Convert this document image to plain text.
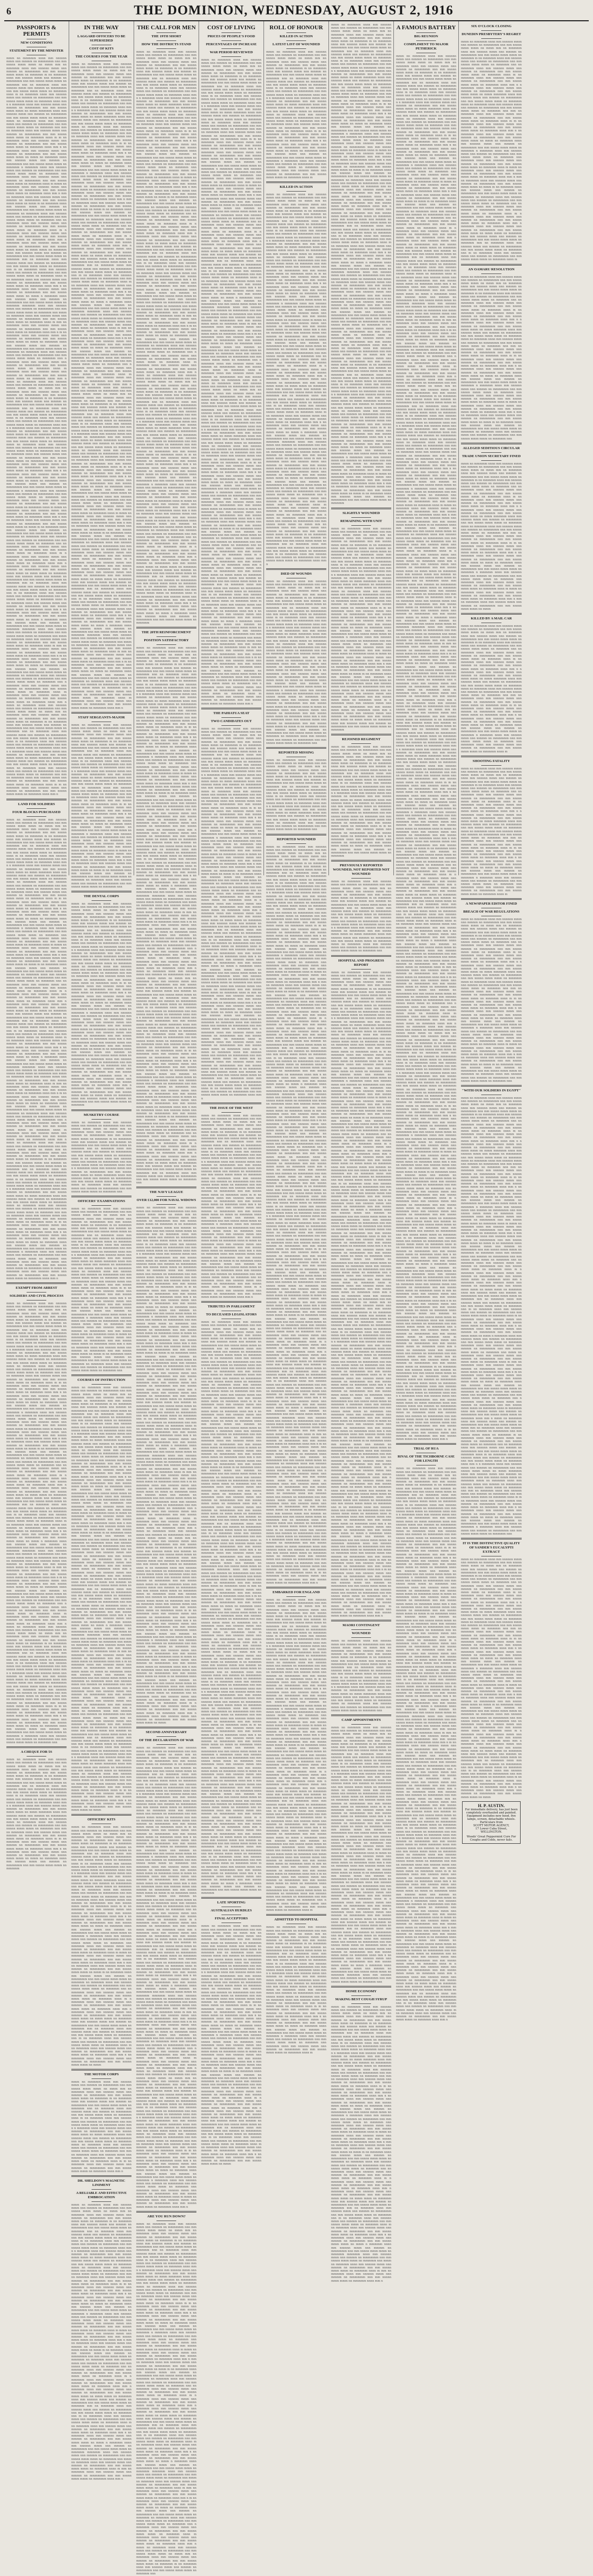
6	THE DOMINION, WEDNESDAY, AUGUST 2, 1916
PASSPORTS & PERMITS
NEW CONDITIONS
STATEMENT BY THE MINISTER
mmm nn mmmmm nnnn mm nnnnnn mmm nnn mmmm nn mmmmmm nnn mm nnnnn mmm mmm nn mmm mm nn mmmmm nnnn mm nnnnnn mmm nnn mmmm nn mmmmmm nnn mm nnnnn mmm mmm nn mmmmm m nn mmmmm nnnn mm nnnnnn mmm nnn mmmm nn mmmmmm nnn mm nnnnn mmm mmm nn mmmmm nnn nn mmmmm nnnn mm nnnnnn mmm nnn mmmm nn mmmmmm nnn mm nnnnn mmm mmm nn mmmmm nnnn m nn mmmmm nnnn mm nnnnnn mmm nnn mmmm nn mmmmmm nnn mm nnnnn mmm mmm nn mmmmm nnnn mm n n mmmmm nnnn mm nnnnnn mmm nnn mmmm nn mmmmmm nnn mm nnnnn mmm mmm nn mmm mmmmm nnnn mm nnnnnn mmm nnn mmmm nn mmmmmm nnn mm nnnnn mmm mmm nn mmmmm mmm nn mmmmm nnnn mm nnnnnn mmm nnn mmmm nn mmmmmm nnn mm nnnnn mmm mmm nn mmmmm nnn mm nn mmmmm nnnn mm nnnnnn mmm nnn mmmm nn mmmmmm nnn mm nnnnn mmm mmm nn mmmmm nnnn m m nn mmmmm nnnn mm nnnnnn mmm nnn mmmm nn mmmmmm nnn mm nnnnn mmm mmm nn mmmmm nnnn mm n nn mmmmm nnnn mm nnnnnn mmm nnn mmmm nn mmmmmm nnn mm nnnnn mmm mmm nn mmm nn mmmmm nnnn mm nnnnnn mmm nnn mmmm nn mmmmmm nnn mm nnnnn mmm mmm nn mmmmm n mmmmm nnnn mm nnnnnn mmm nnn mmmm nn mmmmmm nnn mm nnnnn mmm mmm nn mmmmm nnn mmmmm nnnn mm nnnnnn mmm nnn mmmm nn mmmmmm nnn mm nnnnn mmm mmm nn mmmmm nnnn m mmm nn mmmmm nnnn mm nnnnnn mmm nnn mmmm nn mmmmmm nnn mm nnnnn mmm mmm nn mmmmm nnnn mm n mm nn mmmmm nnnn mm nnnnnn mmm nnn mmmm nn mmmmmm nnn mm nnnnn mmm mmm nn mmm m nn mmmmm nnnn mm nnnnnn mmm nnn mmmm nn mmmmmm nnn mm nnnnn mmm mmm nn mmmmm nn mmmmm nnnn mm nnnnnn mmm nnn mmmm nn mmmmmm nnn mm nnnnn mmm mmm nn mmmmm nnn nn mmmmm nnnn mm nnnnnn mmm nnn mmmm nn mmmmmm nnn mm nnnnn mmm mmm nn mmmmm nnnn m n mmmmm nnnn mm nnnnnn mmm nnn mmmm nn mmmmmm nnn mm nnnnn mmm mmm nn mmmmm nnnn mm n mmmmm nnnn mm nnnnnn mmm nnn mmmm nn mmmmmm nnn mm nnnnn mmm mmm nn mmm mmm nn mmmmm nnnn mm nnnnnn mmm nnn mmmm nn mmmmmm nnn mm nnnnn mmm mmm nn mmmmm mm nn mmmmm nnnn mm nnnnnn mmm nnn mmmm nn mmmmmm nnn mm nnnnn mmm mmm nn mmmmm nnn m nn mmmmm nnnn mm nnnnnn mmm nnn mmmm nn mmmmmm nnn mm nnnnn mmm mmm nn mmmmm nnnn m nn mmmmm nnnn mm nnnnnn mmm nnn mmmm nn mmmmmm nnn mm nnnnn mmm mmm nn mmmmm nnnn mm n nn mmmmm nnnn mm nnnnnn mmm nnn mmmm nn mmmmmm nnn mm nnnnn mmm mmm nn mmm n mmmmm nnnn mm nnnnnn mmm nnn mmmm nn mmmmmm nnn mm nnnnn mmm mmm nn mmmmm mmmmm nnnn mm nnnnnn mmm nnn mmmm nn mmmmmm nnn mm nnnnn mmm mmm nn mmmmm nnn mmm nn mmmmm nnnn mm nnnnnn mmm nnn mmmm nn mmmmmm nnn mm nnnnn mmm mmm nn mmmmm nnnn m mm nn mmmmm nnnn mm nnnnnn mmm nnn mmmm nn mmmmmm nnn mm nnnnn mmm mmm nn mmmmm nnnn mm n m nn mmmmm nnnn mm nnnnnn mmm nnn mmmm nn mmmmmm nnn mm nnnnn mmm mmm nn mmm nn mmmmm nnnn mm nnnnnn mmm nnn mmmm nn mmmmmm nnn mm nnnnn mmm mmm nn mmmmm nn mmmmm nnnn mm nnnnnn mmm nnn mmmm nn mmmmmm nnn mm nnnnn mmm mmm nn mmmmm nnn n mmmmm nnnn mm nnnnnn mmm nnn mmmm nn mmmmmm nnn mm nnnnn mmm mmm nn mmmmm nnnn m mmmmm nnnn mm nnnnnn mmm nnn mmmm nn mmmmmm nnn mm nnnnn mmm mmm nn mmmmm nnnn mm n mmm nn mmmmm nnnn mm nnnnnn mmm nnn mmmm nn mmmmmm nnn mm nnnnn mmm mmm nn mmm mm nn mmmmm nnnn mm nnnnnn mmm nnn mmmm nn mmmmmm nnn mm nnnnn mmm mmm nn mmmmm m nn mmmmm nnnn mm nnnnnn mmm nnn mmmm nn mmmmmm nnn mm nnnnn mmm mmm nn mmmmm nnn nn mmmmm nnnn mm nnnnnn mmm nnn mmmm nn mmmmmm nnn mm nnnnn mmm mmm nn mmmmm nnnn m nn mmmmm nnnn mm nnnnnn mmm nnn mmmm nn mmmmmm nnn mm nnnnn mmm mmm nn mmmmm nnnn mm n n mmmmm nnnn mm nnnnnn mmm nnn mmmm nn mmmmmm nnn mm nnnnn mmm mmm nn mmm mmmmm nnnn mm nnnnnn mmm nnn mmmm nn mmmmmm nnn mm nnnnn mmm mmm nn mmmmm mmm nn mmmmm nnnn mm nnnnnn mmm nnn mmmm nn mmmmmm nnn mm nnnnn mmm mmm nn mmmmm nnn mm nn mmmmm nnnn mm nnnnnn mmm nnn mmmm nn mmmmmm nnn mm nnnnn mmm mmm nn mmmmm nnnn m m nn mmmmm nnnn mm nnnnnn mmm nnn mmmm nn mmmmmm nnn mm nnnnn mmm mmm nn mmmmm nnnn mm n nn mmmmm nnnn mm nnnnnn mmm nnn mmmm nn mmmmmm nnn mm nnnnn mmm mmm nn mmm nn mmmmm nnnn mm nnnnnn mmm nnn mmmm nn mmmmmm nnn mm nnnnn mmm mmm nn mmmmm n mmmmm nnnn mm nnnnnn mmm nnn mmmm nn mmmmmm nnn mm nnnnn mmm mmm nn mmmmm nnn mmmmm nnnn mm nnnnnn mmm nnn mmmm nn mmmmmm nnn mm nnnnn mmm mmm nn mmmmm nnnn m mmm nn mmmmm nnnn mm nnnnnn mmm nnn mmmm nn mmmmmm nnn mm nnnnn mmm mmm nn mmmmm nnnn mm n mm nn mmmmm nnnn mm nnnnnn mmm nnn mmmm nn mmmmmm nnn mm nnnnn mmm mmm nn mmm m nn mmmmm nnnn mm nnnnnn mmm nnn mmmm nn mmmmmm nnn mm nnnnn mmm mmm nn mmmmm nn mmmmm nnnn mm nnnnnn mmm nnn mmmm nn mmmmmm nnn mm nnnnn mmm mmm nn mmmmm nnn nn mmmmm nnnn mm nnnnnn mmm nnn mmmm nn mmmmmm nnn mm nnnnn mmm mmm nn mmmmm nnnn m n mmmmm nnnn mm nnnnnn mmm nnn mmmm nn mmmmmm nnn mm nnnnn mmm mmm nn mmmmm nnnn mm n mmmmm nnnn mm nnnnnn mmm nnn mmmm nn mmmmmm nnn mm nnnnn mmm mmm nn mmm mmm nn mmmmm nnnn mm nnnnnn mmm nnn mmmm nn mmmmmm nnn mm nnnnn mmm mmm nn mmmmm mm nn mmmmm nnnn mm nnnnnn mmm nnn mmmm nn mmmmmm nnn mm nnnnn mmm mmm nn mmmmm nnn m nn mmmmm nnnn mm nnnnnn mmm nnn mmmm nn mmmmmm nnn mm nnnnn mmm mmm nn mmmmm nnnn m nn mmmmm nnnn mm nnnnnn mmm nnn mmmm nn mmmmmm nnn mm nnnnn mmm mmm nn mmmmm nnnn mm n nn mmmmm nnnn mm nnnnnn mmm nnn mmmm nn mmmmmm nnn mm nnnnn mmm mmm nn mmm n mmmmm nnnn mm nnnnnn mmm nnn mmmm nn mmmmmm nnn mm nnnnn mmm mmm nn mmmmm mmmmm nnnn mm nnnnnn mmm nnn mmmm nn mmmmmm nnn mm nnnnn mmm mmm nn mmmmm nnn mmm nn mmmmm nnnn mm nnnnnn mmm nnn mmmm nn mmmmmm nnn mm nnnnn mmm mmm nn mmmmm nnnn m mm nn mmmmm nnnn mm nnnnnn mmm nnn mmmm nn mmmmmm nnn mm nnnnn mmm mmm nn mmmmm nnnn mm n m nn mmmmm nnnn mm nnnnnn mmm nnn mmmm nn mmmmmm nnn mm nnnnn mmm mmm nn mmm nn mmmmm nnnn mm nnnnnn mmm nnn mmmm nn mmmmmm nnn mm nnnnn mmm mmm nn mmmmm nn mmmmm nnnn mm nnnnnn mmm nnn mmmm nn mmmmmm nnn mm nnnnn mmm mmm nn mmmmm nnn n mmmmm nnnn mm nnnnnn mmm nnn mmmm nn mmmmmm nnn mm nnnnn mmm mmm nn mmmmm nnnn m mmmmm nnnn mm nnnnnn mmm nnn mmmm nn mmmmmm nnn mm nnnnn mmm mmm nn mmmmm nnnn mm n mmm nn mmmmm nnnn mm nnnnnn mmm nnn mmmm nn mmmmmm nnn mm nnnnn mmm mmm nn mmm mm nn mmmmm nnnn mm nnnnnn mmm nnn mmmm nn mmmmmm nnn mm nnnnn mmm mmm nn mmmmm m nn mmmmm nnnn mm nnnnnn mmm nnn mmmm nn mmmmmm nnn mm nnnnn mmm mmm nn mmmmm nnn nn mmmmm nnnn mm nnnnnn mmm nnn mmmm nn mmmmmm nnn mm nnnnn mmm mmm nn mmmmm nnnn m nn mmmmm nnnn mm nnnnnn mmm nnn mmmm nn mmmmmm nnn mm nnnnn mmm mmm nn mmmmm nnnn mm n n mmmmm nnnn mm nnnnnn mmm nnn mmmm nn mmmmmm nnn mm nnnnn mmm mmm nn mmm mmmmm nnnn mm nnnnnn mmm nnn mmmm nn mmmmmm nnn mm nnnnn mmm mmm nn mmmmm mmm nn mmmmm nnnn mm nnnnnn mmm nnn mmmm nn mmmmmm nnn mm nnnnn mmm mmm nn mmmmm nnn mm nn mmmmm nnnn mm nnnnnn mmm nnn mmmm nn mmmmmm nnn mm nnnnn mmm mmm nn mmmmm nnnn m m nn mmmmm nnnn mm nnnnnn mmm nnn mmmm nn mmmmmm nnn mm nnnnn mmm mmm nn mmmmm nnnn mm n
LAND FOR SOLDIERS
FOUR BLOCKS PURCHASED
mmm nn mmmmm nnnn mm nnnnnn mmm nnn mmmm nn mmmmmm nnn mm nnnnn mmm mmm nn mmm mm nn mmmmm nnnn mm nnnnnn mmm nnn mmmm nn mmmmmm nnn mm nnnnn mmm mmm nn mmmmm m nn mmmmm nnnn mm nnnnnn mmm nnn mmmm nn mmmmmm nnn mm nnnnn mmm mmm nn mmmmm nnn nn mmmmm nnnn mm nnnnnn mmm nnn mmmm nn mmmmmm nnn mm nnnnn mmm mmm nn mmmmm nnnn m nn mmmmm nnnn mm nnnnnn mmm nnn mmmm nn mmmmmm nnn mm nnnnn mmm mmm nn mmmmm nnnn mm n n mmmmm nnnn mm nnnnnn mmm nnn mmmm nn mmmmmm nnn mm nnnnn mmm mmm nn mmm mmmmm nnnn mm nnnnnn mmm nnn mmmm nn mmmmmm nnn mm nnnnn mmm mmm nn mmmmm mmm nn mmmmm nnnn mm nnnnnn mmm nnn mmmm nn mmmmmm nnn mm nnnnn mmm mmm nn mmmmm nnn mm nn mmmmm nnnn mm nnnnnn mmm nnn mmmm nn mmmmmm nnn mm nnnnn mmm mmm nn mmmmm nnnn m m nn mmmmm nnnn mm nnnnnn mmm nnn mmmm nn mmmmmm nnn mm nnnnn mmm mmm nn mmmmm nnnn mm n nn mmmmm nnnn mm nnnnnn mmm nnn mmmm nn mmmmmm nnn mm nnnnn mmm mmm nn mmm nn mmmmm nnnn mm nnnnnn mmm nnn mmmm nn mmmmmm nnn mm nnnnn mmm mmm nn mmmmm n mmmmm nnnn mm nnnnnn mmm nnn mmmm nn mmmmmm nnn mm nnnnn mmm mmm nn mmmmm nnn mmmmm nnnn mm nnnnnn mmm nnn mmmm nn mmmmmm nnn mm nnnnn mmm mmm nn mmmmm nnnn m mmm nn mmmmm nnnn mm nnnnnn mmm nnn mmmm nn mmmmmm nnn mm nnnnn mmm mmm nn mmmmm nnnn mm n mm nn mmmmm nnnn mm nnnnnn mmm nnn mmmm nn mmmmmm nnn mm nnnnn mmm mmm nn mmm m nn mmmmm nnnn mm nnnnnn mmm nnn mmmm nn mmmmmm nnn mm nnnnn mmm mmm nn mmmmm nn mmmmm nnnn mm nnnnnn mmm nnn mmmm nn mmmmmm nnn mm nnnnn mmm mmm nn mmmmm nnn nn mmmmm nnnn mm nnnnnn mmm nnn mmmm nn mmmmmm nnn mm nnnnn mmm mmm nn mmmmm nnnn m n mmmmm nnnn mm nnnnnn mmm nnn mmmm nn mmmmmm nnn mm nnnnn mmm mmm nn mmmmm nnnn mm n mmmmm nnnn mm nnnnnn mmm nnn mmmm nn mmmmmm nnn mm nnnnn mmm mmm nn mmm mmm nn mmmmm nnnn mm nnnnnn mmm nnn mmmm nn mmmmmm nnn mm nnnnn mmm mmm nn mmmmm mm nn mmmmm nnnn mm nnnnnn mmm nnn mmmm nn mmmmmm nnn mm nnnnn mmm mmm nn mmmmm nnn m nn mmmmm nnnn mm nnnnnn mmm nnn mmmm nn mmmmmm nnn mm nnnnn mmm mmm nn mmmmm nnnn m nn mmmmm nnnn mm nnnnnn mmm nnn mmmm nn mmmmmm nnn mm nnnnn mmm mmm nn mmmmm nnnn mm n nn mmmmm nnnn mm nnnnnn mmm nnn mmmm nn mmmmmm nnn mm nnnnn mmm mmm nn mmm n mmmmm nnnn mm nnnnnn mmm nnn mmmm nn mmmmmm nnn mm nnnnn mmm mmm nn mmmmm mmmmm nnnn mm nnnnnn mmm nnn mmmm nn mmmmmm nnn mm nnnnn mmm mmm nn mmmmm nnn mmm nn mmmmm nnnn mm nnnnnn mmm nnn mmmm nn mmmmmm nnn mm nnnnn mmm mmm nn mmmmm nnnn m mm nn mmmmm nnnn mm nnnnnn mmm nnn mmmm nn mmmmmm nnn mm nnnnn mmm mmm nn mmmmm nnnn mm n m nn mmmmm nnnn mm nnnnnn mmm nnn mmmm nn mmmmmm nnn mm nnnnn mmm mmm nn mmm nn mmmmm nnnn mm nnnnnn mmm nnn mmmm nn mmmmmm nnn mm nnnnn mmm mmm nn mmmmm nn mmmmm nnnn mm nnnnnn mmm nnn mmmm nn mmmmmm nnn mm nnnnn mmm mmm nn mmmmm nnn n mmmmm nnnn mm nnnnnn mmm nnn mmmm nn mmmmmm nnn mm nnnnn mmm mmm nn mmmmm nnnn m mmmmm nnnn mm nnnnnn mmm nnn mmmm nn mmmmmm nnn mm nnnnn mmm mmm nn mmmmm nnnn mm n mmm nn mmmmm nnnn mm nnnnnn mmm nnn mmmm nn mmmmmm nnn mm nnnnn mmm mmm nn mmm mm nn mmmmm nnnn mm nnnnnn mmm nnn mmmm nn mmmmmm nnn mm nnnnn mmm mmm nn mmmmm m nn mmmmm nnnn mm nnnnnn mmm nnn mmmm nn mmmmmm nnn mm nnnnn mmm mmm nn mmmmm nnn nn mmmmm nnnn mm nnnnnn mmm nnn mmmm nn mmmmmm nnn mm nnnnn mmm mmm nn mmmmm nnnn m nn mmmmm nnnn mm nnnnnn mmm nnn mmmm nn mmmmmm nnn mm nnnnn mmm mmm nn mmmmm nnnn mm n n mmmmm nnnn mm nnnnnn mmm nnn mmmm nn mmmmmm nnn mm nnnnn mmm mmm nn mmm mmmmm nnnn mm nnnnnn mmm nnn mmmm nn mmmmmm nnn mm nnnnn mmm mmm nn mmmmm mmm nn mmmmm nnnn mm nnnnnn mmm nnn mmmm nn mmmmmm nnn mm nnnnn mmm mmm nn mmmmm nnn mm nn mmmmm nnnn mm nnnnnn mmm nnn mmmm nn mmmmmm nnn mm nnnnn mmm mmm nn mmmmm nnnn m m nn mmmmm nnnn mm nnnnnn mmm nnn mmmm nn mmmmmm nnn mm nnnnn mmm mmm nn mmmmm nnnn mm n nn mmmmm nnnn mm nnnnnn mmm nnn mmmm nn mmmmmm nnn mm nnnnn mmm mmm nn mmm nn mmmmm nnnn mm nnnnnn mmm nnn mmmm nn mmmmmm nnn mm nnnnn mmm mmm nn mmmmm n mmmmm nnnn mm nnnnnn mmm nnn mmmm nn mmmmmm nnn mm nnnnn mmm mmm nn mmmmm nnn mmmmm nnnn mm nnnnnn mmm nnn mmmm nn mmmmmm nnn mm nnnnn mmm mmm nn mmmmm nnnn m mmm nn mmmmm nnnn mm nnnnnn mmm nnn mmmm nn mmmmmm nnn mm nnnnn mmm mmm nn mmmmm nnnn mm n
EXEMPT FROM ARREST
SOLDIERS AND CIVIL PROCESS
mmm nn mmmmm nnnn mm nnnnnn mmm nnn mmmm nn mmmmmm nnn mm nnnnn mmm mmm nn mmm mm nn mmmmm nnnn mm nnnnnn mmm nnn mmmm nn mmmmmm nnn mm nnnnn mmm mmm nn mmmmm m nn mmmmm nnnn mm nnnnnn mmm nnn mmmm nn mmmmmm nnn mm nnnnn mmm mmm nn mmmmm nnn nn mmmmm nnnn mm nnnnnn mmm nnn mmmm nn mmmmmm nnn mm nnnnn mmm mmm nn mmmmm nnnn m nn mmmmm nnnn mm nnnnnn mmm nnn mmmm nn mmmmmm nnn mm nnnnn mmm mmm nn mmmmm nnnn mm n n mmmmm nnnn mm nnnnnn mmm nnn mmmm nn mmmmmm nnn mm nnnnn mmm mmm nn mmm mmmmm nnnn mm nnnnnn mmm nnn mmmm nn mmmmmm nnn mm nnnnn mmm mmm nn mmmmm mmm nn mmmmm nnnn mm nnnnnn mmm nnn mmmm nn mmmmmm nnn mm nnnnn mmm mmm nn mmmmm nnn mm nn mmmmm nnnn mm nnnnnn mmm nnn mmmm nn mmmmmm nnn mm nnnnn mmm mmm nn mmmmm nnnn m m nn mmmmm nnnn mm nnnnnn mmm nnn mmmm nn mmmmmm nnn mm nnnnn mmm mmm nn mmmmm nnnn mm n nn mmmmm nnnn mm nnnnnn mmm nnn mmmm nn mmmmmm nnn mm nnnnn mmm mmm nn mmm nn mmmmm nnnn mm nnnnnn mmm nnn mmmm nn mmmmmm nnn mm nnnnn mmm mmm nn mmmmm n mmmmm nnnn mm nnnnnn mmm nnn mmmm nn mmmmmm nnn mm nnnnn mmm mmm nn mmmmm nnn mmmmm nnnn mm nnnnnn mmm nnn mmmm nn mmmmmm nnn mm nnnnn mmm mmm nn mmmmm nnnn m mmm nn mmmmm nnnn mm nnnnnn mmm nnn mmmm nn mmmmmm nnn mm nnnnn mmm mmm nn mmmmm nnnn mm n mm nn mmmmm nnnn mm nnnnnn mmm nnn mmmm nn mmmmmm nnn mm nnnnn mmm mmm nn mmm m nn mmmmm nnnn mm nnnnnn mmm nnn mmmm nn mmmmmm nnn mm nnnnn mmm mmm nn mmmmm nn mmmmm nnnn mm nnnnnn mmm nnn mmmm nn mmmmmm nnn mm nnnnn mmm mmm nn mmmmm nnn nn mmmmm nnnn mm nnnnnn mmm nnn mmmm nn mmmmmm nnn mm nnnnn mmm mmm nn mmmmm nnnn m n mmmmm nnnn mm nnnnnn mmm nnn mmmm nn mmmmmm nnn mm nnnnn mmm mmm nn mmmmm nnnn mm n mmmmm nnnn mm nnnnnn mmm nnn mmmm nn mmmmmm nnn mm nnnnn mmm mmm nn mmm mmm nn mmmmm nnnn mm nnnnnn mmm nnn mmmm nn mmmmmm nnn mm nnnnn mmm mmm nn mmmmm mm nn mmmmm nnnn mm nnnnnn mmm nnn mmmm nn mmmmmm nnn mm nnnnn mmm mmm nn mmmmm nnn m nn mmmmm nnnn mm nnnnnn mmm nnn mmmm nn mmmmmm nnn mm nnnnn mmm mmm nn mmmmm nnnn m nn mmmmm nnnn mm nnnnnn mmm nnn mmmm nn mmmmmm nnn mm nnnnn mmm mmm nn mmmmm nnnn mm n nn mmmmm nnnn mm nnnnnn mmm nnn mmmm nn mmmmmm nnn mm nnnnn mmm mmm nn mmm n mmmmm nnnn mm nnnnnn mmm nnn mmmm nn mmmmmm nnn mm nnnnn mmm mmm nn mmmmm mmmmm nnnn mm nnnnnn mmm nnn mmmm nn mmmmmm nnn mm nnnnn mmm mmm nn mmmmm nnn mmm nn mmmmm nnnn mm nnnnnn mmm nnn mmmm nn mmmmmm nnn mm nnnnn mmm mmm nn mmmmm nnnn m mm nn mmmmm nnnn mm nnnnnn mmm nnn mmmm nn mmmmmm nnn mm nnnnn mmm mmm nn mmmmm nnnn mm n m nn mmmmm nnnn mm nnnnnn mmm nnn mmmm nn mmmmmm nnn mm nnnnn mmm mmm nn mmm nn mmmmm nnnn mm nnnnnn mmm nnn mmmm nn mmmmmm nnn mm nnnnn mmm mmm nn mmmmm nn mmmmm nnnn mm nnnnnn mmm nnn mmmm nn mmmmmm nnn mm nnnnn mmm mmm nn mmmmm nnn n mmmmm nnnn mm nnnnnn mmm nnn mmmm nn mmmmmm nnn mm nnnnn mmm mmm nn mmmmm nnnn m mmmmm nnnn mm nnnnnn mmm nnn mmmm nn mmmmmm nnn mm nnnnn mmm mmm nn mmmmm nnnn mm n mmm nn mmmmm nnnn mm nnnnnn mmm nnn mmmm nn mmmmmm nnn mm nnnnn mmm mmm nn mmm mm nn mmmmm nnnn mm nnnnnn mmm nnn mmmm nn mmmmmm nnn mm nnnnn mmm mmm nn mmmmm m nn mmmmm nnnn mm nnnnnn mmm nnn mmmm nn mmmmmm nnn mm nnnnn mmm mmm nn mmmmm nnn nn mmmmm nnnn mm nnnnnn mmm nnn mmmm nn mmmmmm nnn mm nnnnn mmm mmm nn mmmmm nnnn m nn mmmmm nnnn mm nnnnnn mmm nnn mmmm nn mmmmmm nnn mm nnnnn mmm mmm nn mmmmm nnnn mm n n mmmmm nnnn mm nnnnnn mmm nnn mmmm nn mmmmmm nnn mm nnnnn mmm mmm nn mmm mmmmm nnnn mm nnnnnn mmm nnn mmmm nn mmmmmm nnn mm nnnnn mmm mmm nn mmmmm mmm nn mmmmm nnnn mm nnnnnn mmm nnn mmmm nn mmmmmm nnn mm nnnnn mmm mmm nn mmmmm nnn mm nn mmmmm nnnn mm nnnnnn mmm nnn mmmm nn mmmmmm nnn mm nnnnn mmm mmm nn mmmmm nnnn m m nn mmmmm nnnn mm nnnnnn mmm nnn mmmm nn mmmmmm nnn mm nnnnn mmm mmm nn mmmmm nnnn mm n nn mmmmm nnnn mm nnnnnn mmm nnn mmmm nn mmmmmm nnn mm nnnnn mmm mmm nn mmm nn mmmmm nnnn mm nnnnnn mmm nnn mmmm nn mmmmmm nnn mm nnnnn mmm mmm nn mmmmm n mmmmm nnnn mm nnnnnn mmm nnn mmmm nn mmmmmm nnn mm nnnnn mmm mmm nn mmmmm nnn
A CHEQUE FOR 5S
mmm nn mmmmm nnnn mm nnnnnn mmm nnn mmmm nn mmmmmm nnn mm nnnnn mmm mmm nn mmm mm nn mmmmm nnnn mm nnnnnn mmm nnn mmmm nn mmmmmm nnn mm nnnnn mmm mmm nn mmmmm m nn mmmmm nnnn mm nnnnnn mmm nnn mmmm nn mmmmmm nnn mm nnnnn mmm mmm nn mmmmm nnn nn mmmmm nnnn mm nnnnnn mmm nnn mmmm nn mmmmmm nnn mm nnnnn mmm mmm nn mmmmm nnnn m nn mmmmm nnnn mm nnnnnn mmm nnn mmmm nn mmmmmm nnn mm nnnnn mmm mmm nn mmmmm nnnn mm n n mmmmm nnnn mm nnnnnn mmm nnn mmmm nn mmmmmm nnn mm nnnnn mmm mmm nn mmm mmmmm nnnn mm nnnnnn mmm nnn mmmm nn mmmmmm nnn mm nnnnn mmm mmm nn mmmmm mmm nn mmmmm nnnn mm nnnnnn mmm nnn mmmm nn mmmmmm nnn mm nnnnn mmm mmm nn mmmmm nnn mm nn mmmmm nnnn mm nnnnnn mmm nnn mmmm nn mmmmmm nnn mm nnnnn mmm mmm nn mmmmm nnnn m m nn mmmmm nnnn mm nnnnnn mmm nnn mmmm nn mmmmmm nnn mm nnnnn mmm mmm nn mmmmm nnnn mm n nn mmmmm nnnn mm nnnnnn mmm nnn mmmm nn mmmmmm nnn mm nnnnn mmm mmm nn mmm nn mmmmm nnnn mm nnnnnn mmm nnn mmmm nn mmmmmm nnn mm nnnnn mmm mmm nn mmmmm
IN THE WAY
LAGGARD OFFICERS TO BE SUPERSEDED
COST OF KITS
THE COURSES FOR THE YEAR
mmm nn mmmmm nnnn mm nnnnnn mmm nnn mmmm nn mmmmmm nnn mm nnnnn mmm mmm nn mmm mm nn mmmmm nnnn mm nnnnnn mmm nnn mmmm nn mmmmmm nnn mm nnnnn mmm mmm nn mmmmm m nn mmmmm nnnn mm nnnnnn mmm nnn mmmm nn mmmmmm nnn mm nnnnn mmm mmm nn mmmmm nnn nn mmmmm nnnn mm nnnnnn mmm nnn mmmm nn mmmmmm nnn mm nnnnn mmm mmm nn mmmmm nnnn m nn mmmmm nnnn mm nnnnnn mmm nnn mmmm nn mmmmmm nnn mm nnnnn mmm mmm nn mmmmm nnnn mm n n mmmmm nnnn mm nnnnnn mmm nnn mmmm nn mmmmmm nnn mm nnnnn mmm mmm nn mmm mmmmm nnnn mm nnnnnn mmm nnn mmmm nn mmmmmm nnn mm nnnnn mmm mmm nn mmmmm mmm nn mmmmm nnnn mm nnnnnn mmm nnn mmmm nn mmmmmm nnn mm nnnnn mmm mmm nn mmmmm nnn mm nn mmmmm nnnn mm nnnnnn mmm nnn mmmm nn mmmmmm nnn mm nnnnn mmm mmm nn mmmmm nnnn m m nn mmmmm nnnn mm nnnnnn mmm nnn mmmm nn mmmmmm nnn mm nnnnn mmm mmm nn mmmmm nnnn mm n nn mmmmm nnnn mm nnnnnn mmm nnn mmmm nn mmmmmm nnn mm nnnnn mmm mmm nn mmm nn mmmmm nnnn mm nnnnnn mmm nnn mmmm nn mmmmmm nnn mm nnnnn mmm mmm nn mmmmm n mmmmm nnnn mm nnnnnn mmm nnn mmmm nn mmmmmm nnn mm nnnnn mmm mmm nn mmmmm nnn mmmmm nnnn mm nnnnnn mmm nnn mmmm nn mmmmmm nnn mm nnnnn mmm mmm nn mmmmm nnnn m mmm nn mmmmm nnnn mm nnnnnn mmm nnn mmmm nn mmmmmm nnn mm nnnnn mmm mmm nn mmmmm nnnn mm n mm nn mmmmm nnnn mm nnnnnn mmm nnn mmmm nn mmmmmm nnn mm nnnnn mmm mmm nn mmm m nn mmmmm nnnn mm nnnnnn mmm nnn mmmm nn mmmmmm nnn mm nnnnn mmm mmm nn mmmmm nn mmmmm nnnn mm nnnnnn mmm nnn mmmm nn mmmmmm nnn mm nnnnn mmm mmm nn mmmmm nnn nn mmmmm nnnn mm nnnnnn mmm nnn mmmm nn mmmmmm nnn mm nnnnn mmm mmm nn mmmmm nnnn m n mmmmm nnnn mm nnnnnn mmm nnn mmmm nn mmmmmm nnn mm nnnnn mmm mmm nn mmmmm nnnn mm n mmmmm nnnn mm nnnnnn mmm nnn mmmm nn mmmmmm nnn mm nnnnn mmm mmm nn mmm mmm nn mmmmm nnnn mm nnnnnn mmm nnn mmmm nn mmmmmm nnn mm nnnnn mmm mmm nn mmmmm mm nn mmmmm nnnn mm nnnnnn mmm nnn mmmm nn mmmmmm nnn mm nnnnn mmm mmm nn mmmmm nnn m nn mmmmm nnnn mm nnnnnn mmm nnn mmmm nn mmmmmm nnn mm nnnnn mmm mmm nn mmmmm nnnn m nn mmmmm nnnn mm nnnnnn mmm nnn mmmm nn mmmmmm nnn mm nnnnn mmm mmm nn mmmmm nnnn mm n nn mmmmm nnnn mm nnnnnn mmm nnn mmmm nn mmmmmm nnn mm nnnnn mmm mmm nn mmm n mmmmm nnnn mm nnnnnn mmm nnn mmmm nn mmmmmm nnn mm nnnnn mmm mmm nn mmmmm mmmmm nnnn mm nnnnnn mmm nnn mmmm nn mmmmmm nnn mm nnnnn mmm mmm nn mmmmm nnn mmm nn mmmmm nnnn mm nnnnnn mmm nnn mmmm nn mmmmmm nnn mm nnnnn mmm mmm nn mmmmm nnnn m mm nn mmmmm nnnn mm nnnnnn mmm nnn mmmm nn mmmmmm nnn mm nnnnn mmm mmm nn mmmmm nnnn mm n m nn mmmmm nnnn mm nnnnnn mmm nnn mmmm nn mmmmmm nnn mm nnnnn mmm mmm nn mmm nn mmmmm nnnn mm nnnnnn mmm nnn mmmm nn mmmmmm nnn mm nnnnn mmm mmm nn mmmmm nn mmmmm nnnn mm nnnnnn mmm nnn mmmm nn mmmmmm nnn mm nnnnn mmm mmm nn mmmmm nnn n mmmmm nnnn mm nnnnnn mmm nnn mmmm nn mmmmmm nnn mm nnnnn mmm mmm nn mmmmm nnnn m mmmmm nnnn mm nnnnnn mmm nnn mmmm nn mmmmmm nnn mm nnnnn mmm mmm nn mmmmm nnnn mm n mmm nn mmmmm nnnn mm nnnnnn mmm nnn mmmm nn mmmmmm nnn mm nnnnn mmm mmm nn mmm mm nn mmmmm nnnn mm nnnnnn mmm nnn mmmm nn mmmmmm nnn mm nnnnn mmm mmm nn mmmmm m nn mmmmm nnnn mm nnnnnn mmm nnn mmmm nn mmmmmm nnn mm nnnnn mmm mmm nn mmmmm nnn nn mmmmm nnnn mm nnnnnn mmm nnn mmmm nn mmmmmm nnn mm nnnnn mmm mmm nn mmmmm nnnn m nn mmmmm nnnn mm nnnnnn mmm nnn mmmm nn mmmmmm nnn mm nnnnn mmm mmm nn mmmmm nnnn mm n n mmmmm nnnn mm nnnnnn mmm nnn mmmm nn mmmmmm nnn mm nnnnn mmm mmm nn mmm mmmmm nnnn mm nnnnnn mmm nnn mmmm nn mmmmmm nnn mm nnnnn mmm mmm nn mmmmm mmm nn mmmmm nnnn mm nnnnnn mmm nnn mmmm nn mmmmmm nnn mm nnnnn mmm mmm nn mmmmm nnn mm nn mmmmm nnnn mm nnnnnn mmm nnn mmmm nn mmmmmm nnn mm nnnnn mmm mmm nn mmmmm nnnn m m nn mmmmm nnnn mm nnnnnn mmm nnn mmmm nn mmmmmm nnn mm nnnnn mmm mmm nn mmmmm nnnn mm n nn mmmmm nnnn mm nnnnnn mmm nnn mmmm nn mmmmmm nnn mm nnnnn mmm mmm nn mmm nn mmmmm nnnn mm nnnnnn mmm nnn mmmm nn mmmmmm nnn mm nnnnn mmm mmm nn mmmmm n mmmmm nnnn mm nnnnnn mmm nnn mmmm nn mmmmmm nnn mm nnnnn mmm mmm nn mmmmm nnn mmmmm nnnn mm nnnnnn mmm nnn mmmm nn mmmmmm nnn mm nnnnn mmm mmm nn mmmmm nnnn m mmm nn mmmmm nnnn mm nnnnnn mmm nnn mmmm nn mmmmmm nnn mm nnnnn mmm mmm nn mmmmm nnnn mm n mm nn mmmmm nnnn mm nnnnnn mmm nnn mmmm nn mmmmmm nnn mm nnnnn mmm mmm nn mmm m nn mmmmm nnnn mm nnnnnn mmm nnn mmmm nn mmmmmm nnn mm nnnnn mmm mmm nn mmmmm nn mmmmm nnnn mm nnnnnn mmm nnn mmmm nn mmmmmm nnn mm nnnnn mmm mmm nn mmmmm nnn nn mmmmm nnnn mm nnnnnn mmm nnn mmmm nn mmmmmm nnn mm nnnnn mmm mmm nn mmmmm nnnn m n mmmmm nnnn mm nnnnnn mmm nnn mmmm nn mmmmmm nnn mm nnnnn mmm mmm nn mmmmm nnnn mm n mmmmm nnnn mm nnnnnn mmm nnn mmmm nn mmmmmm nnn mm nnnnn mmm mmm nn mmm mmm nn mmmmm nnnn mm nnnnnn mmm nnn mmmm nn mmmmmm nnn mm nnnnn mmm mmm nn mmmmm mm nn mmmmm nnnn mm nnnnnn mmm nnn mmmm nn mmmmmm nnn mm nnnnn mmm mmm nn mmmmm nnn m nn mmmmm nnnn mm nnnnnn mmm nnn mmmm nn mmmmmm nnn mm nnnnn mmm mmm nn mmmmm nnnn m nn mmmmm nnnn mm nnnnnn mmm nnn mmmm nn mmmmmm nnn mm nnnnn mmm mmm nn mmmmm nnnn mm n nn mmmmm nnnn mm nnnnnn mmm nnn mmmm nn mmmmmm nnn mm nnnnn mmm mmm nn mmm n mmmmm nnnn mm nnnnnn mmm nnn mmmm nn mmmmmm nnn mm nnnnn mmm mmm nn mmmmm mmmmm nnnn mm nnnnnn mmm nnn mmmm nn mmmmmm nnn mm nnnnn mmm mmm nn mmmmm nnn mmm nn mmmmm nnnn mm nnnnnn mmm nnn mmmm nn mmmmmm nnn mm nnnnn mmm mmm nn mmmmm nnnn m mm nn mmmmm nnnn mm nnnnnn mmm nnn mmmm nn mmmmmm nnn mm nnnnn mmm mmm nn mmmmm nnnn mm n m nn mmmmm nnnn mm nnnnnn mmm nnn mmmm nn mmmmmm nnn mm nnnnn mmm mmm nn mmm nn mmmmm nnnn mm nnnnnn mmm nnn mmmm nn mmmmmm nnn mm nnnnn mmm mmm nn mmmmm nn mmmmm nnnn mm nnnnnn mmm nnn mmmm nn mmmmmm nnn mm nnnnn mmm mmm nn mmmmm nnn n mmmmm nnnn mm nnnnnn mmm nnn mmmm nn mmmmmm nnn mm nnnnn mmm mmm nn mmmmm nnnn m mmmmm nnnn mm nnnnnn mmm nnn mmmm nn mmmmmm nnn mm nnnnn mmm mmm nn mmmmm nnnn mm n
STAFF SERGEANTS-MAJOR
mmm nn mmmmm nnnn mm nnnnnn mmm nnn mmmm nn mmmmmm nnn mm nnnnn mmm mmm nn mmm mm nn mmmmm nnnn mm nnnnnn mmm nnn mmmm nn mmmmmm nnn mm nnnnn mmm mmm nn mmmmm m nn mmmmm nnnn mm nnnnnn mmm nnn mmmm nn mmmmmm nnn mm nnnnn mmm mmm nn mmmmm nnn nn mmmmm nnnn mm nnnnnn mmm nnn mmmm nn mmmmmm nnn mm nnnnn mmm mmm nn mmmmm nnnn m nn mmmmm nnnn mm nnnnnn mmm nnn mmmm nn mmmmmm nnn mm nnnnn mmm mmm nn mmmmm nnnn mm n n mmmmm nnnn mm nnnnnn mmm nnn mmmm nn mmmmmm nnn mm nnnnn mmm mmm nn mmm mmmmm nnnn mm nnnnnn mmm nnn mmmm nn mmmmmm nnn mm nnnnn mmm mmm nn mmmmm mmm nn mmmmm nnnn mm nnnnnn mmm nnn mmmm nn mmmmmm nnn mm nnnnn mmm mmm nn mmmmm nnn mm nn mmmmm nnnn mm nnnnnn mmm nnn mmmm nn mmmmmm nnn mm nnnnn mmm mmm nn mmmmm nnnn m m nn mmmmm nnnn mm nnnnnn mmm nnn mmmm nn mmmmmm nnn mm nnnnn mmm mmm nn mmmmm nnnn mm n nn mmmmm nnnn mm nnnnnn mmm nnn mmmm nn mmmmmm nnn mm nnnnn mmm mmm nn mmm nn mmmmm nnnn mm nnnnnn mmm nnn mmmm nn mmmmmm nnn mm nnnnn mmm mmm nn mmmmm n mmmmm nnnn mm nnnnnn mmm nnn mmmm nn mmmmmm nnn mm nnnnn mmm mmm nn mmmmm nnn mmmmm nnnn mm nnnnnn mmm nnn mmmm nn mmmmmm nnn mm nnnnn mmm mmm nn mmmmm nnnn m mmm nn mmmmm nnnn mm nnnnnn mmm nnn mmmm nn mmmmmm nnn mm nnnnn mmm mmm nn mmmmm nnnn mm n mm nn mmmmm nnnn mm nnnnnn mmm nnn mmmm nn mmmmmm nnn mm nnnnn mmm mmm nn mmm m nn mmmmm nnnn mm nnnnnn mmm nnn mmmm nn mmmmmm nnn mm nnnnn mmm mmm nn mmmmm nn mmmmm nnnn mm nnnnnn mmm nnn mmmm nn mmmmmm nnn mm nnnnn mmm mmm nn mmmmm nnn
THE DENTAL CORPS
mmm nn mmmmm nnnn mm nnnnnn mmm nnn mmmm nn mmmmmm nnn mm nnnnn mmm mmm nn mmm mm nn mmmmm nnnn mm nnnnnn mmm nnn mmmm nn mmmmmm nnn mm nnnnn mmm mmm nn mmmmm m nn mmmmm nnnn mm nnnnnn mmm nnn mmmm nn mmmmmm nnn mm nnnnn mmm mmm nn mmmmm nnn nn mmmmm nnnn mm nnnnnn mmm nnn mmmm nn mmmmmm nnn mm nnnnn mmm mmm nn mmmmm nnnn m nn mmmmm nnnn mm nnnnnn mmm nnn mmmm nn mmmmmm nnn mm nnnnn mmm mmm nn mmmmm nnnn mm n n mmmmm nnnn mm nnnnnn mmm nnn mmmm nn mmmmmm nnn mm nnnnn mmm mmm nn mmm mmmmm nnnn mm nnnnnn mmm nnn mmmm nn mmmmmm nnn mm nnnnn mmm mmm nn mmmmm mmm nn mmmmm nnnn mm nnnnnn mmm nnn mmmm nn mmmmmm nnn mm nnnnn mmm mmm nn mmmmm nnn mm nn mmmmm nnnn mm nnnnnn mmm nnn mmmm nn mmmmmm nnn mm nnnnn mmm mmm nn mmmmm nnnn m m nn mmmmm nnnn mm nnnnnn mmm nnn mmmm nn mmmmmm nnn mm nnnnn mmm mmm nn mmmmm nnnn mm n nn mmmmm nnnn mm nnnnnn mmm nnn mmmm nn mmmmmm nnn mm nnnnn mmm mmm nn mmm nn mmmmm nnnn mm nnnnnn mmm nnn mmmm nn mmmmmm nnn mm nnnnn mmm mmm nn mmmmm n mmmmm nnnn mm nnnnnn mmm nnn mmmm nn mmmmmm nnn mm nnnnn mmm mmm nn mmmmm nnn mmmmm nnnn mm nnnnnn mmm nnn mmmm nn mmmmmm nnn mm nnnnn mmm mmm nn mmmmm nnnn m mmm nn mmmmm nnnn mm nnnnnn mmm nnn mmmm nn mmmmmm nnn mm nnnnn mmm mmm nn mmmmm nnnn mm n mm nn mmmmm nnnn mm nnnnnn mmm nnn mmmm nn mmmmmm nnn mm nnnnn mmm mmm nn mmm m nn mmmmm nnnn mm nnnnnn mmm nnn mmmm nn mmmmmm nnn mm nnnnn mmm mmm nn mmmmm nn mmmmm nnnn mm nnnnnn mmm nnn mmmm nn mmmmmm nnn mm nnnnn mmm mmm nn mmmmm nnn nn mmmmm nnnn mm nnnnnn mmm nnn mmmm nn mmmmmm nnn mm nnnnn mmm mmm nn mmmmm nnnn m n mmmmm nnnn mm nnnnnn mmm nnn mmmm nn mmmmmm nnn mm nnnnn mmm mmm nn mmmmm nnnn mm n mmmmm nnnn mm nnnnnn mmm nnn mmmm nn mmmmmm nnn mm nnnnn mmm mmm nn mmm mmm nn mmmmm nnnn mm nnnnnn mmm nnn mmmm nn mmmmmm nnn mm nnnnn mmm mmm nn mmmmm
MUSKETRY COURSE
mmm nn mmmmm nnnn mm nnnnnn mmm nnn mmmm nn mmmmmm nnn mm nnnnn mmm mmm nn mmm mm nn mmmmm nnnn mm nnnnnn mmm nnn mmmm nn mmmmmm nnn mm nnnnn mmm mmm nn mmmmm m nn mmmmm nnnn mm nnnnnn mmm nnn mmmm nn mmmmmm nnn mm nnnnn mmm mmm nn mmmmm nnn nn mmmmm nnnn mm nnnnnn mmm nnn mmmm nn mmmmmm nnn mm nnnnn mmm mmm nn mmmmm nnnn m nn mmmmm nnnn mm nnnnnn mmm nnn mmmm nn mmmmmm nnn mm nnnnn mmm mmm nn mmmmm nnnn mm n n mmmmm nnnn mm nnnnnn mmm nnn mmmm nn mmmmmm nnn mm nnnnn mmm mmm nn mmm mmmmm nnnn mm nnnnnn mmm nnn mmmm nn mmmmmm nnn mm nnnnn mmm mmm nn mmmmm mmm nn mmmmm nnnn mm nnnnnn mmm nnn mmmm nn mmmmmm nnn mm nnnnn mmm mmm nn mmmmm nnn
OFFICERS' EXAMINATIONS
mmm nn mmmmm nnnn mm nnnnnn mmm nnn mmmm nn mmmmmm nnn mm nnnnn mmm mmm nn mmm mm nn mmmmm nnnn mm nnnnnn mmm nnn mmmm nn mmmmmm nnn mm nnnnn mmm mmm nn mmmmm m nn mmmmm nnnn mm nnnnnn mmm nnn mmmm nn mmmmmm nnn mm nnnnn mmm mmm nn mmmmm nnn nn mmmmm nnnn mm nnnnnn mmm nnn mmmm nn mmmmmm nnn mm nnnnn mmm mmm nn mmmmm nnnn m nn mmmmm nnnn mm nnnnnn mmm nnn mmmm nn mmmmmm nnn mm nnnnn mmm mmm nn mmmmm nnnn mm n n mmmmm nnnn mm nnnnnn mmm nnn mmmm nn mmmmmm nnn mm nnnnn mmm mmm nn mmm mmmmm nnnn mm nnnnnn mmm nnn mmmm nn mmmmmm nnn mm nnnnn mmm mmm nn mmmmm mmm nn mmmmm nnnn mm nnnnnn mmm nnn mmmm nn mmmmmm nnn mm nnnnn mmm mmm nn mmmmm nnn mm nn mmmmm nnnn mm nnnnnn mmm nnn mmmm nn mmmmmm nnn mm nnnnn mmm mmm nn mmmmm nnnn m m nn mmmmm nnnn mm nnnnnn mmm nnn mmmm nn mmmmmm nnn mm nnnnn mmm mmm nn mmmmm nnnn mm n nn mmmmm nnnn mm nnnnnn mmm nnn mmmm nn mmmmmm nnn mm nnnnn mmm mmm nn mmm nn mmmmm nnnn mm nnnnnn mmm nnn mmmm nn mmmmmm nnn mm nnnnn mmm mmm nn mmmmm n mmmmm nnnn mm nnnnnn mmm nnn mmmm nn mmmmmm nnn mm nnnnn mmm mmm nn mmmmm nnn mmmmm nnnn mm nnnnnn mmm nnn mmmm nn mmmmmm nnn mm nnnnn mmm mmm nn mmmmm nnnn m mmm nn mmmmm nnnn mm nnnnnn mmm nnn mmmm nn mmmmmm nnn mm nnnnn mmm mmm nn mmmmm nnnn mm n mm nn mmmmm nnnn mm nnnnnn mmm nnn mmmm nn mmmmmm nnn mm nnnnn mmm mmm nn mmm m nn mmmmm nnnn mm nnnnnn mmm nnn mmmm nn mmmmmm nnn mm nnnnn mmm mmm nn mmmmm nn mmmmm nnnn mm nnnnnn mmm nnn mmmm nn mmmmmm nnn mm nnnnn mmm mmm nn mmmmm nnn
COURSES OF INSTRUCTION
mmm nn mmmmm nnnn mm nnnnnn mmm nnn mmmm nn mmmmmm nnn mm nnnnn mmm mmm nn mmm mm nn mmmmm nnnn mm nnnnnn mmm nnn mmmm nn mmmmmm nnn mm nnnnn mmm mmm nn mmmmm m nn mmmmm nnnn mm nnnnnn mmm nnn mmmm nn mmmmmm nnn mm nnnnn mmm mmm nn mmmmm nnn nn mmmmm nnnn mm nnnnnn mmm nnn mmmm nn mmmmmm nnn mm nnnnn mmm mmm nn mmmmm nnnn m nn mmmmm nnnn mm nnnnnn mmm nnn mmmm nn mmmmmm nnn mm nnnnn mmm mmm nn mmmmm nnnn mm n n mmmmm nnnn mm nnnnnn mmm nnn mmmm nn mmmmmm nnn mm nnnnn mmm mmm nn mmm mmmmm nnnn mm nnnnnn mmm nnn mmmm nn mmmmmm nnn mm nnnnn mmm mmm nn mmmmm mmm nn mmmmm nnnn mm nnnnnn mmm nnn mmmm nn mmmmmm nnn mm nnnnn mmm mmm nn mmmmm nnn mm nn mmmmm nnnn mm nnnnnn mmm nnn mmmm nn mmmmmm nnn mm nnnnn mmm mmm nn mmmmm nnnn m m nn mmmmm nnnn mm nnnnnn mmm nnn mmmm nn mmmmmm nnn mm nnnnn mmm mmm nn mmmmm nnnn mm n nn mmmmm nnnn mm nnnnnn mmm nnn mmmm nn mmmmmm nnn mm nnnnn mmm mmm nn mmm nn mmmmm nnnn mm nnnnnn mmm nnn mmmm nn mmmmmm nnn mm nnnnn mmm mmm nn mmmmm n mmmmm nnnn mm nnnnnn mmm nnn mmmm nn mmmmmm nnn mm nnnnn mmm mmm nn mmmmm nnn mmmmm nnnn mm nnnnnn mmm nnn mmmm nn mmmmmm nnn mm nnnnn mmm mmm nn mmmmm nnnn m mmm nn mmmmm nnnn mm nnnnnn mmm nnn mmmm nn mmmmmm nnn mm nnnnn mmm mmm nn mmmmm nnnn mm n mm nn mmmmm nnnn mm nnnnnn mmm nnn mmmm nn mmmmmm nnn mm nnnnn mmm mmm nn mmm m nn mmmmm nnnn mm nnnnnn mmm nnn mmmm nn mmmmmm nnn mm nnnnn mmm mmm nn mmmmm nn mmmmm nnnn mm nnnnnn mmm nnn mmmm nn mmmmmm nnn mm nnnnn mmm mmm nn mmmmm nnn nn mmmmm nnnn mm nnnnnn mmm nnn mmmm nn mmmmmm nnn mm nnnnn mmm mmm nn mmmmm nnnn m n mmmmm nnnn mm nnnnnn mmm nnn mmmm nn mmmmmm nnn mm nnnnn mmm mmm nn mmmmm nnnn mm n mmmmm nnnn mm nnnnnn mmm nnn mmmm nn mmmmmm nnn mm nnnnn mmm mmm nn mmm mmm nn mmmmm nnnn mm nnnnnn mmm nnn mmmm nn mmmmmm nnn mm nnnnn mmm mmm nn mmmmm mm nn mmmmm nnnn mm nnnnnn mmm nnn mmmm nn mmmmmm nnn mm nnnnn mmm mmm nn mmmmm nnn m nn mmmmm nnnn mm nnnnnn mmm nnn mmmm nn mmmmmm nnn mm nnnnn mmm mmm nn mmmmm nnnn m nn mmmmm nnnn mm nnnnnn mmm nnn mmmm nn mmmmmm nnn mm nnnnn mmm mmm nn mmmmm nnnn mm n nn mmmmm nnnn mm nnnnnn mmm nnn mmmm nn mmmmmm nnn mm nnnnn mmm mmm nn mmm n mmmmm nnnn mm nnnnnn mmm nnn mmmm nn mmmmmm nnn mm nnnnn mmm mmm nn mmmmm mmmmm nnnn mm nnnnnn mmm nnn mmmm nn mmmmmm nnn mm nnnnn mmm mmm nn mmmmm nnn mmm nn mmmmm nnnn mm nnnnnn mmm nnn mmmm nn mmmmmm nnn mm nnnnn mmm mmm nn mmmmm nnnn m mm nn mmmmm nnnn mm nnnnnn mmm nnn mmmm nn mmmmmm nnn mm nnnnn mmm mmm nn mmmmm nnnn mm n m nn mmmmm nnnn mm nnnnnn mmm nnn mmmm nn mmmmmm nnn mm nnnnn mmm mmm nn mmm nn mmmmm nnnn mm nnnnnn mmm nnn mmmm nn mmmmmm nnn mm nnnnn mmm mmm nn mmmmm nn mmmmm nnnn mm nnnnnn mmm nnn mmmm nn mmmmmm nnn mm nnnnn mmm mmm nn mmmmm nnn n mmmmm nnnn mm nnnnnn mmm nnn mmmm nn mmmmmm nnn mm nnnnn mmm mmm nn mmmmm nnnn m mmmmm nnnn mm nnnnnn mmm nnn mmmm nn mmmmmm nnn mm nnnnn mmm mmm nn mmmmm nnnn mm n mmm nn mmmmm nnnn mm nnnnnn mmm nnn mmmm nn mmmmmm nnn mm nnnnn mmm mmm nn mmm mm nn mmmmm nnnn mm nnnnnn mmm nnn mmmm nn mmmmmm nnn mm nnnnn mmm mmm nn mmmmm m nn mmmmm nnnn mm nnnnnn mmm nnn mmmm nn mmmmmm nnn mm nnnnn mmm mmm nn mmmmm nnn nn mmmmm nnnn mm nnnnnn mmm nnn mmmm nn mmmmmm nnn mm nnnnn mmm mmm nn mmmmm nnnn m nn mmmmm nnnn mm nnnnnn mmm nnn mmmm nn mmmmmm nnn mm nnnnn mmm mmm nn mmmmm nnnn mm n n mmmmm nnnn mm nnnnnn mmm nnn mmmm nn mmmmmm nnn mm nnnnn mmm mmm nn mmm mmmmm nnnn mm nnnnnn mmm nnn mmmm nn mmmmmm nnn mm nnnnn mmm mmm nn mmmmm mmm nn mmmmm nnnn mm nnnnnn mmm nnn mmmm nn mmmmmm nnn mm nnnnn mmm mmm nn mmmmm nnn mm nn mmmmm nnnn mm nnnnnn mmm nnn mmmm nn mmmmmm nnn mm nnnnn mmm mmm nn mmmmm nnnn m m nn mmmmm nnnn mm nnnnnn mmm nnn mmmm nn mmmmmm nnn mm nnnnn mmm mmm nn mmmmm nnnn mm n nn mmmmm nnnn mm nnnnnn mmm nnn mmmm nn mmmmmm nnn mm nnnnn mmm mmm nn mmm
OFFICERS' KITS
mmm nn mmmmm nnnn mm nnnnnn mmm nnn mmmm nn mmmmmm nnn mm nnnnn mmm mmm nn mmm mm nn mmmmm nnnn mm nnnnnn mmm nnn mmmm nn mmmmmm nnn mm nnnnn mmm mmm nn mmmmm m nn mmmmm nnnn mm nnnnnn mmm nnn mmmm nn mmmmmm nnn mm nnnnn mmm mmm nn mmmmm nnn nn mmmmm nnnn mm nnnnnn mmm nnn mmmm nn mmmmmm nnn mm nnnnn mmm mmm nn mmmmm nnnn m nn mmmmm nnnn mm nnnnnn mmm nnn mmmm nn mmmmmm nnn mm nnnnn mmm mmm nn mmmmm nnnn mm n n mmmmm nnnn mm nnnnnn mmm nnn mmmm nn mmmmmm nnn mm nnnnn mmm mmm nn mmm mmmmm nnnn mm nnnnnn mmm nnn mmmm nn mmmmmm nnn mm nnnnn mmm mmm nn mmmmm mmm nn mmmmm nnnn mm nnnnnn mmm nnn mmmm nn mmmmmm nnn mm nnnnn mmm mmm nn mmmmm nnn mm nn mmmmm nnnn mm nnnnnn mmm nnn mmmm nn mmmmmm nnn mm nnnnn mmm mmm nn mmmmm nnnn m m nn mmmmm nnnn mm nnnnnn mmm nnn mmmm nn mmmmmm nnn mm nnnnn mmm mmm nn mmmmm nnnn mm n nn mmmmm nnnn mm nnnnnn mmm nnn mmmm nn mmmmmm nnn mm nnnnn mmm mmm nn mmm nn mmmmm nnnn mm nnnnnn mmm nnn mmmm nn mmmmmm nnn mm nnnnn mmm mmm nn mmmmm n mmmmm nnnn mm nnnnnn mmm nnn mmmm nn mmmmmm nnn mm nnnnn mmm mmm nn mmmmm nnn mmmmm nnnn mm nnnnnn mmm nnn mmmm nn mmmmmm nnn mm nnnnn mmm mmm nn mmmmm nnnn m mmm nn mmmmm nnnn mm nnnnnn mmm nnn mmmm nn mmmmmm nnn mm nnnnn mmm mmm nn mmmmm nnnn mm n mm nn mmmmm nnnn mm nnnnnn mmm nnn mmmm nn mmmmmm nnn mm nnnnn mmm mmm nn mmm m nn mmmmm nnnn mm nnnnnn mmm nnn mmmm nn mmmmmm nnn mm nnnnn mmm mmm nn mmmmm nn mmmmm nnnn mm nnnnnn mmm nnn mmmm nn mmmmmm nnn mm nnnnn mmm mmm nn mmmmm nnn nn mmmmm nnnn mm nnnnnn mmm nnn mmmm nn mmmmmm nnn mm nnnnn mmm mmm nn mmmmm nnnn m n mmmmm nnnn mm nnnnnn mmm nnn mmmm nn mmmmmm nnn mm nnnnn mmm mmm nn mmmmm nnnn mm n mmmmm nnnn mm nnnnnn mmm nnn mmmm nn mmmmmm nnn mm nnnnn mmm mmm nn mmm mmm nn mmmmm nnnn mm nnnnnn mmm nnn mmmm nn mmmmmm nnn mm nnnnn mmm mmm nn mmmmm mm nn mmmmm nnnn mm nnnnnn mmm nnn mmmm nn mmmmmm nnn mm nnnnn mmm mmm nn mmmmm nnn m nn mmmmm nnnn mm nnnnnn mmm nnn mmmm nn mmmmmm nnn mm nnnnn mmm mmm nn mmmmm nnnn m nn mmmmm nnnn mm nnnnnn mmm nnn mmmm nn mmmmmm nnn mm nnnnn mmm mmm nn mmmmm nnnn mm n nn mmmmm nnnn mm nnnnnn mmm nnn mmmm nn mmmmmm nnn mm nnnnn mmm mmm nn mmm
THE MOTOR CORPS
mmm nn mmmmm nnnn mm nnnnnn mmm nnn mmmm nn mmmmmm nnn mm nnnnn mmm mmm nn mmm mm nn mmmmm nnnn mm nnnnnn mmm nnn mmmm nn mmmmmm nnn mm nnnnn mmm mmm nn mmmmm m nn mmmmm nnnn mm nnnnnn mmm nnn mmmm nn mmmmmm nnn mm nnnnn mmm mmm nn mmmmm nnn nn mmmmm nnnn mm nnnnnn mmm nnn mmmm nn mmmmmm nnn mm nnnnn mmm mmm nn mmmmm nnnn m nn mmmmm nnnn mm nnnnnn mmm nnn mmmm nn mmmmmm nnn mm nnnnn mmm mmm nn mmmmm nnnn mm n n mmmmm nnnn mm nnnnnn mmm nnn mmmm nn mmmmmm nnn mm nnnnn mmm mmm nn mmm mmmmm nnnn mm nnnnnn mmm nnn mmmm nn mmmmmm nnn mm nnnnn mmm mmm nn mmmmm mmm nn mmmmm nnnn mm nnnnnn mmm nnn mmmm nn mmmmmm nnn mm nnnnn mmm mmm nn mmmmm nnn mm nn mmmmm nnnn mm nnnnnn mmm nnn mmmm nn mmmmmm nnn mm nnnnn mmm mmm nn mmmmm nnnn m m nn mmmmm nnnn mm nnnnnn mmm nnn mmmm nn mmmmmm nnn mm nnnnn mmm mmm nn mmmmm nnnn mm n
DR. SHELDON'S MAGNETIC LINIMENT
A RELIABLE AND EFFECTIVE EMBROCATION
mmm nn mmmmm nnnn mm nnnnnn mmm nnn mmmm nn mmmmmm nnn mm nnnnn mmm mmm nn mmm mm nn mmmmm nnnn mm nnnnnn mmm nnn mmmm nn mmmmmm nnn mm nnnnn mmm mmm nn mmmmm m nn mmmmm nnnn mm nnnnnn mmm nnn mmmm nn mmmmmm nnn mm nnnnn mmm mmm nn mmmmm nnn nn mmmmm nnnn mm nnnnnn mmm nnn mmmm nn mmmmmm nnn mm nnnnn mmm mmm nn mmmmm nnnn m nn mmmmm nnnn mm nnnnnn mmm nnn mmmm nn mmmmmm nnn mm nnnnn mmm mmm nn mmmmm nnnn mm n n mmmmm nnnn mm nnnnnn mmm nnn mmmm nn mmmmmm nnn mm nnnnn mmm mmm nn mmm mmmmm nnnn mm nnnnnn mmm nnn mmmm nn mmmmmm nnn mm nnnnn mmm mmm nn mmmmm mmm nn mmmmm nnnn mm nnnnnn mmm nnn mmmm nn mmmmmm nnn mm nnnnn mmm mmm nn mmmmm nnn mm nn mmmmm nnnn mm nnnnnn mmm nnn mmmm nn mmmmmm nnn mm nnnnn mmm mmm nn mmmmm nnnn m m nn mmmmm nnnn mm nnnnnn mmm nnn mmmm nn mmmmmm nnn mm nnnnn mmm mmm nn mmmmm nnnn mm n nn mmmmm nnnn mm nnnnnn mmm nnn mmmm nn mmmmmm nnn mm nnnnn mmm mmm nn mmm nn mmmmm nnnn mm nnnnnn mmm nnn mmmm nn mmmmmm nnn mm nnnnn mmm mmm nn mmmmm n mmmmm nnnn mm nnnnnn mmm nnn mmmm nn mmmmmm nnn mm nnnnn mmm mmm nn mmmmm nnn mmmmm nnnn mm nnnnnn mmm nnn mmmm nn mmmmmm nnn mm nnnnn mmm mmm nn mmmmm nnnn m mmm nn mmmmm nnnn mm nnnnnn mmm nnn mmmm nn mmmmmm nnn mm nnnnn mmm mmm nn mmmmm nnnn mm n mm nn mmmmm nnnn mm nnnnnn mmm nnn mmmm nn mmmmmm nnn mm nnnnn mmm mmm nn mmm m nn mmmmm nnnn mm nnnnnn mmm nnn mmmm nn mmmmmm nnn mm nnnnn mmm mmm nn mmmmm nn mmmmm nnnn mm nnnnnn mmm nnn mmmm nn mmmmmm nnn mm nnnnn mmm mmm nn mmmmm nnn nn mmmmm nnnn mm nnnnnn mmm nnn mmmm nn mmmmmm nnn mm nnnnn mmm mmm nn mmmmm nnnn m n mmmmm nnnn mm nnnnnn mmm nnn mmmm nn mmmmmm nnn mm nnnnn mmm mmm nn mmmmm nnnn mm n mmmmm nnnn mm nnnnnn mmm nnn mmmm nn mmmmmm nnn mm nnnnn mmm mmm nn mmm mmm nn mmmmm nnnn mm nnnnnn mmm nnn mmmm nn mmmmmm nnn mm nnnnn mmm mmm nn mmmmm mm nn mmmmm nnnn mm nnnnnn mmm nnn mmmm nn mmmmmm nnn mm nnnnn mmm mmm nn mmmmm nnn m nn mmmmm nnnn mm nnnnnn mmm nnn mmmm nn mmmmmm nnn mm nnnnn mmm mmm nn mmmmm nnnn m nn mmmmm nnnn mm nnnnnn mmm nnn mmmm nn mmmmmm nnn mm nnnnn mmm mmm nn mmmmm nnnn mm n nn mmmmm nnnn mm nnnnnn mmm nnn mmmm nn mmmmmm nnn mm nnnnn mmm mmm nn mmm n mmmmm nnnn mm nnnnnn mmm nnn mmmm nn mmmmmm nnn mm nnnnn mmm mmm nn mmmmm mmmmm nnnn mm nnnnnn mmm nnn mmmm nn mmmmmm nnn mm nnnnn mmm mmm nn mmmmm nnn mmm nn mmmmm nnnn mm nnnnnn mmm nnn mmmm nn mmmmmm nnn mm nnnnn mmm mmm nn mmmmm nnnn m mm nn mmmmm nnnn mm nnnnnn mmm nnn mmmm nn mmmmmm nnn mm nnnnn mmm mmm nn mmmmm nnnn mm n
THE CALL FOR MEN
THE 19TH SHORT
HOW THE DISTRICTS STAND
mmm nn mmmmm nnnn mm nnnnnn mmm nnn mmmm nn mmmmmm nnn mm nnnnn mmm mmm nn mmm mm nn mmmmm nnnn mm nnnnnn mmm nnn mmmm nn mmmmmm nnn mm nnnnn mmm mmm nn mmmmm m nn mmmmm nnnn mm nnnnnn mmm nnn mmmm nn mmmmmm nnn mm nnnnn mmm mmm nn mmmmm nnn nn mmmmm nnnn mm nnnnnn mmm nnn mmmm nn mmmmmm nnn mm nnnnn mmm mmm nn mmmmm nnnn m nn mmmmm nnnn mm nnnnnn mmm nnn mmmm nn mmmmmm nnn mm nnnnn mmm mmm nn mmmmm nnnn mm n n mmmmm nnnn mm nnnnnn mmm nnn mmmm nn mmmmmm nnn mm nnnnn mmm mmm nn mmm mmmmm nnnn mm nnnnnn mmm nnn mmmm nn mmmmmm nnn mm nnnnn mmm mmm nn mmmmm mmm nn mmmmm nnnn mm nnnnnn mmm nnn mmmm nn mmmmmm nnn mm nnnnn mmm mmm nn mmmmm nnn mm nn mmmmm nnnn mm nnnnnn mmm nnn mmmm nn mmmmmm nnn mm nnnnn mmm mmm nn mmmmm nnnn m m nn mmmmm nnnn mm nnnnnn mmm nnn mmmm nn mmmmmm nnn mm nnnnn mmm mmm nn mmmmm nnnn mm n nn mmmmm nnnn mm nnnnnn mmm nnn mmmm nn mmmmmm nnn mm nnnnn mmm mmm nn mmm nn mmmmm nnnn mm nnnnnn mmm nnn mmmm nn mmmmmm nnn mm nnnnn mmm mmm nn mmmmm n mmmmm nnnn mm nnnnnn mmm nnn mmmm nn mmmmmm nnn mm nnnnn mmm mmm nn mmmmm nnn mmmmm nnnn mm nnnnnn mmm nnn mmmm nn mmmmmm nnn mm nnnnn mmm mmm nn mmmmm nnnn m mmm nn mmmmm nnnn mm nnnnnn mmm nnn mmmm nn mmmmmm nnn mm nnnnn mmm mmm nn mmmmm nnnn mm n mm nn mmmmm nnnn mm nnnnnn mmm nnn mmmm nn mmmmmm nnn mm nnnnn mmm mmm nn mmm m nn mmmmm nnnn mm nnnnnn mmm nnn mmmm nn mmmmmm nnn mm nnnnn mmm mmm nn mmmmm nn mmmmm nnnn mm nnnnnn mmm nnn mmmm nn mmmmmm nnn mm nnnnn mmm mmm nn mmmmm nnn nn mmmmm nnnn mm nnnnnn mmm nnn mmmm nn mmmmmm nnn mm nnnnn mmm mmm nn mmmmm nnnn m n mmmmm nnnn mm nnnnnn mmm nnn mmmm nn mmmmmm nnn mm nnnnn mmm mmm nn mmmmm nnnn mm n mmmmm nnnn mm nnnnnn mmm nnn mmmm nn mmmmmm nnn mm nnnnn mmm mmm nn mmm mmm nn mmmmm nnnn mm nnnnnn mmm nnn mmmm nn mmmmmm nnn mm nnnnn mmm mmm nn mmmmm mm nn mmmmm nnnn mm nnnnnn mmm nnn mmmm nn mmmmmm nnn mm nnnnn mmm mmm nn mmmmm nnn m nn mmmmm nnnn mm nnnnnn mmm nnn mmmm nn mmmmmm nnn mm nnnnn mmm mmm nn mmmmm nnnn m nn mmmmm nnnn mm nnnnnn mmm nnn mmmm nn mmmmmm nnn mm nnnnn mmm mmm nn mmmmm nnnn mm n nn mmmmm nnnn mm nnnnnn mmm nnn mmmm nn mmmmmm nnn mm nnnnn mmm mmm nn mmm n mmmmm nnnn mm nnnnnn mmm nnn mmmm nn mmmmmm nnn mm nnnnn mmm mmm nn mmmmm mmmmm nnnn mm nnnnnn mmm nnn mmmm nn mmmmmm nnn mm nnnnn mmm mmm nn mmmmm nnn mmm nn mmmmm nnnn mm nnnnnn mmm nnn mmmm nn mmmmmm nnn mm nnnnn mmm mmm nn mmmmm nnnn m mm nn mmmmm nnnn mm nnnnnn mmm nnn mmmm nn mmmmmm nnn mm nnnnn mmm mmm nn mmmmm nnnn mm n m nn mmmmm nnnn mm nnnnnn mmm nnn mmmm nn mmmmmm nnn mm nnnnn mmm mmm nn mmm nn mmmmm nnnn mm nnnnnn mmm nnn mmmm nn mmmmmm nnn mm nnnnn mmm mmm nn mmmmm nn mmmmm nnnn mm nnnnnn mmm nnn mmmm nn mmmmmm nnn mm nnnnn mmm mmm nn mmmmm nnn n mmmmm nnnn mm nnnnnn mmm nnn mmmm nn mmmmmm nnn mm nnnnn mmm mmm nn mmmmm nnnn m mmmmm nnnn mm nnnnnn mmm nnn mmmm nn mmmmmm nnn mm nnnnn mmm mmm nn mmmmm nnnn mm n mmm nn mmmmm nnnn mm nnnnnn mmm nnn mmmm nn mmmmmm nnn mm nnnnn mmm mmm nn mmm mm nn mmmmm nnnn mm nnnnnn mmm nnn mmmm nn mmmmmm nnn mm nnnnn mmm mmm nn mmmmm m nn mmmmm nnnn mm nnnnnn mmm nnn mmmm nn mmmmmm nnn mm nnnnn mmm mmm nn mmmmm nnn nn mmmmm nnnn mm nnnnnn mmm nnn mmmm nn mmmmmm nnn mm nnnnn mmm mmm nn mmmmm nnnn m nn mmmmm nnnn mm nnnnnn mmm nnn mmmm nn mmmmmm nnn mm nnnnn mmm mmm nn mmmmm nnnn mm n n mmmmm nnnn mm nnnnnn mmm nnn mmmm nn mmmmmm nnn mm nnnnn mmm mmm nn mmm mmmmm nnnn mm nnnnnn mmm nnn mmmm nn mmmmmm nnn mm nnnnn mmm mmm nn mmmmm mmm nn mmmmm nnnn mm nnnnnn mmm nnn mmmm nn mmmmmm nnn mm nnnnn mmm mmm nn mmmmm nnn mm nn mmmmm nnnn mm nnnnnn mmm nnn mmmm nn mmmmmm nnn mm nnnnn mmm mmm nn mmmmm nnnn m m nn mmmmm nnnn mm nnnnnn mmm nnn mmmm nn mmmmmm nnn mm nnnnn mmm mmm nn mmmmm nnnn mm n nn mmmmm nnnn mm nnnnnn mmm nnn mmmm nn mmmmmm nnn mm nnnnn mmm mmm nn mmm nn mmmmm nnnn mm nnnnnn mmm nnn mmmm nn mmmmmm nnn mm nnnnn mmm mmm nn mmmmm n mmmmm nnnn mm nnnnnn mmm nnn mmmm nn mmmmmm nnn mm nnnnn mmm mmm nn mmmmm nnn mmmmm nnnn mm nnnnnn mmm nnn mmmm nn mmmmmm nnn mm nnnnn mmm mmm nn mmmmm nnnn m mmm nn mmmmm nnnn mm nnnnnn mmm nnn mmmm nn mmmmmm nnn mm nnnnn mmm mmm nn mmmmm nnnn mm n mm nn mmmmm nnnn mm nnnnnn mmm nnn mmmm nn mmmmmm nnn mm nnnnn mmm mmm nn mmm m nn mmmmm nnnn mm nnnnnn mmm nnn mmmm nn mmmmmm nnn mm nnnnn mmm mmm nn mmmmm nn mmmmm nnnn mm nnnnnn mmm nnn mmmm nn mmmmmm nnn mm nnnnn mmm mmm nn mmmmm nnn nn mmmmm nnnn mm nnnnnn mmm nnn mmmm nn mmmmmm nnn mm nnnnn mmm mmm nn mmmmm nnnn m n mmmmm nnnn mm nnnnnn mmm nnn mmmm nn mmmmmm nnn mm nnnnn mmm mmm nn mmmmm nnnn mm n mmmmm nnnn mm nnnnnn mmm nnn mmmm nn mmmmmm nnn mm nnnnn mmm mmm nn mmm mmm nn mmmmm nnnn mm nnnnnn mmm nnn mmmm nn mmmmmm nnn mm nnnnn mmm mmm nn mmmmm mm nn mmmmm nnnn mm nnnnnn mmm nnn mmmm nn mmmmmm nnn mm nnnnn mmm mmm nn mmmmm nnn m nn mmmmm nnnn mm nnnnnn mmm nnn mmmm nn mmmmmm nnn mm nnnnn mmm mmm nn mmmmm nnnn m nn mmmmm nnnn mm nnnnnn mmm nnn mmmm nn mmmmmm nnn mm nnnnn mmm mmm nn mmmmm nnnn mm n nn mmmmm nnnn mm nnnnnn mmm nnn mmmm nn mmmmmm nnn mm nnnnn mmm mmm nn mmm n mmmmm nnnn mm nnnnnn mmm nnn mmmm nn mmmmmm nnn mm nnnnn mmm mmm nn mmmmm
THE 20TH REINFORCEMENT
POSITION SATISFACTORY
mmm nn mmmmm nnnn mm nnnnnn mmm nnn mmmm nn mmmmmm nnn mm nnnnn mmm mmm nn mmm mm nn mmmmm nnnn mm nnnnnn mmm nnn mmmm nn mmmmmm nnn mm nnnnn mmm mmm nn mmmmm m nn mmmmm nnnn mm nnnnnn mmm nnn mmmm nn mmmmmm nnn mm nnnnn mmm mmm nn mmmmm nnn nn mmmmm nnnn mm nnnnnn mmm nnn mmmm nn mmmmmm nnn mm nnnnn mmm mmm nn mmmmm nnnn m nn mmmmm nnnn mm nnnnnn mmm nnn mmmm nn mmmmmm nnn mm nnnnn mmm mmm nn mmmmm nnnn mm n n mmmmm nnnn mm nnnnnn mmm nnn mmmm nn mmmmmm nnn mm nnnnn mmm mmm nn mmm mmmmm nnnn mm nnnnnn mmm nnn mmmm nn mmmmmm nnn mm nnnnn mmm mmm nn mmmmm mmm nn mmmmm nnnn mm nnnnnn mmm nnn mmmm nn mmmmmm nnn mm nnnnn mmm mmm nn mmmmm nnn mm nn mmmmm nnnn mm nnnnnn mmm nnn mmmm nn mmmmmm nnn mm nnnnn mmm mmm nn mmmmm nnnn m m nn mmmmm nnnn mm nnnnnn mmm nnn mmmm nn mmmmmm nnn mm nnnnn mmm mmm nn mmmmm nnnn mm n nn mmmmm nnnn mm nnnnnn mmm nnn mmmm nn mmmmmm nnn mm nnnnn mmm mmm nn mmm nn mmmmm nnnn mm nnnnnn mmm nnn mmmm nn mmmmmm nnn mm nnnnn mmm mmm nn mmmmm n mmmmm nnnn mm nnnnnn mmm nnn mmmm nn mmmmmm nnn mm nnnnn mmm mmm nn mmmmm nnn mmmmm nnnn mm nnnnnn mmm nnn mmmm nn mmmmmm nnn mm nnnnn mmm mmm nn mmmmm nnnn m mmm nn mmmmm nnnn mm nnnnnn mmm nnn mmmm nn mmmmmm nnn mm nnnnn mmm mmm nn mmmmm nnnn mm n mm nn mmmmm nnnn mm nnnnnn mmm nnn mmmm nn mmmmmm nnn mm nnnnn mmm mmm nn mmm m nn mmmmm nnnn mm nnnnnn mmm nnn mmmm nn mmmmmm nnn mm nnnnn mmm mmm nn mmmmm nn mmmmm nnnn mm nnnnnn mmm nnn mmmm nn mmmmmm nnn mm nnnnn mmm mmm nn mmmmm nnn nn mmmmm nnnn mm nnnnnn mmm nnn mmmm nn mmmmmm nnn mm nnnnn mmm mmm nn mmmmm nnnn m n mmmmm nnnn mm nnnnnn mmm nnn mmmm nn mmmmmm nnn mm nnnnn mmm mmm nn mmmmm nnnn mm n mmmmm nnnn mm nnnnnn mmm nnn mmmm nn mmmmmm nnn mm nnnnn mmm mmm nn mmm mmm nn mmmmm nnnn mm nnnnnn mmm nnn mmmm nn mmmmmm nnn mm nnnnn mmm mmm nn mmmmm mm nn mmmmm nnnn mm nnnnnn mmm nnn mmmm nn mmmmmm nnn mm nnnnn mmm mmm nn mmmmm nnn m nn mmmmm nnnn mm nnnnnn mmm nnn mmmm nn mmmmmm nnn mm nnnnn mmm mmm nn mmmmm nnnn m nn mmmmm nnnn mm nnnnnn mmm nnn mmmm nn mmmmmm nnn mm nnnnn mmm mmm nn mmmmm nnnn mm n nn mmmmm nnnn mm nnnnnn mmm nnn mmmm nn mmmmmm nnn mm nnnnn mmm mmm nn mmm n mmmmm nnnn mm nnnnnn mmm nnn mmmm nn mmmmmm nnn mm nnnnn mmm mmm nn mmmmm mmmmm nnnn mm nnnnnn mmm nnn mmmm nn mmmmmm nnn mm nnnnn mmm mmm nn mmmmm nnn mmm nn mmmmm nnnn mm nnnnnn mmm nnn mmmm nn mmmmmm nnn mm nnnnn mmm mmm nn mmmmm nnnn m mm nn mmmmm nnnn mm nnnnnn mmm nnn mmmm nn mmmmmm nnn mm nnnnn mmm mmm nn mmmmm nnnn mm n m nn mmmmm nnnn mm nnnnnn mmm nnn mmmm nn mmmmmm nnn mm nnnnn mmm mmm nn mmm nn mmmmm nnnn mm nnnnnn mmm nnn mmmm nn mmmmmm nnn mm nnnnn mmm mmm nn mmmmm nn mmmmm nnnn mm nnnnnn mmm nnn mmmm nn mmmmmm nnn mm nnnnn mmm mmm nn mmmmm nnn n mmmmm nnnn mm nnnnnn mmm nnn mmmm nn mmmmmm nnn mm nnnnn mmm mmm nn mmmmm nnnn m mmmmm nnnn mm nnnnnn mmm nnn mmmm nn mmmmmm nnn mm nnnnn mmm mmm nn mmmmm nnnn mm n mmm nn mmmmm nnnn mm nnnnnn mmm nnn mmmm nn mmmmmm nnn mm nnnnn mmm mmm nn mmm mm nn mmmmm nnnn mm nnnnnn mmm nnn mmmm nn mmmmmm nnn mm nnnnn mmm mmm nn mmmmm m nn mmmmm nnnn mm nnnnnn mmm nnn mmmm nn mmmmmm nnn mm nnnnn mmm mmm nn mmmmm nnn nn mmmmm nnnn mm nnnnnn mmm nnn mmmm nn mmmmmm nnn mm nnnnn mmm mmm nn mmmmm nnnn m nn mmmmm nnnn mm nnnnnn mmm nnn mmmm nn mmmmmm nnn mm nnnnn mmm mmm nn mmmmm nnnn mm n n mmmmm nnnn mm nnnnnn mmm nnn mmmm nn mmmmmm nnn mm nnnnn mmm mmm nn mmm mmmmm nnnn mm nnnnnn mmm nnn mmmm nn mmmmmm nnn mm nnnnn mmm mmm nn mmmmm mmm nn mmmmm nnnn mm nnnnnn mmm nnn mmmm nn mmmmmm nnn mm nnnnn mmm mmm nn mmmmm nnn mm nn mmmmm nnnn mm nnnnnn mmm nnn mmmm nn mmmmmm nnn mm nnnnn mmm mmm nn mmmmm nnnn m m nn mmmmm nnnn mm nnnnnn mmm nnn mmmm nn mmmmmm nnn mm nnnnn mmm mmm nn mmmmm nnnn mm n nn mmmmm nnnn mm nnnnnn mmm nnn mmmm nn mmmmmm nnn mm nnnnn mmm mmm nn mmm nn mmmmm nnnn mm nnnnnn mmm nnn mmmm nn mmmmmm nnn mm nnnnn mmm mmm nn mmmmm n mmmmm nnnn mm nnnnnn mmm nnn mmmm nn mmmmmm nnn mm nnnnn mmm mmm nn mmmmm nnn mmmmm nnnn mm nnnnnn mmm nnn mmmm nn mmmmmm nnn mm nnnnn mmm mmm nn mmmmm nnnn m mmm nn mmmmm nnnn mm nnnnnn mmm nnn mmmm nn mmmmmm nnn mm nnnnn mmm mmm nn mmmmm nnnn mm n mm nn mmmmm nnnn mm nnnnnn mmm nnn mmmm nn mmmmmm nnn mm nnnnn mmm mmm nn mmm m nn mmmmm nnnn mm nnnnnn mmm nnn mmmm nn mmmmmm nnn mm nnnnn mmm mmm nn mmmmm nn mmmmm nnnn mm nnnnnn mmm nnn mmmm nn mmmmmm nnn mm nnnnn mmm mmm nn mmmmm nnn nn mmmmm nnnn mm nnnnnn mmm nnn mmmm nn mmmmmm nnn mm nnnnn mmm mmm nn mmmmm nnnn m n mmmmm nnnn mm nnnnnn mmm nnn mmmm nn mmmmmm nnn mm nnnnn mmm mmm nn mmmmm nnnn mm n mmmmm nnnn mm nnnnnn mmm nnn mmmm nn mmmmmm nnn mm nnnnn mmm mmm nn mmm mmm nn mmmmm nnnn mm nnnnnn mmm nnn mmmm nn mmmmmm nnn mm nnnnn mmm mmm nn mmmmm mm nn mmmmm nnnn mm nnnnnn mmm nnn mmmm nn mmmmmm nnn mm nnnnn mmm mmm nn mmmmm nnn
THE NAVY LEAGUE
OVER £12,000 FOR NAVAL WIDOWS
mmm nn mmmmm nnnn mm nnnnnn mmm nnn mmmm nn mmmmmm nnn mm nnnnn mmm mmm nn mmm mm nn mmmmm nnnn mm nnnnnn mmm nnn mmmm nn mmmmmm nnn mm nnnnn mmm mmm nn mmmmm m nn mmmmm nnnn mm nnnnnn mmm nnn mmmm nn mmmmmm nnn mm nnnnn mmm mmm nn mmmmm nnn nn mmmmm nnnn mm nnnnnn mmm nnn mmmm nn mmmmmm nnn mm nnnnn mmm mmm nn mmmmm nnnn m nn mmmmm nnnn mm nnnnnn mmm nnn mmmm nn mmmmmm nnn mm nnnnn mmm mmm nn mmmmm nnnn mm n n mmmmm nnnn mm nnnnnn mmm nnn mmmm nn mmmmmm nnn mm nnnnn mmm mmm nn mmm mmmmm nnnn mm nnnnnn mmm nnn mmmm nn mmmmmm nnn mm nnnnn mmm mmm nn mmmmm mmm nn mmmmm nnnn mm nnnnnn mmm nnn mmmm nn mmmmmm nnn mm nnnnn mmm mmm nn mmmmm nnn mm nn mmmmm nnnn mm nnnnnn mmm nnn mmmm nn mmmmmm nnn mm nnnnn mmm mmm nn mmmmm nnnn m m nn mmmmm nnnn mm nnnnnn mmm nnn mmmm nn mmmmmm nnn mm nnnnn mmm mmm nn mmmmm nnnn mm n nn mmmmm nnnn mm nnnnnn mmm nnn mmmm nn mmmmmm nnn mm nnnnn mmm mmm nn mmm nn mmmmm nnnn mm nnnnnn mmm nnn mmmm nn mmmmmm nnn mm nnnnn mmm mmm nn mmmmm n mmmmm nnnn mm nnnnnn mmm nnn mmmm nn mmmmmm nnn mm nnnnn mmm mmm nn mmmmm nnn mmmmm nnnn mm nnnnnn mmm nnn mmmm nn mmmmmm nnn mm nnnnn mmm mmm nn mmmmm nnnn m mmm nn mmmmm nnnn mm nnnnnn mmm nnn mmmm nn mmmmmm nnn mm nnnnn mmm mmm nn mmmmm nnnn mm n mm nn mmmmm nnnn mm nnnnnn mmm nnn mmmm nn mmmmmm nnn mm nnnnn mmm mmm nn mmm m nn mmmmm nnnn mm nnnnnn mmm nnn mmmm nn mmmmmm nnn mm nnnnn mmm mmm nn mmmmm nn mmmmm nnnn mm nnnnnn mmm nnn mmmm nn mmmmmm nnn mm nnnnn mmm mmm nn mmmmm nnn nn mmmmm nnnn mm nnnnnn mmm nnn mmmm nn mmmmmm nnn mm nnnnn mmm mmm nn mmmmm nnnn m n mmmmm nnnn mm nnnnnn mmm nnn mmmm nn mmmmmm nnn mm nnnnn mmm mmm nn mmmmm nnnn mm n mmmmm nnnn mm nnnnnn mmm nnn mmmm nn mmmmmm nnn mm nnnnn mmm mmm nn mmm mmm nn mmmmm nnnn mm nnnnnn mmm nnn mmmm nn mmmmmm nnn mm nnnnn mmm mmm nn mmmmm mm nn mmmmm nnnn mm nnnnnn mmm nnn mmmm nn mmmmmm nnn mm nnnnn mmm mmm nn mmmmm nnn m nn mmmmm nnnn mm nnnnnn mmm nnn mmmm nn mmmmmm nnn mm nnnnn mmm mmm nn mmmmm nnnn m nn mmmmm nnnn mm nnnnnn mmm nnn mmmm nn mmmmmm nnn mm nnnnn mmm mmm nn mmmmm nnnn mm n nn mmmmm nnnn mm nnnnnn mmm nnn mmmm nn mmmmmm nnn mm nnnnn mmm mmm nn mmm n mmmmm nnnn mm nnnnnn mmm nnn mmmm nn mmmmmm nnn mm nnnnn mmm mmm nn mmmmm mmmmm nnnn mm nnnnnn mmm nnn mmmm nn mmmmmm nnn mm nnnnn mmm mmm nn mmmmm nnn mmm nn mmmmm nnnn mm nnnnnn mmm nnn mmmm nn mmmmmm nnn mm nnnnn mmm mmm nn mmmmm nnnn m mm nn mmmmm nnnn mm nnnnnn mmm nnn mmmm nn mmmmmm nnn mm nnnnn mmm mmm nn mmmmm nnnn mm n m nn mmmmm nnnn mm nnnnnn mmm nnn mmmm nn mmmmmm nnn mm nnnnn mmm mmm nn mmm nn mmmmm nnnn mm nnnnnn mmm nnn mmmm nn mmmmmm nnn mm nnnnn mmm mmm nn mmmmm nn mmmmm nnnn mm nnnnnn mmm nnn mmmm nn mmmmmm nnn mm nnnnn mmm mmm nn mmmmm nnn n mmmmm nnnn mm nnnnnn mmm nnn mmmm nn mmmmmm nnn mm nnnnn mmm mmm nn mmmmm nnnn m mmmmm nnnn mm nnnnnn mmm nnn mmmm nn mmmmmm nnn mm nnnnn mmm mmm nn mmmmm nnnn mm n mmm nn mmmmm nnnn mm nnnnnn mmm nnn mmmm nn mmmmmm nnn mm nnnnn mmm mmm nn mmm mm nn mmmmm nnnn mm nnnnnn mmm nnn mmmm nn mmmmmm nnn mm nnnnn mmm mmm nn mmmmm m nn mmmmm nnnn mm nnnnnn mmm nnn mmmm nn mmmmmm nnn mm nnnnn mmm mmm nn mmmmm nnn nn mmmmm nnnn mm nnnnnn mmm nnn mmmm nn mmmmmm nnn mm nnnnn mmm mmm nn mmmmm nnnn m nn mmmmm nnnn mm nnnnnn mmm nnn mmmm nn mmmmmm nnn mm nnnnn mmm mmm nn mmmmm nnnn mm n n mmmmm nnnn mm nnnnnn mmm nnn mmmm nn mmmmmm nnn mm nnnnn mmm mmm nn mmm mmmmm nnnn mm nnnnnn mmm nnn mmmm nn mmmmmm nnn mm nnnnn mmm mmm nn mmmmm mmm nn mmmmm nnnn mm nnnnnn mmm nnn mmmm nn mmmmmm nnn mm nnnnn mmm mmm nn mmmmm nnn mm nn mmmmm nnnn mm nnnnnn mmm nnn mmmm nn mmmmmm nnn mm nnnnn mmm mmm nn mmmmm nnnn m m nn mmmmm nnnn mm nnnnnn mmm nnn mmmm nn mmmmmm nnn mm nnnnn mmm mmm nn mmmmm nnnn mm n nn mmmmm nnnn mm nnnnnn mmm nnn mmmm nn mmmmmm nnn mm nnnnn mmm mmm nn mmm nn mmmmm nnnn mm nnnnnn mmm nnn mmmm nn mmmmmm nnn mm nnnnn mmm mmm nn mmmmm n mmmmm nnnn mm nnnnnn mmm nnn mmmm nn mmmmmm nnn mm nnnnn mmm mmm nn mmmmm nnn mmmmm nnnn mm nnnnnn mmm nnn mmmm nn mmmmmm nnn mm nnnnn mmm mmm nn mmmmm nnnn m mmm nn mmmmm nnnn mm nnnnnn mmm nnn mmmm nn mmmmmm nnn mm nnnnn mmm mmm nn mmmmm nnnn mm n mm nn mmmmm nnnn mm nnnnnn mmm nnn mmmm nn mmmmmm nnn mm nnnnn mmm mmm nn mmm m nn mmmmm nnnn mm nnnnnn mmm nnn mmmm nn mmmmmm nnn mm nnnnn mmm mmm nn mmmmm nn mmmmm nnnn mm nnnnnn mmm nnn mmmm nn mmmmmm nnn mm nnnnn mmm mmm nn mmmmm nnn nn mmmmm nnnn mm nnnnnn mmm nnn mmmm nn mmmmmm nnn mm nnnnn mmm mmm nn mmmmm nnnn m n mmmmm nnnn mm nnnnnn mmm nnn mmmm nn mmmmmm nnn mm nnnnn mmm mmm nn mmmmm nnnn mm n mmmmm nnnn mm nnnnnn mmm nnn mmmm nn mmmmmm nnn mm nnnnn mmm mmm nn mmm
SECOND ANNIVERSARY
OF THE DECLARATION OF WAR
mmm nn mmmmm nnnn mm nnnnnn mmm nnn mmmm nn mmmmmm nnn mm nnnnn mmm mmm nn mmm mm nn mmmmm nnnn mm nnnnnn mmm nnn mmmm nn mmmmmm nnn mm nnnnn mmm mmm nn mmmmm m nn mmmmm nnnn mm nnnnnn mmm nnn mmmm nn mmmmmm nnn mm nnnnn mmm mmm nn mmmmm nnn nn mmmmm nnnn mm nnnnnn mmm nnn mmmm nn mmmmmm nnn mm nnnnn mmm mmm nn mmmmm nnnn m nn mmmmm nnnn mm nnnnnn mmm nnn mmmm nn mmmmmm nnn mm nnnnn mmm mmm nn mmmmm nnnn mm n n mmmmm nnnn mm nnnnnn mmm nnn mmmm nn mmmmmm nnn mm nnnnn mmm mmm nn mmm mmmmm nnnn mm nnnnnn mmm nnn mmmm nn mmmmmm nnn mm nnnnn mmm mmm nn mmmmm mmm nn mmmmm nnnn mm nnnnnn mmm nnn mmmm nn mmmmmm nnn mm nnnnn mmm mmm nn mmmmm nnn mm nn mmmmm nnnn mm nnnnnn mmm nnn mmmm nn mmmmmm nnn mm nnnnn mmm mmm nn mmmmm nnnn m m nn mmmmm nnnn mm nnnnnn mmm nnn mmmm nn mmmmmm nnn mm nnnnn mmm mmm nn mmmmm nnnn mm n nn mmmmm nnnn mm nnnnnn mmm nnn mmmm nn mmmmmm nnn mm nnnnn mmm mmm nn mmm nn mmmmm nnnn mm nnnnnn mmm nnn mmmm nn mmmmmm nnn mm nnnnn mmm mmm nn mmmmm n mmmmm nnnn mm nnnnnn mmm nnn mmmm nn mmmmmm nnn mm nnnnn mmm mmm nn mmmmm nnn mmmmm nnnn mm nnnnnn mmm nnn mmmm nn mmmmmm nnn mm nnnnn mmm mmm nn mmmmm nnnn m mmm nn mmmmm nnnn mm nnnnnn mmm nnn mmmm nn mmmmmm nnn mm nnnnn mmm mmm nn mmmmm nnnn mm n mm nn mmmmm nnnn mm nnnnnn mmm nnn mmmm nn mmmmmm nnn mm nnnnn mmm mmm nn mmm m nn mmmmm nnnn mm nnnnnn mmm nnn mmmm nn mmmmmm nnn mm nnnnn mmm mmm nn mmmmm nn mmmmm nnnn mm nnnnnn mmm nnn mmmm nn mmmmmm nnn mm nnnnn mmm mmm nn mmmmm nnn nn mmmmm nnnn mm nnnnnn mmm nnn mmmm nn mmmmmm nnn mm nnnnn mmm mmm nn mmmmm nnnn m n mmmmm nnnn mm nnnnnn mmm nnn mmmm nn mmmmmm nnn mm nnnnn mmm mmm nn mmmmm nnnn mm n mmmmm nnnn mm nnnnnn mmm nnn mmmm nn mmmmmm nnn mm nnnnn mmm mmm nn mmm mmm nn mmmmm nnnn mm nnnnnn mmm nnn mmmm nn mmmmmm nnn mm nnnnn mmm mmm nn mmmmm mm nn mmmmm nnnn mm nnnnnn mmm nnn mmmm nn mmmmmm nnn mm nnnnn mmm mmm nn mmmmm nnn m nn mmmmm nnnn mm nnnnnn mmm nnn mmmm nn mmmmmm nnn mm nnnnn mmm mmm nn mmmmm nnnn m nn mmmmm nnnn mm nnnnnn mmm nnn mmmm nn mmmmmm nnn mm nnnnn mmm mmm nn mmmmm nnnn mm n nn mmmmm nnnn mm nnnnnn mmm nnn mmmm nn mmmmmm nnn mm nnnnn mmm mmm nn mmm n mmmmm nnnn mm nnnnnn mmm nnn mmmm nn mmmmmm nnn mm nnnnn mmm mmm nn mmmmm mmmmm nnnn mm nnnnnn mmm nnn mmmm nn mmmmmm nnn mm nnnnn mmm mmm nn mmmmm nnn mmm nn mmmmm nnnn mm nnnnnn mmm nnn mmmm nn mmmmmm nnn mm nnnnn mmm mmm nn mmmmm nnnn m mm nn mmmmm nnnn mm nnnnnn mmm nnn mmmm nn mmmmmm nnn mm nnnnn mmm mmm nn mmmmm nnnn mm n m nn mmmmm nnnn mm nnnnnn mmm nnn mmmm nn mmmmmm nnn mm nnnnn mmm mmm nn mmm nn mmmmm nnnn mm nnnnnn mmm nnn mmmm nn mmmmmm nnn mm nnnnn mmm mmm nn mmmmm nn mmmmm nnnn mm nnnnnn mmm nnn mmmm nn mmmmmm nnn mm nnnnn mmm mmm nn mmmmm nnn n mmmmm nnnn mm nnnnnn mmm nnn mmmm nn mmmmmm nnn mm nnnnn mmm mmm nn mmmmm nnnn m mmmmm nnnn mm nnnnnn mmm nnn mmmm nn mmmmmm nnn mm nnnnn mmm mmm nn mmmmm nnnn mm n mmm nn mmmmm nnnn mm nnnnnn mmm nnn mmmm nn mmmmmm nnn mm nnnnn mmm mmm nn mmm mm nn mmmmm nnnn mm nnnnnn mmm nnn mmmm nn mmmmmm nnn mm nnnnn mmm mmm nn mmmmm m nn mmmmm nnnn mm nnnnnn mmm nnn mmmm nn mmmmmm nnn mm nnnnn mmm mmm nn mmmmm nnn nn mmmmm nnnn mm nnnnnn mmm nnn mmmm nn mmmmmm nnn mm nnnnn mmm mmm nn mmmmm nnnn m nn mmmmm nnnn mm nnnnnn mmm nnn mmmm nn mmmmmm nnn mm nnnnn mmm mmm nn mmmmm nnnn mm n n mmmmm nnnn mm nnnnnn mmm nnn mmmm nn mmmmmm nnn mm nnnnn mmm mmm nn mmm mmmmm nnnn mm nnnnnn mmm nnn mmmm nn mmmmmm nnn mm nnnnn mmm mmm nn mmmmm mmm nn mmmmm nnnn mm nnnnnn mmm nnn mmmm nn mmmmmm nnn mm nnnnn mmm mmm nn mmmmm nnn mm nn mmmmm nnnn mm nnnnnn mmm nnn mmmm nn mmmmmm nnn mm nnnnn mmm mmm nn mmmmm nnnn m m nn mmmmm nnnn mm nnnnnn mmm nnn mmmm nn mmmmmm nnn mm nnnnn mmm mmm nn mmmmm nnnn mm n nn mmmmm nnnn mm nnnnnn mmm nnn mmmm nn mmmmmm nnn mm nnnnn mmm mmm nn mmm nn mmmmm nnnn mm nnnnnn mmm nnn mmmm nn mmmmmm nnn mm nnnnn mmm mmm nn mmmmm n mmmmm nnnn mm nnnnnn mmm nnn mmmm nn mmmmmm nnn mm nnnnn mmm mmm nn mmmmm nnn mmmmm nnnn mm nnnnnn mmm nnn mmmm nn mmmmmm nnn mm nnnnn mmm mmm nn mmmmm nnnn m mmm nn mmmmm nnnn mm nnnnnn mmm nnn mmmm nn mmmmmm nnn mm nnnnn mmm mmm nn mmmmm nnnn mm n
ARE YOU RUN DOWN?
mmm nn mmmmm nnnn mm nnnnnn mmm nnn mmmm nn mmmmmm nnn mm nnnnn mmm mmm nn mmm mm nn mmmmm nnnn mm nnnnnn mmm nnn mmmm nn mmmmmm nnn mm nnnnn mmm mmm nn mmmmm m nn mmmmm nnnn mm nnnnnn mmm nnn mmmm nn mmmmmm nnn mm nnnnn mmm mmm nn mmmmm nnn nn mmmmm nnnn mm nnnnnn mmm nnn mmmm nn mmmmmm nnn mm nnnnn mmm mmm nn mmmmm nnnn m nn mmmmm nnnn mm nnnnnn mmm nnn mmmm nn mmmmmm nnn mm nnnnn mmm mmm nn mmmmm nnnn mm n n mmmmm nnnn mm nnnnnn mmm nnn mmmm nn mmmmmm nnn mm nnnnn mmm mmm nn mmm mmmmm nnnn mm nnnnnn mmm nnn mmmm nn mmmmmm nnn mm nnnnn mmm mmm nn mmmmm mmm nn mmmmm nnnn mm nnnnnn mmm nnn mmmm nn mmmmmm nnn mm nnnnn mmm mmm nn mmmmm nnn mm nn mmmmm nnnn mm nnnnnn mmm nnn mmmm nn mmmmmm nnn mm nnnnn mmm mmm nn mmmmm nnnn m m nn mmmmm nnnn mm nnnnnn mmm nnn mmmm nn mmmmmm nnn mm nnnnn mmm mmm nn mmmmm nnnn mm n nn mmmmm nnnn mm nnnnnn mmm nnn mmmm nn mmmmmm nnn mm nnnnn mmm mmm nn mmm nn mmmmm nnnn mm nnnnnn mmm nnn mmmm nn mmmmmm nnn mm nnnnn mmm mmm nn mmmmm n mmmmm nnnn mm nnnnnn mmm nnn mmmm nn mmmmmm nnn mm nnnnn mmm mmm nn mmmmm nnn mmmmm nnnn mm nnnnnn mmm nnn mmmm nn mmmmmm nnn mm nnnnn mmm mmm nn mmmmm nnnn m mmm nn mmmmm nnnn mm nnnnnn mmm nnn mmmm nn mmmmmm nnn mm nnnnn mmm mmm nn mmmmm nnnn mm n mm nn mmmmm nnnn mm nnnnnn mmm nnn mmmm nn mmmmmm nnn mm nnnnn mmm mmm nn mmm m nn mmmmm nnnn mm nnnnnn mmm nnn mmmm nn mmmmmm nnn mm nnnnn mmm mmm nn mmmmm nn mmmmm nnnn mm nnnnnn mmm nnn mmmm nn mmmmmm nnn mm nnnnn mmm mmm nn mmmmm nnn nn mmmmm nnnn mm nnnnnn mmm nnn mmmm nn mmmmmm nnn mm nnnnn mmm mmm nn mmmmm nnnn m n mmmmm nnnn mm nnnnnn mmm nnn mmmm nn mmmmmm nnn mm nnnnn mmm mmm nn mmmmm nnnn mm n mmmmm nnnn mm nnnnnn mmm nnn mmmm nn mmmmmm nnn mm nnnnn mmm mmm nn mmm mmm nn mmmmm nnnn mm nnnnnn mmm nnn mmmm nn mmmmmm nnn mm nnnnn mmm mmm nn mmmmm mm nn mmmmm nnnn mm nnnnnn mmm nnn mmmm nn mmmmmm nnn mm nnnnn mmm mmm nn mmmmm nnn m nn mmmmm nnnn mm nnnnnn mmm nnn mmmm nn mmmmmm nnn mm nnnnn mmm mmm nn mmmmm nnnn m nn mmmmm nnnn mm nnnnnn mmm nnn mmmm nn mmmmmm nnn mm nnnnn mmm mmm nn mmmmm nnnn mm n nn mmmmm nnnn mm nnnnnn mmm nnn mmmm nn mmmmmm nnn mm nnnnn mmm mmm nn mmm n mmmmm nnnn mm nnnnnn mmm nnn mmmm nn mmmmmm nnn mm nnnnn mmm mmm nn mmmmm mmmmm nnnn mm nnnnnn mmm nnn mmmm nn mmmmmm nnn mm nnnnn mmm mmm nn mmmmm nnn mmm nn mmmmm nnnn mm nnnnnn mmm nnn mmmm nn mmmmmm nnn mm nnnnn mmm mmm nn mmmmm nnnn m mm nn mmmmm nnnn mm nnnnnn mmm nnn mmmm nn mmmmmm nnn mm nnnnn mmm mmm nn mmmmm nnnn mm n m nn mmmmm nnnn mm nnnnnn mmm nnn mmmm nn mmmmmm nnn mm nnnnn mmm mmm nn mmm nn mmmmm nnnn mm nnnnnn mmm nnn mmmm nn mmmmmm nnn mm nnnnn mmm mmm nn mmmmm nn mmmmm nnnn mm nnnnnn mmm nnn mmmm nn mmmmmm nnn mm nnnnn mmm mmm nn mmmmm nnn n mmmmm nnnn mm nnnnnn mmm nnn mmmm nn mmmmmm nnn mm nnnnn mmm mmm nn mmmmm nnnn m mmmmm nnnn mm nnnnnn mmm nnn mmmm nn mmmmmm nnn mm nnnnn mmm mmm nn mmmmm nnnn mm n mmm nn mmmmm nnnn mm nnnnnn mmm nnn mmmm nn mmmmmm nnn mm nnnnn mmm mmm nn mmm mm nn mmmmm nnnn mm nnnnnn mmm nnn mmmm nn mmmmmm nnn mm nnnnn mmm mmm nn mmmmm m nn mmmmm nnnn mm nnnnnn mmm nnn mmmm nn mmmmmm nnn mm nnnnn mmm mmm nn mmmmm nnn
COST OF LIVING
PRICES OF PEOPLE'S FOOD
PERCENTAGES OF INCREASE
WAR PERIOD REVIEWED
mmm nn mmmmm nnnn mm nnnnnn mmm nnn mmmm nn mmmmmm nnn mm nnnnn mmm mmm nn mmm mm nn mmmmm nnnn mm nnnnnn mmm nnn mmmm nn mmmmmm nnn mm nnnnn mmm mmm nn mmmmm m nn mmmmm nnnn mm nnnnnn mmm nnn mmmm nn mmmmmm nnn mm nnnnn mmm mmm nn mmmmm nnn nn mmmmm nnnn mm nnnnnn mmm nnn mmmm nn mmmmmm nnn mm nnnnn mmm mmm nn mmmmm nnnn m nn mmmmm nnnn mm nnnnnn mmm nnn mmmm nn mmmmmm nnn mm nnnnn mmm mmm nn mmmmm nnnn mm n n mmmmm nnnn mm nnnnnn mmm nnn mmmm nn mmmmmm nnn mm nnnnn mmm mmm nn mmm mmmmm nnnn mm nnnnnn mmm nnn mmmm nn mmmmmm nnn mm nnnnn mmm mmm nn mmmmm mmm nn mmmmm nnnn mm nnnnnn mmm nnn mmmm nn mmmmmm nnn mm nnnnn mmm mmm nn mmmmm nnn mm nn mmmmm nnnn mm nnnnnn mmm nnn mmmm nn mmmmmm nnn mm nnnnn mmm mmm nn mmmmm nnnn m m nn mmmmm nnnn mm nnnnnn mmm nnn mmmm nn mmmmmm nnn mm nnnnn mmm mmm nn mmmmm nnnn mm n nn mmmmm nnnn mm nnnnnn mmm nnn mmmm nn mmmmmm nnn mm nnnnn mmm mmm nn mmm nn mmmmm nnnn mm nnnnnn mmm nnn mmmm nn mmmmmm nnn mm nnnnn mmm mmm nn mmmmm n mmmmm nnnn mm nnnnnn mmm nnn mmmm nn mmmmmm nnn mm nnnnn mmm mmm nn mmmmm nnn mmmmm nnnn mm nnnnnn mmm nnn mmmm nn mmmmmm nnn mm nnnnn mmm mmm nn mmmmm nnnn m mmm nn mmmmm nnnn mm nnnnnn mmm nnn mmmm nn mmmmmm nnn mm nnnnn mmm mmm nn mmmmm nnnn mm n mm nn mmmmm nnnn mm nnnnnn mmm nnn mmmm nn mmmmmm nnn mm nnnnn mmm mmm nn mmm m nn mmmmm nnnn mm nnnnnn mmm nnn mmmm nn mmmmmm nnn mm nnnnn mmm mmm nn mmmmm nn mmmmm nnnn mm nnnnnn mmm nnn mmmm nn mmmmmm nnn mm nnnnn mmm mmm nn mmmmm nnn nn mmmmm nnnn mm nnnnnn mmm nnn mmmm nn mmmmmm nnn mm nnnnn mmm mmm nn mmmmm nnnn m n mmmmm nnnn mm nnnnnn mmm nnn mmmm nn mmmmmm nnn mm nnnnn mmm mmm nn mmmmm nnnn mm n mmmmm nnnn mm nnnnnn mmm nnn mmmm nn mmmmmm nnn mm nnnnn mmm mmm nn mmm mmm nn mmmmm nnnn mm nnnnnn mmm nnn mmmm nn mmmmmm nnn mm nnnnn mmm mmm nn mmmmm mm nn mmmmm nnnn mm nnnnnn mmm nnn mmmm nn mmmmmm nnn mm nnnnn mmm mmm nn mmmmm nnn m nn mmmmm nnnn mm nnnnnn mmm nnn mmmm nn mmmmmm nnn mm nnnnn mmm mmm nn mmmmm nnnn m nn mmmmm nnnn mm nnnnnn mmm nnn mmmm nn mmmmmm nnn mm nnnnn mmm mmm nn mmmmm nnnn mm n nn mmmmm nnnn mm nnnnnn mmm nnn mmmm nn mmmmmm nnn mm nnnnn mmm mmm nn mmm n mmmmm nnnn mm nnnnnn mmm nnn mmmm nn mmmmmm nnn mm nnnnn mmm mmm nn mmmmm mmmmm nnnn mm nnnnnn mmm nnn mmmm nn mmmmmm nnn mm nnnnn mmm mmm nn mmmmm nnn mmm nn mmmmm nnnn mm nnnnnn mmm nnn mmmm nn mmmmmm nnn mm nnnnn mmm mmm nn mmmmm nnnn m mm nn mmmmm nnnn mm nnnnnn mmm nnn mmmm nn mmmmmm nnn mm nnnnn mmm mmm nn mmmmm nnnn mm n m nn mmmmm nnnn mm nnnnnn mmm nnn mmmm nn mmmmmm nnn mm nnnnn mmm mmm nn mmm nn mmmmm nnnn mm nnnnnn mmm nnn mmmm nn mmmmmm nnn mm nnnnn mmm mmm nn mmmmm nn mmmmm nnnn mm nnnnnn mmm nnn mmmm nn mmmmmm nnn mm nnnnn mmm mmm nn mmmmm nnn n mmmmm nnnn mm nnnnnn mmm nnn mmmm nn mmmmmm nnn mm nnnnn mmm mmm nn mmmmm nnnn m mmmmm nnnn mm nnnnnn mmm nnn mmmm nn mmmmmm nnn mm nnnnn mmm mmm nn mmmmm nnnn mm n mmm nn mmmmm nnnn mm nnnnnn mmm nnn mmmm nn mmmmmm nnn mm nnnnn mmm mmm nn mmm mm nn mmmmm nnnn mm nnnnnn mmm nnn mmmm nn mmmmmm nnn mm nnnnn mmm mmm nn mmmmm m nn mmmmm nnnn mm nnnnnn mmm nnn mmmm nn mmmmmm nnn mm nnnnn mmm mmm nn mmmmm nnn nn mmmmm nnnn mm nnnnnn mmm nnn mmmm nn mmmmmm nnn mm nnnnn mmm mmm nn mmmmm nnnn m nn mmmmm nnnn mm nnnnnn mmm nnn mmmm nn mmmmmm nnn mm nnnnn mmm mmm nn mmmmm nnnn mm n n mmmmm nnnn mm nnnnnn mmm nnn mmmm nn mmmmmm nnn mm nnnnn mmm mmm nn mmm mmmmm nnnn mm nnnnnn mmm nnn mmmm nn mmmmmm nnn mm nnnnn mmm mmm nn mmmmm mmm nn mmmmm nnnn mm nnnnnn mmm nnn mmmm nn mmmmmm nnn mm nnnnn mmm mmm nn mmmmm nnn mm nn mmmmm nnnn mm nnnnnn mmm nnn mmmm nn mmmmmm nnn mm nnnnn mmm mmm nn mmmmm nnnn m m nn mmmmm nnnn mm nnnnnn mmm nnn mmmm nn mmmmmm nnn mm nnnnn mmm mmm nn mmmmm nnnn mm n nn mmmmm nnnn mm nnnnnn mmm nnn mmmm nn mmmmmm nnn mm nnnnn mmm mmm nn mmm nn mmmmm nnnn mm nnnnnn mmm nnn mmmm nn mmmmmm nnn mm nnnnn mmm mmm nn mmmmm n mmmmm nnnn mm nnnnnn mmm nnn mmmm nn mmmmmm nnn mm nnnnn mmm mmm nn mmmmm nnn mmmmm nnnn mm nnnnnn mmm nnn mmmm nn mmmmmm nnn mm nnnnn mmm mmm nn mmmmm nnnn m mmm nn mmmmm nnnn mm nnnnnn mmm nnn mmmm nn mmmmmm nnn mm nnnnn mmm mmm nn mmmmm nnnn mm n mm nn mmmmm nnnn mm nnnnnn mmm nnn mmmm nn mmmmmm nnn mm nnnnn mmm mmm nn mmm m nn mmmmm nnnn mm nnnnnn mmm nnn mmmm nn mmmmmm nnn mm nnnnn mmm mmm nn mmmmm nn mmmmm nnnn mm nnnnnn mmm nnn mmmm nn mmmmmm nnn mm nnnnn mmm mmm nn mmmmm nnn nn mmmmm nnnn mm nnnnnn mmm nnn mmmm nn mmmmmm nnn mm nnnnn mmm mmm nn mmmmm nnnn m n mmmmm nnnn mm nnnnnn mmm nnn mmmm nn mmmmmm nnn mm nnnnn mmm mmm nn mmmmm nnnn mm n mmmmm nnnn mm nnnnnn mmm nnn mmmm nn mmmmmm nnn mm nnnnn mmm mmm nn mmm mmm nn mmmmm nnnn mm nnnnnn mmm nnn mmmm nn mmmmmm nnn mm nnnnn mmm mmm nn mmmmm mm nn mmmmm nnnn mm nnnnnn mmm nnn mmmm nn mmmmmm nnn mm nnnnn mmm mmm nn mmmmm nnn m nn mmmmm nnnn mm nnnnnn mmm nnn mmmm nn mmmmmm nnn mm nnnnn mmm mmm nn mmmmm nnnn m nn mmmmm nnnn mm nnnnnn mmm nnn mmmm nn mmmmmm nnn mm nnnnn mmm mmm nn mmmmm nnnn mm n nn mmmmm nnnn mm nnnnnn mmm nnn mmmm nn mmmmmm nnn mm nnnnn mmm mmm nn mmm n mmmmm nnnn mm nnnnnn mmm nnn mmmm nn mmmmmm nnn mm nnnnn mmm mmm nn mmmmm mmmmm nnnn mm nnnnnn mmm nnn mmmm nn mmmmmm nnn mm nnnnn mmm mmm nn mmmmm nnn mmm nn mmmmm nnnn mm nnnnnn mmm nnn mmmm nn mmmmmm nnn mm nnnnn mmm mmm nn mmmmm nnnn m mm nn mmmmm nnnn mm nnnnnn mmm nnn mmmm nn mmmmmm nnn mm nnnnn mmm mmm nn mmmmm nnnn mm n m nn mmmmm nnnn mm nnnnnn mmm nnn mmmm nn mmmmmm nnn mm nnnnn mmm mmm nn mmm nn mmmmm nnnn mm nnnnnn mmm nnn mmmm nn mmmmmm nnn mm nnnnn mmm mmm nn mmmmm nn mmmmm nnnn mm nnnnnn mmm nnn mmmm nn mmmmmm nnn mm nnnnn mmm mmm nn mmmmm nnn n mmmmm nnnn mm nnnnnn mmm nnn mmmm nn mmmmmm nnn mm nnnnn mmm mmm nn mmmmm nnnn m mmmmm nnnn mm nnnnnn mmm nnn mmmm nn mmmmmm nnn mm nnnnn mmm mmm nn mmmmm nnnn mm n
THE PAHIATUA SEAT
TWO CANDIDATES OUT
mmm nn mmmmm nnnn mm nnnnnn mmm nnn mmmm nn mmmmmm nnn mm nnnnn mmm mmm nn mmm mm nn mmmmm nnnn mm nnnnnn mmm nnn mmmm nn mmmmmm nnn mm nnnnn mmm mmm nn mmmmm m nn mmmmm nnnn mm nnnnnn mmm nnn mmmm nn mmmmmm nnn mm nnnnn mmm mmm nn mmmmm nnn nn mmmmm nnnn mm nnnnnn mmm nnn mmmm nn mmmmmm nnn mm nnnnn mmm mmm nn mmmmm nnnn m nn mmmmm nnnn mm nnnnnn mmm nnn mmmm nn mmmmmm nnn mm nnnnn mmm mmm nn mmmmm nnnn mm n n mmmmm nnnn mm nnnnnn mmm nnn mmmm nn mmmmmm nnn mm nnnnn mmm mmm nn mmm mmmmm nnnn mm nnnnnn mmm nnn mmmm nn mmmmmm nnn mm nnnnn mmm mmm nn mmmmm mmm nn mmmmm nnnn mm nnnnnn mmm nnn mmmm nn mmmmmm nnn mm nnnnn mmm mmm nn mmmmm nnn mm nn mmmmm nnnn mm nnnnnn mmm nnn mmmm nn mmmmmm nnn mm nnnnn mmm mmm nn mmmmm nnnn m m nn mmmmm nnnn mm nnnnnn mmm nnn mmmm nn mmmmmm nnn mm nnnnn mmm mmm nn mmmmm nnnn mm n nn mmmmm nnnn mm nnnnnn mmm nnn mmmm nn mmmmmm nnn mm nnnnn mmm mmm nn mmm nn mmmmm nnnn mm nnnnnn mmm nnn mmmm nn mmmmmm nnn mm nnnnn mmm mmm nn mmmmm n mmmmm nnnn mm nnnnnn mmm nnn mmmm nn mmmmmm nnn mm nnnnn mmm mmm nn mmmmm nnn mmmmm nnnn mm nnnnnn mmm nnn mmmm nn mmmmmm nnn mm nnnnn mmm mmm nn mmmmm nnnn m mmm nn mmmmm nnnn mm nnnnnn mmm nnn mmmm nn mmmmmm nnn mm nnnnn mmm mmm nn mmmmm nnnn mm n mm nn mmmmm nnnn mm nnnnnn mmm nnn mmmm nn mmmmmm nnn mm nnnnn mmm mmm nn mmm m nn mmmmm nnnn mm nnnnnn mmm nnn mmmm nn mmmmmm nnn mm nnnnn mmm mmm nn mmmmm nn mmmmm nnnn mm nnnnnn mmm nnn mmmm nn mmmmmm nnn mm nnnnn mmm mmm nn mmmmm nnn nn mmmmm nnnn mm nnnnnn mmm nnn mmmm nn mmmmmm nnn mm nnnnn mmm mmm nn mmmmm nnnn m n mmmmm nnnn mm nnnnnn mmm nnn mmmm nn mmmmmm nnn mm nnnnn mmm mmm nn mmmmm nnnn mm n mmmmm nnnn mm nnnnnn mmm nnn mmmm nn mmmmmm nnn mm nnnnn mmm mmm nn mmm mmm nn mmmmm nnnn mm nnnnnn mmm nnn mmmm nn mmmmmm nnn mm nnnnn mmm mmm nn mmmmm mm nn mmmmm nnnn mm nnnnnn mmm nnn mmmm nn mmmmmm nnn mm nnnnn mmm mmm nn mmmmm nnn m nn mmmmm nnnn mm nnnnnn mmm nnn mmmm nn mmmmmm nnn mm nnnnn mmm mmm nn mmmmm nnnn m nn mmmmm nnnn mm nnnnnn mmm nnn mmmm nn mmmmmm nnn mm nnnnn mmm mmm nn mmmmm nnnn mm n nn mmmmm nnnn mm nnnnnn mmm nnn mmmm nn mmmmmm nnn mm nnnnn mmm mmm nn mmm n mmmmm nnnn mm nnnnnn mmm nnn mmmm nn mmmmmm nnn mm nnnnn mmm mmm nn mmmmm mmmmm nnnn mm nnnnnn mmm nnn mmmm nn mmmmmm nnn mm nnnnn mmm mmm nn mmmmm nnn mmm nn mmmmm nnnn mm nnnnnn mmm nnn mmmm nn mmmmmm nnn mm nnnnn mmm mmm nn mmmmm nnnn m mm nn mmmmm nnnn mm nnnnnn mmm nnn mmmm nn mmmmmm nnn mm nnnnn mmm mmm nn mmmmm nnnn mm n m nn mmmmm nnnn mm nnnnnn mmm nnn mmmm nn mmmmmm nnn mm nnnnn mmm mmm nn mmm nn mmmmm nnnn mm nnnnnn mmm nnn mmmm nn mmmmmm nnn mm nnnnn mmm mmm nn mmmmm nn mmmmm nnnn mm nnnnnn mmm nnn mmmm nn mmmmmm nnn mm nnnnn mmm mmm nn mmmmm nnn n mmmmm nnnn mm nnnnnn mmm nnn mmmm nn mmmmmm nnn mm nnnnn mmm mmm nn mmmmm nnnn m mmmmm nnnn mm nnnnnn mmm nnn mmmm nn mmmmmm nnn mm nnnnn mmm mmm nn mmmmm nnnn mm n mmm nn mmmmm nnnn mm nnnnnn mmm nnn mmmm nn mmmmmm nnn mm nnnnn mmm mmm nn mmm mm nn mmmmm nnnn mm nnnnnn mmm nnn mmmm nn mmmmmm nnn mm nnnnn mmm mmm nn mmmmm m nn mmmmm nnnn mm nnnnnn mmm nnn mmmm nn mmmmmm nnn mm nnnnn mmm mmm nn mmmmm nnn nn mmmmm nnnn mm nnnnnn mmm nnn mmmm nn mmmmmm nnn mm nnnnn mmm mmm nn mmmmm nnnn m nn mmmmm nnnn mm nnnnnn mmm nnn mmmm nn mmmmmm nnn mm nnnnn mmm mmm nn mmmmm nnnn mm n
THE ISSUE OF THE WEST
mmm nn mmmmm nnnn mm nnnnnn mmm nnn mmmm nn mmmmmm nnn mm nnnnn mmm mmm nn mmm mm nn mmmmm nnnn mm nnnnnn mmm nnn mmmm nn mmmmmm nnn mm nnnnn mmm mmm nn mmmmm m nn mmmmm nnnn mm nnnnnn mmm nnn mmmm nn mmmmmm nnn mm nnnnn mmm mmm nn mmmmm nnn nn mmmmm nnnn mm nnnnnn mmm nnn mmmm nn mmmmmm nnn mm nnnnn mmm mmm nn mmmmm nnnn m nn mmmmm nnnn mm nnnnnn mmm nnn mmmm nn mmmmmm nnn mm nnnnn mmm mmm nn mmmmm nnnn mm n n mmmmm nnnn mm nnnnnn mmm nnn mmmm nn mmmmmm nnn mm nnnnn mmm mmm nn mmm mmmmm nnnn mm nnnnnn mmm nnn mmmm nn mmmmmm nnn mm nnnnn mmm mmm nn mmmmm mmm nn mmmmm nnnn mm nnnnnn mmm nnn mmmm nn mmmmmm nnn mm nnnnn mmm mmm nn mmmmm nnn mm nn mmmmm nnnn mm nnnnnn mmm nnn mmmm nn mmmmmm nnn mm nnnnn mmm mmm nn mmmmm nnnn m m nn mmmmm nnnn mm nnnnnn mmm nnn mmmm nn mmmmmm nnn mm nnnnn mmm mmm nn mmmmm nnnn mm n nn mmmmm nnnn mm nnnnnn mmm nnn mmmm nn mmmmmm nnn mm nnnnn mmm mmm nn mmm nn mmmmm nnnn mm nnnnnn mmm nnn mmmm nn mmmmmm nnn mm nnnnn mmm mmm nn mmmmm n mmmmm nnnn mm nnnnnn mmm nnn mmmm nn mmmmmm nnn mm nnnnn mmm mmm nn mmmmm nnn mmmmm nnnn mm nnnnnn mmm nnn mmmm nn mmmmmm nnn mm nnnnn mmm mmm nn mmmmm nnnn m mmm nn mmmmm nnnn mm nnnnnn mmm nnn mmmm nn mmmmmm nnn mm nnnnn mmm mmm nn mmmmm nnnn mm n mm nn mmmmm nnnn mm nnnnnn mmm nnn mmmm nn mmmmmm nnn mm nnnnn mmm mmm nn mmm m nn mmmmm nnnn mm nnnnnn mmm nnn mmmm nn mmmmmm nnn mm nnnnn mmm mmm nn mmmmm nn mmmmm nnnn mm nnnnnn mmm nnn mmmm nn mmmmmm nnn mm nnnnn mmm mmm nn mmmmm nnn nn mmmmm nnnn mm nnnnnn mmm nnn mmmm nn mmmmmm nnn mm nnnnn mmm mmm nn mmmmm nnnn m n mmmmm nnnn mm nnnnnn mmm nnn mmmm nn mmmmmm nnn mm nnnnn mmm mmm nn mmmmm nnnn mm n
TRIBUTES IN PARLIAMENT
TO DECEASED LEGISLATORS
mmm nn mmmmm nnnn mm nnnnnn mmm nnn mmmm nn mmmmmm nnn mm nnnnn mmm mmm nn mmm mm nn mmmmm nnnn mm nnnnnn mmm nnn mmmm nn mmmmmm nnn mm nnnnn mmm mmm nn mmmmm m nn mmmmm nnnn mm nnnnnn mmm nnn mmmm nn mmmmmm nnn mm nnnnn mmm mmm nn mmmmm nnn nn mmmmm nnnn mm nnnnnn mmm nnn mmmm nn mmmmmm nnn mm nnnnn mmm mmm nn mmmmm nnnn m nn mmmmm nnnn mm nnnnnn mmm nnn mmmm nn mmmmmm nnn mm nnnnn mmm mmm nn mmmmm nnnn mm n n mmmmm nnnn mm nnnnnn mmm nnn mmmm nn mmmmmm nnn mm nnnnn mmm mmm nn mmm mmmmm nnnn mm nnnnnn mmm nnn mmmm nn mmmmmm nnn mm nnnnn mmm mmm nn mmmmm mmm nn mmmmm nnnn mm nnnnnn mmm nnn mmmm nn mmmmmm nnn mm nnnnn mmm mmm nn mmmmm nnn mm nn mmmmm nnnn mm nnnnnn mmm nnn mmmm nn mmmmmm nnn mm nnnnn mmm mmm nn mmmmm nnnn m m nn mmmmm nnnn mm nnnnnn mmm nnn mmmm nn mmmmmm nnn mm nnnnn mmm mmm nn mmmmm nnnn mm n nn mmmmm nnnn mm nnnnnn mmm nnn mmmm nn mmmmmm nnn mm nnnnn mmm mmm nn mmm nn mmmmm nnnn mm nnnnnn mmm nnn mmmm nn mmmmmm nnn mm nnnnn mmm mmm nn mmmmm n mmmmm nnnn mm nnnnnn mmm nnn mmmm nn mmmmmm nnn mm nnnnn mmm mmm nn mmmmm nnn mmmmm nnnn mm nnnnnn mmm nnn mmmm nn mmmmmm nnn mm nnnnn mmm mmm nn mmmmm nnnn m mmm nn mmmmm nnnn mm nnnnnn mmm nnn mmmm nn mmmmmm nnn mm nnnnn mmm mmm nn mmmmm nnnn mm n mm nn mmmmm nnnn mm nnnnnn mmm nnn mmmm nn mmmmmm nnn mm nnnnn mmm mmm nn mmm m nn mmmmm nnnn mm nnnnnn mmm nnn mmmm nn mmmmmm nnn mm nnnnn mmm mmm nn mmmmm nn mmmmm nnnn mm nnnnnn mmm nnn mmmm nn mmmmmm nnn mm nnnnn mmm mmm nn mmmmm nnn nn mmmmm nnnn mm nnnnnn mmm nnn mmmm nn mmmmmm nnn mm nnnnn mmm mmm nn mmmmm nnnn m n mmmmm nnnn mm nnnnnn mmm nnn mmmm nn mmmmmm nnn mm nnnnn mmm mmm nn mmmmm nnnn mm n mmmmm nnnn mm nnnnnn mmm nnn mmmm nn mmmmmm nnn mm nnnnn mmm mmm nn mmm mmm nn mmmmm nnnn mm nnnnnn mmm nnn mmmm nn mmmmmm nnn mm nnnnn mmm mmm nn mmmmm mm nn mmmmm nnnn mm nnnnnn mmm nnn mmmm nn mmmmmm nnn mm nnnnn mmm mmm nn mmmmm nnn m nn mmmmm nnnn mm nnnnnn mmm nnn mmmm nn mmmmmm nnn mm nnnnn mmm mmm nn mmmmm nnnn m nn mmmmm nnnn mm nnnnnn mmm nnn mmmm nn mmmmmm nnn mm nnnnn mmm mmm nn mmmmm nnnn mm n nn mmmmm nnnn mm nnnnnn mmm nnn mmmm nn mmmmmm nnn mm nnnnn mmm mmm nn mmm n mmmmm nnnn mm nnnnnn mmm nnn mmmm nn mmmmmm nnn mm nnnnn mmm mmm nn mmmmm mmmmm nnnn mm nnnnnn mmm nnn mmmm nn mmmmmm nnn mm nnnnn mmm mmm nn mmmmm nnn mmm nn mmmmm nnnn mm nnnnnn mmm nnn mmmm nn mmmmmm nnn mm nnnnn mmm mmm nn mmmmm nnnn m mm nn mmmmm nnnn mm nnnnnn mmm nnn mmmm nn mmmmmm nnn mm nnnnn mmm mmm nn mmmmm nnnn mm n m nn mmmmm nnnn mm nnnnnn mmm nnn mmmm nn mmmmmm nnn mm nnnnn mmm mmm nn mmm nn mmmmm nnnn mm nnnnnn mmm nnn mmmm nn mmmmmm nnn mm nnnnn mmm mmm nn mmmmm nn mmmmm nnnn mm nnnnnn mmm nnn mmmm nn mmmmmm nnn mm nnnnn mmm mmm nn mmmmm nnn n mmmmm nnnn mm nnnnnn mmm nnn mmmm nn mmmmmm nnn mm nnnnn mmm mmm nn mmmmm nnnn m mmmmm nnnn mm nnnnnn mmm nnn mmmm nn mmmmmm nnn mm nnnnn mmm mmm nn mmmmm nnnn mm n mmm nn mmmmm nnnn mm nnnnnn mmm nnn mmmm nn mmmmmm nnn mm nnnnn mmm mmm nn mmm mm nn mmmmm nnnn mm nnnnnn mmm nnn mmmm nn mmmmmm nnn mm nnnnn mmm mmm nn mmmmm m nn mmmmm nnnn mm nnnnnn mmm nnn mmmm nn mmmmmm nnn mm nnnnn mmm mmm nn mmmmm nnn nn mmmmm nnnn mm nnnnnn mmm nnn mmmm nn mmmmmm nnn mm nnnnn mmm mmm nn mmmmm nnnn m nn mmmmm nnnn mm nnnnnn mmm nnn mmmm nn mmmmmm nnn mm nnnnn mmm mmm nn mmmmm nnnn mm n n mmmmm nnnn mm nnnnnn mmm nnn mmmm nn mmmmmm nnn mm nnnnn mmm mmm nn mmm mmmmm nnnn mm nnnnnn mmm nnn mmmm nn mmmmmm nnn mm nnnnn mmm mmm nn mmmmm mmm nn mmmmm nnnn mm nnnnnn mmm nnn mmmm nn mmmmmm nnn mm nnnnn mmm mmm nn mmmmm nnn mm nn mmmmm nnnn mm nnnnnn mmm nnn mmmm nn mmmmmm nnn mm nnnnn mmm mmm nn mmmmm nnnn m m nn mmmmm nnnn mm nnnnnn mmm nnn mmmm nn mmmmmm nnn mm nnnnn mmm mmm nn mmmmm nnnn mm n nn mmmmm nnnn mm nnnnnn mmm nnn mmmm nn mmmmmm nnn mm nnnnn mmm mmm nn mmm nn mmmmm nnnn mm nnnnnn mmm nnn mmmm nn mmmmmm nnn mm nnnnn mmm mmm nn mmmmm n mmmmm nnnn mm nnnnnn mmm nnn mmmm nn mmmmmm nnn mm nnnnn mmm mmm nn mmmmm nnn mmmmm nnnn mm nnnnnn mmm nnn mmmm nn mmmmmm nnn mm nnnnn mmm mmm nn mmmmm nnnn m mmm nn mmmmm nnnn mm nnnnnn mmm nnn mmmm nn mmmmmm nnn mm nnnnn mmm mmm nn mmmmm nnnn mm n mm nn mmmmm nnnn mm nnnnnn mmm nnn mmmm nn mmmmmm nnn mm nnnnn mmm mmm nn mmm m nn mmmmm nnnn mm nnnnnn mmm nnn mmmm nn mmmmmm nnn mm nnnnn mmm mmm nn mmmmm nn mmmmm nnnn mm nnnnnn mmm nnn mmmm nn mmmmmm nnn mm nnnnn mmm mmm nn mmmmm nnn nn mmmmm nnnn mm nnnnnn mmm nnn mmmm nn mmmmmm nnn mm nnnnn mmm mmm nn mmmmm nnnn m n mmmmm nnnn mm nnnnnn mmm nnn mmmm nn mmmmmm nnn mm nnnnn mmm mmm nn mmmmm nnnn mm n mmmmm nnnn mm nnnnnn mmm nnn mmmm nn mmmmmm nnn mm nnnnn mmm mmm nn mmm mmm nn mmmmm nnnn mm nnnnnn mmm nnn mmmm nn mmmmmm nnn mm nnnnn mmm mmm nn mmmmm mm nn mmmmm nnnn mm nnnnnn mmm nnn mmmm nn mmmmmm nnn mm nnnnn mmm mmm nn mmmmm nnn m nn mmmmm nnnn mm nnnnnn mmm nnn mmmm nn mmmmmm nnn mm nnnnn mmm mmm nn mmmmm nnnn m nn mmmmm nnnn mm nnnnnn mmm nnn mmmm nn mmmmmm nnn mm nnnnn mmm mmm nn mmmmm nnnn mm n nn mmmmm nnnn mm nnnnnn mmm nnn mmmm nn mmmmmm nnn mm nnnnn mmm mmm nn mmm n mmmmm nnnn mm nnnnnn mmm nnn mmmm nn mmmmmm nnn mm nnnnn mmm mmm nn mmmmm
LATE SPORTING
AUSTRALIAN HURDLES
FINAL ACCEPTORS
mmm nn mmmmm nnnn mm nnnnnn mmm nnn mmmm nn mmmmmm nnn mm nnnnn mmm mmm nn mmm mm nn mmmmm nnnn mm nnnnnn mmm nnn mmmm nn mmmmmm nnn mm nnnnn mmm mmm nn mmmmm m nn mmmmm nnnn mm nnnnnn mmm nnn mmmm nn mmmmmm nnn mm nnnnn mmm mmm nn mmmmm nnn nn mmmmm nnnn mm nnnnnn mmm nnn mmmm nn mmmmmm nnn mm nnnnn mmm mmm nn mmmmm nnnn m nn mmmmm nnnn mm nnnnnn mmm nnn mmmm nn mmmmmm nnn mm nnnnn mmm mmm nn mmmmm nnnn mm n n mmmmm nnnn mm nnnnnn mmm nnn mmmm nn mmmmmm nnn mm nnnnn mmm mmm nn mmm mmmmm nnnn mm nnnnnn mmm nnn mmmm nn mmmmmm nnn mm nnnnn mmm mmm nn mmmmm mmm nn mmmmm nnnn mm nnnnnn mmm nnn mmmm nn mmmmmm nnn mm nnnnn mmm mmm nn mmmmm nnn mm nn mmmmm nnnn mm nnnnnn mmm nnn mmmm nn mmmmmm nnn mm nnnnn mmm mmm nn mmmmm nnnn m m nn mmmmm nnnn mm nnnnnn mmm nnn mmmm nn mmmmmm nnn mm nnnnn mmm mmm nn mmmmm nnnn mm n nn mmmmm nnnn mm nnnnnn mmm nnn mmmm nn mmmmmm nnn mm nnnnn mmm mmm nn mmm nn mmmmm nnnn mm nnnnnn mmm nnn mmmm nn mmmmmm nnn mm nnnnn mmm mmm nn mmmmm n mmmmm nnnn mm nnnnnn mmm nnn mmmm nn mmmmmm nnn mm nnnnn mmm mmm nn mmmmm nnn mmmmm nnnn mm nnnnnn mmm nnn mmmm nn mmmmmm nnn mm nnnnn mmm mmm nn mmmmm nnnn m mmm nn mmmmm nnnn mm nnnnnn mmm nnn mmmm nn mmmmmm nnn mm nnnnn mmm mmm nn mmmmm nnnn mm n mm nn mmmmm nnnn mm nnnnnn mmm nnn mmmm nn mmmmmm nnn mm nnnnn mmm mmm nn mmm m nn mmmmm nnnn mm nnnnnn mmm nnn mmmm nn mmmmmm nnn mm nnnnn mmm mmm nn mmmmm nn mmmmm nnnn mm nnnnnn mmm nnn mmmm nn mmmmmm nnn mm nnnnn mmm mmm nn mmmmm nnn nn mmmmm nnnn mm nnnnnn mmm nnn mmmm nn mmmmmm nnn mm nnnnn mmm mmm nn mmmmm nnnn m n mmmmm nnnn mm nnnnnn mmm nnn mmmm nn mmmmmm nnn mm nnnnn mmm mmm nn mmmmm nnnn mm n mmmmm nnnn mm nnnnnn mmm nnn mmmm nn mmmmmm nnn mm nnnnn mmm mmm nn mmm mmm nn mmmmm nnnn mm nnnnnn mmm nnn mmmm nn mmmmmm nnn mm nnnnn mmm mmm nn mmmmm mm nn mmmmm nnnn mm nnnnnn mmm nnn mmmm nn mmmmmm nnn mm nnnnn mmm mmm nn mmmmm nnn m nn mmmmm nnnn mm nnnnnn mmm nnn mmmm nn mmmmmm nnn mm nnnnn mmm mmm nn mmmmm nnnn m nn mmmmm nnnn mm nnnnnn mmm nnn mmmm nn mmmmmm nnn mm nnnnn mmm mmm nn mmmmm nnnn mm n nn mmmmm nnnn mm nnnnnn mmm nnn mmmm nn mmmmmm nnn mm nnnnn mmm mmm nn mmm
ROLL OF HONOUR
KILLED IN ACTION
LATEST LIST OF WOUNDED
mmm nn mmmmm nnnn mm nnnnnn mmm nnn mmmm nn mmmmmm nnn mm nnnnn mmm mmm nn mmm mm nn mmmmm nnnn mm nnnnnn mmm nnn mmmm nn mmmmmm nnn mm nnnnn mmm mmm nn mmmmm m nn mmmmm nnnn mm nnnnnn mmm nnn mmmm nn mmmmmm nnn mm nnnnn mmm mmm nn mmmmm nnn nn mmmmm nnnn mm nnnnnn mmm nnn mmmm nn mmmmmm nnn mm nnnnn mmm mmm nn mmmmm nnnn m nn mmmmm nnnn mm nnnnnn mmm nnn mmmm nn mmmmmm nnn mm nnnnn mmm mmm nn mmmmm nnnn mm n n mmmmm nnnn mm nnnnnn mmm nnn mmmm nn mmmmmm nnn mm nnnnn mmm mmm nn mmm mmmmm nnnn mm nnnnnn mmm nnn mmmm nn mmmmmm nnn mm nnnnn mmm mmm nn mmmmm mmm nn mmmmm nnnn mm nnnnnn mmm nnn mmmm nn mmmmmm nnn mm nnnnn mmm mmm nn mmmmm nnn mm nn mmmmm nnnn mm nnnnnn mmm nnn mmmm nn mmmmmm nnn mm nnnnn mmm mmm nn mmmmm nnnn m m nn mmmmm nnnn mm nnnnnn mmm nnn mmmm nn mmmmmm nnn mm nnnnn mmm mmm nn mmmmm nnnn mm n nn mmmmm nnnn mm nnnnnn mmm nnn mmmm nn mmmmmm nnn mm nnnnn mmm mmm nn mmm nn mmmmm nnnn mm nnnnnn mmm nnn mmmm nn mmmmmm nnn mm nnnnn mmm mmm nn mmmmm n mmmmm nnnn mm nnnnnn mmm nnn mmmm nn mmmmmm nnn mm nnnnn mmm mmm nn mmmmm nnn mmmmm nnnn mm nnnnnn mmm nnn mmmm nn mmmmmm nnn mm nnnnn mmm mmm nn mmmmm nnnn m
KILLED IN ACTION
mmm nn mmmmm nnnn mm nnnnnn mmm nnn mmmm nn mmmmmm nnn mm nnnnn mmm mmm nn mmm mm nn mmmmm nnnn mm nnnnnn mmm nnn mmmm nn mmmmmm nnn mm nnnnn mmm mmm nn mmmmm m nn mmmmm nnnn mm nnnnnn mmm nnn mmmm nn mmmmmm nnn mm nnnnn mmm mmm nn mmmmm nnn nn mmmmm nnnn mm nnnnnn mmm nnn mmmm nn mmmmmm nnn mm nnnnn mmm mmm nn mmmmm nnnn m nn mmmmm nnnn mm nnnnnn mmm nnn mmmm nn mmmmmm nnn mm nnnnn mmm mmm nn mmmmm nnnn mm n n mmmmm nnnn mm nnnnnn mmm nnn mmmm nn mmmmmm nnn mm nnnnn mmm mmm nn mmm mmmmm nnnn mm nnnnnn mmm nnn mmmm nn mmmmmm nnn mm nnnnn mmm mmm nn mmmmm mmm nn mmmmm nnnn mm nnnnnn mmm nnn mmmm nn mmmmmm nnn mm nnnnn mmm mmm nn mmmmm nnn mm nn mmmmm nnnn mm nnnnnn mmm nnn mmmm nn mmmmmm nnn mm nnnnn mmm mmm nn mmmmm nnnn m m nn mmmmm nnnn mm nnnnnn mmm nnn mmmm nn mmmmmm nnn mm nnnnn mmm mmm nn mmmmm nnnn mm n nn mmmmm nnnn mm nnnnnn mmm nnn mmmm nn mmmmmm nnn mm nnnnn mmm mmm nn mmm nn mmmmm nnnn mm nnnnnn mmm nnn mmmm nn mmmmmm nnn mm nnnnn mmm mmm nn mmmmm n mmmmm nnnn mm nnnnnn mmm nnn mmmm nn mmmmmm nnn mm nnnnn mmm mmm nn mmmmm nnn mmmmm nnnn mm nnnnnn mmm nnn mmmm nn mmmmmm nnn mm nnnnn mmm mmm nn mmmmm nnnn m mmm nn mmmmm nnnn mm nnnnnn mmm nnn mmmm nn mmmmmm nnn mm nnnnn mmm mmm nn mmmmm nnnn mm n mm nn mmmmm nnnn mm nnnnnn mmm nnn mmmm nn mmmmmm nnn mm nnnnn mmm mmm nn mmm m nn mmmmm nnnn mm nnnnnn mmm nnn mmmm nn mmmmmm nnn mm nnnnn mmm mmm nn mmmmm nn mmmmm nnnn mm nnnnnn mmm nnn mmmm nn mmmmmm nnn mm nnnnn mmm mmm nn mmmmm nnn nn mmmmm nnnn mm nnnnnn mmm nnn mmmm nn mmmmmm nnn mm nnnnn mmm mmm nn mmmmm nnnn m n mmmmm nnnn mm nnnnnn mmm nnn mmmm nn mmmmmm nnn mm nnnnn mmm mmm nn mmmmm nnnn mm n mmmmm nnnn mm nnnnnn mmm nnn mmmm nn mmmmmm nnn mm nnnnn mmm mmm nn mmm mmm nn mmmmm nnnn mm nnnnnn mmm nnn mmmm nn mmmmmm nnn mm nnnnn mmm mmm nn mmmmm mm nn mmmmm nnnn mm nnnnnn mmm nnn mmmm nn mmmmmm nnn mm nnnnn mmm mmm nn mmmmm nnn m nn mmmmm nnnn mm nnnnnn mmm nnn mmmm nn mmmmmm nnn mm nnnnn mmm mmm nn mmmmm nnnn m nn mmmmm nnnn mm nnnnnn mmm nnn mmmm nn mmmmmm nnn mm nnnnn mmm mmm nn mmmmm nnnn mm n nn mmmmm nnnn mm nnnnnn mmm nnn mmmm nn mmmmmm nnn mm nnnnn mmm mmm nn mmm n mmmmm nnnn mm nnnnnn mmm nnn mmmm nn mmmmmm nnn mm nnnnn mmm mmm nn mmmmm mmmmm nnnn mm nnnnnn mmm nnn mmmm nn mmmmmm nnn mm nnnnn mmm mmm nn mmmmm nnn mmm nn mmmmm nnnn mm nnnnnn mmm nnn mmmm nn mmmmmm nnn mm nnnnn mmm mmm nn mmmmm nnnn m mm nn mmmmm nnnn mm nnnnnn mmm nnn mmmm nn mmmmmm nnn mm nnnnn mmm mmm nn mmmmm nnnn mm n m nn mmmmm nnnn mm nnnnnn mmm nnn mmmm nn mmmmmm nnn mm nnnnn mmm mmm nn mmm nn mmmmm nnnn mm nnnnnn mmm nnn mmmm nn mmmmmm nnn mm nnnnn mmm mmm nn mmmmm nn mmmmm nnnn mm nnnnnn mmm nnn mmmm nn mmmmmm nnn mm nnnnn mmm mmm nn mmmmm nnn n mmmmm nnnn mm nnnnnn mmm nnn mmmm nn mmmmmm nnn mm nnnnn mmm mmm nn mmmmm nnnn m mmmmm nnnn mm nnnnnn mmm nnn mmmm nn mmmmmm nnn mm nnnnn mmm mmm nn mmmmm nnnn mm n mmm nn mmmmm nnnn mm nnnnnn mmm nnn mmmm nn mmmmmm nnn mm nnnnn mmm mmm nn mmm mm nn mmmmm nnnn mm nnnnnn mmm nnn mmmm nn mmmmmm nnn mm nnnnn mmm mmm nn mmmmm m nn mmmmm nnnn mm nnnnnn mmm nnn mmmm nn mmmmmm nnn mm nnnnn mmm mmm nn mmmmm nnn nn mmmmm nnnn mm nnnnnn mmm nnn mmmm nn mmmmmm nnn mm nnnnn mmm mmm nn mmmmm nnnn m nn mmmmm nnnn mm nnnnnn mmm nnn mmmm nn mmmmmm nnn mm nnnnn mmm mmm nn mmmmm nnnn mm n
DIED OF WOUNDS
mmm nn mmmmm nnnn mm nnnnnn mmm nnn mmmm nn mmmmmm nnn mm nnnnn mmm mmm nn mmm mm nn mmmmm nnnn mm nnnnnn mmm nnn mmmm nn mmmmmm nnn mm nnnnn mmm mmm nn mmmmm m nn mmmmm nnnn mm nnnnnn mmm nnn mmmm nn mmmmmm nnn mm nnnnn mmm mmm nn mmmmm nnn nn mmmmm nnnn mm nnnnnn mmm nnn mmmm nn mmmmmm nnn mm nnnnn mmm mmm nn mmmmm nnnn m nn mmmmm nnnn mm nnnnnn mmm nnn mmmm nn mmmmmm nnn mm nnnnn mmm mmm nn mmmmm nnnn mm n n mmmmm nnnn mm nnnnnn mmm nnn mmmm nn mmmmmm nnn mm nnnnn mmm mmm nn mmm mmmmm nnnn mm nnnnnn mmm nnn mmmm nn mmmmmm nnn mm nnnnn mmm mmm nn mmmmm mmm nn mmmmm nnnn mm nnnnnn mmm nnn mmmm nn mmmmmm nnn mm nnnnn mmm mmm nn mmmmm nnn mm nn mmmmm nnnn mm nnnnnn mmm nnn mmmm nn mmmmmm nnn mm nnnnn mmm mmm nn mmmmm nnnn m m nn mmmmm nnnn mm nnnnnn mmm nnn mmmm nn mmmmmm nnn mm nnnnn mmm mmm nn mmmmm nnnn mm n nn mmmmm nnnn mm nnnnnn mmm nnn mmmm nn mmmmmm nnn mm nnnnn mmm mmm nn mmm nn mmmmm nnnn mm nnnnnn mmm nnn mmmm nn mmmmmm nnn mm nnnnn mmm mmm nn mmmmm n mmmmm nnnn mm nnnnnn mmm nnn mmmm nn mmmmmm nnn mm nnnnn mmm mmm nn mmmmm nnn mmmmm nnnn mm nnnnnn mmm nnn mmmm nn mmmmmm nnn mm nnnnn mmm mmm nn mmmmm nnnn m mmm nn mmmmm nnnn mm nnnnnn mmm nnn mmmm nn mmmmmm nnn mm nnnnn mmm mmm nn mmmmm nnnn mm n mm nn mmmmm nnnn mm nnnnnn mmm nnn mmmm nn mmmmmm nnn mm nnnnn mmm mmm nn mmm m nn mmmmm nnnn mm nnnnnn mmm nnn mmmm nn mmmmmm nnn mm nnnnn mmm mmm nn mmmmm nn mmmmm nnnn mm nnnnnn mmm nnn mmmm nn mmmmmm nnn mm nnnnn mmm mmm nn mmmmm nnn
REPORTED MISSING
mmm nn mmmmm nnnn mm nnnnnn mmm nnn mmmm nn mmmmmm nnn mm nnnnn mmm mmm nn mmm mm nn mmmmm nnnn mm nnnnnn mmm nnn mmmm nn mmmmmm nnn mm nnnnn mmm mmm nn mmmmm m nn mmmmm nnnn mm nnnnnn mmm nnn mmmm nn mmmmmm nnn mm nnnnn mmm mmm nn mmmmm nnn nn mmmmm nnnn mm nnnnnn mmm nnn mmmm nn mmmmmm nnn mm nnnnn mmm mmm nn mmmmm nnnn m nn mmmmm nnnn mm nnnnnn mmm nnn mmmm nn mmmmmm nnn mm nnnnn mmm mmm nn mmmmm nnnn mm n n mmmmm nnnn mm nnnnnn mmm nnn mmmm nn mmmmmm nnn mm nnnnn mmm mmm nn mmm mmmmm nnnn mm nnnnnn mmm nnn mmmm nn mmmmmm nnn mm nnnnn mmm mmm nn mmmmm mmm nn mmmmm nnnn mm nnnnnn mmm nnn mmmm nn mmmmmm nnn mm nnnnn mmm mmm nn mmmmm nnn
REPORTED WOUNDED
mmm nn mmmmm nnnn mm nnnnnn mmm nnn mmmm nn mmmmmm nnn mm nnnnn mmm mmm nn mmm mm nn mmmmm nnnn mm nnnnnn mmm nnn mmmm nn mmmmmm nnn mm nnnnn mmm mmm nn mmmmm m nn mmmmm nnnn mm nnnnnn mmm nnn mmmm nn mmmmmm nnn mm nnnnn mmm mmm nn mmmmm nnn nn mmmmm nnnn mm nnnnnn mmm nnn mmmm nn mmmmmm nnn mm nnnnn mmm mmm nn mmmmm nnnn m nn mmmmm nnnn mm nnnnnn mmm nnn mmmm nn mmmmmm nnn mm nnnnn mmm mmm nn mmmmm nnnn mm n n mmmmm nnnn mm nnnnnn mmm nnn mmmm nn mmmmmm nnn mm nnnnn mmm mmm nn mmm mmmmm nnnn mm nnnnnn mmm nnn mmmm nn mmmmmm nnn mm nnnnn mmm mmm nn mmmmm mmm nn mmmmm nnnn mm nnnnnn mmm nnn mmmm nn mmmmmm nnn mm nnnnn mmm mmm nn mmmmm nnn mm nn mmmmm nnnn mm nnnnnn mmm nnn mmmm nn mmmmmm nnn mm nnnnn mmm mmm nn mmmmm nnnn m m nn mmmmm nnnn mm nnnnnn mmm nnn mmmm nn mmmmmm nnn mm nnnnn mmm mmm nn mmmmm nnnn mm n nn mmmmm nnnn mm nnnnnn mmm nnn mmmm nn mmmmmm nnn mm nnnnn mmm mmm nn mmm nn mmmmm nnnn mm nnnnnn mmm nnn mmmm nn mmmmmm nnn mm nnnnn mmm mmm nn mmmmm n mmmmm nnnn mm nnnnnn mmm nnn mmmm nn mmmmmm nnn mm nnnnn mmm mmm nn mmmmm nnn mmmmm nnnn mm nnnnnn mmm nnn mmmm nn mmmmmm nnn mm nnnnn mmm mmm nn mmmmm nnnn m mmm nn mmmmm nnnn mm nnnnnn mmm nnn mmmm nn mmmmmm nnn mm nnnnn mmm mmm nn mmmmm nnnn mm n mm nn mmmmm nnnn mm nnnnnn mmm nnn mmmm nn mmmmmm nnn mm nnnnn mmm mmm nn mmm m nn mmmmm nnnn mm nnnnnn mmm nnn mmmm nn mmmmmm nnn mm nnnnn mmm mmm nn mmmmm nn mmmmm nnnn mm nnnnnn mmm nnn mmmm nn mmmmmm nnn mm nnnnn mmm mmm nn mmmmm nnn nn mmmmm nnnn mm nnnnnn mmm nnn mmmm nn mmmmmm nnn mm nnnnn mmm mmm nn mmmmm nnnn m n mmmmm nnnn mm nnnnnn mmm nnn mmmm nn mmmmmm nnn mm nnnnn mmm mmm nn mmmmm nnnn mm n mmmmm nnnn mm nnnnnn mmm nnn mmmm nn mmmmmm nnn mm nnnnn mmm mmm nn mmm mmm nn mmmmm nnnn mm nnnnnn mmm nnn mmmm nn mmmmmm nnn mm nnnnn mmm mmm nn mmmmm mm nn mmmmm nnnn mm nnnnnn mmm nnn mmmm nn mmmmmm nnn mm nnnnn mmm mmm nn mmmmm nnn m nn mmmmm nnnn mm nnnnnn mmm nnn mmmm nn mmmmmm nnn mm nnnnn mmm mmm nn mmmmm nnnn m nn mmmmm nnnn mm nnnnnn mmm nnn mmmm nn mmmmmm nnn mm nnnnn mmm mmm nn mmmmm nnnn mm n nn mmmmm nnnn mm nnnnnn mmm nnn mmmm nn mmmmmm nnn mm nnnnn mmm mmm nn mmm n mmmmm nnnn mm nnnnnn mmm nnn mmmm nn mmmmmm nnn mm nnnnn mmm mmm nn mmmmm mmmmm nnnn mm nnnnnn mmm nnn mmmm nn mmmmmm nnn mm nnnnn mmm mmm nn mmmmm nnn mmm nn mmmmm nnnn mm nnnnnn mmm nnn mmmm nn mmmmmm nnn mm nnnnn mmm mmm nn mmmmm nnnn m mm nn mmmmm nnnn mm nnnnnn mmm nnn mmmm nn mmmmmm nnn mm nnnnn mmm mmm nn mmmmm nnnn mm n m nn mmmmm nnnn mm nnnnnn mmm nnn mmmm nn mmmmmm nnn mm nnnnn mmm mmm nn mmm nn mmmmm nnnn mm nnnnnn mmm nnn mmmm nn mmmmmm nnn mm nnnnn mmm mmm nn mmmmm nn mmmmm nnnn mm nnnnnn mmm nnn mmmm nn mmmmmm nnn mm nnnnn mmm mmm nn mmmmm nnn n mmmmm nnnn mm nnnnnn mmm nnn mmmm nn mmmmmm nnn mm nnnnn mmm mmm nn mmmmm nnnn m mmmmm nnnn mm nnnnnn mmm nnn mmmm nn mmmmmm nnn mm nnnnn mmm mmm nn mmmmm nnnn mm n mmm nn mmmmm nnnn mm nnnnnn mmm nnn mmmm nn mmmmmm nnn mm nnnnn mmm mmm nn mmm mm nn mmmmm nnnn mm nnnnnn mmm nnn mmmm nn mmmmmm nnn mm nnnnn mmm mmm nn mmmmm m nn mmmmm nnnn mm nnnnnn mmm nnn mmmm nn mmmmmm nnn mm nnnnn mmm mmm nn mmmmm nnn nn mmmmm nnnn mm nnnnnn mmm nnn mmmm nn mmmmmm nnn mm nnnnn mmm mmm nn mmmmm nnnn m nn mmmmm nnnn mm nnnnnn mmm nnn mmmm nn mmmmmm nnn mm nnnnn mmm mmm nn mmmmm nnnn mm n n mmmmm nnnn mm nnnnnn mmm nnn mmmm nn mmmmmm nnn mm nnnnn mmm mmm nn mmm mmmmm nnnn mm nnnnnn mmm nnn mmmm nn mmmmmm nnn mm nnnnn mmm mmm nn mmmmm mmm nn mmmmm nnnn mm nnnnnn mmm nnn mmmm nn mmmmmm nnn mm nnnnn mmm mmm nn mmmmm nnn mm nn mmmmm nnnn mm nnnnnn mmm nnn mmmm nn mmmmmm nnn mm nnnnn mmm mmm nn mmmmm nnnn m m nn mmmmm nnnn mm nnnnnn mmm nnn mmmm nn mmmmmm nnn mm nnnnn mmm mmm nn mmmmm nnnn mm n nn mmmmm nnnn mm nnnnnn mmm nnn mmmm nn mmmmmm nnn mm nnnnn mmm mmm nn mmm nn mmmmm nnnn mm nnnnnn mmm nnn mmmm nn mmmmmm nnn mm nnnnn mmm mmm nn mmmmm n mmmmm nnnn mm nnnnnn mmm nnn mmmm nn mmmmmm nnn mm nnnnn mmm mmm nn mmmmm nnn mmmmm nnnn mm nnnnnn mmm nnn mmmm nn mmmmmm nnn mm nnnnn mmm mmm nn mmmmm nnnn m mmm nn mmmmm nnnn mm nnnnnn mmm nnn mmmm nn mmmmmm nnn mm nnnnn mmm mmm nn mmmmm nnnn mm n mm nn mmmmm nnnn mm nnnnnn mmm nnn mmmm nn mmmmmm nnn mm nnnnn mmm mmm nn mmm m nn mmmmm nnnn mm nnnnnn mmm nnn mmmm nn mmmmmm nnn mm nnnnn mmm mmm nn mmmmm nn mmmmm nnnn mm nnnnnn mmm nnn mmmm nn mmmmmm nnn mm nnnnn mmm mmm nn mmmmm nnn nn mmmmm nnnn mm nnnnnn mmm nnn mmmm nn mmmmmm nnn mm nnnnn mmm mmm nn mmmmm nnnn m n mmmmm nnnn mm nnnnnn mmm nnn mmmm nn mmmmmm nnn mm nnnnn mmm mmm nn mmmmm nnnn mm n mmmmm nnnn mm nnnnnn mmm nnn mmmm nn mmmmmm nnn mm nnnnn mmm mmm nn mmm mmm nn mmmmm nnnn mm nnnnnn mmm nnn mmmm nn mmmmmm nnn mm nnnnn mmm mmm nn mmmmm mm nn mmmmm nnnn mm nnnnnn mmm nnn mmmm nn mmmmmm nnn mm nnnnn mmm mmm nn mmmmm nnn m nn mmmmm nnnn mm nnnnnn mmm nnn mmmm nn mmmmmm nnn mm nnnnn mmm mmm nn mmmmm nnnn m nn mmmmm nnnn mm nnnnnn mmm nnn mmmm nn mmmmmm nnn mm nnnnn mmm mmm nn mmmmm nnnn mm n nn mmmmm nnnn mm nnnnnn mmm nnn mmmm nn mmmmmm nnn mm nnnnn mmm mmm nn mmm n mmmmm nnnn mm nnnnnn mmm nnn mmmm nn mmmmmm nnn mm nnnnn mmm mmm nn mmmmm mmmmm nnnn mm nnnnnn mmm nnn mmmm nn mmmmmm nnn mm nnnnn mmm mmm nn mmmmm nnn mmm nn mmmmm nnnn mm nnnnnn mmm nnn mmmm nn mmmmmm nnn mm nnnnn mmm mmm nn mmmmm nnnn m mm nn mmmmm nnnn mm nnnnnn mmm nnn mmmm nn mmmmmm nnn mm nnnnn mmm mmm nn mmmmm nnnn mm n m nn mmmmm nnnn mm nnnnnn mmm nnn mmmm nn mmmmmm nnn mm nnnnn mmm mmm nn mmm nn mmmmm nnnn mm nnnnnn mmm nnn mmmm nn mmmmmm nnn mm nnnnn mmm mmm nn mmmmm nn mmmmm nnnn mm nnnnnn mmm nnn mmmm nn mmmmmm nnn mm nnnnn mmm mmm nn mmmmm nnn n mmmmm nnnn mm nnnnnn mmm nnn mmmm nn mmmmmm nnn mm nnnnn mmm mmm nn mmmmm nnnn m mmmmm nnnn mm nnnnnn mmm nnn mmmm nn mmmmmm nnn mm nnnnn mmm mmm nn mmmmm nnnn mm n mmm nn mmmmm nnnn mm nnnnnn mmm nnn mmmm nn mmmmmm nnn mm nnnnn mmm mmm nn mmm mm nn mmmmm nnnn mm nnnnnn mmm nnn mmmm nn mmmmmm nnn mm nnnnn mmm mmm nn mmmmm m nn mmmmm nnnn mm nnnnnn mmm nnn mmmm nn mmmmmm nnn mm nnnnn mmm mmm nn mmmmm nnn nn mmmmm nnnn mm nnnnnn mmm nnn mmmm nn mmmmmm nnn mm nnnnn mmm mmm nn mmmmm nnnn m nn mmmmm nnnn mm nnnnnn mmm nnn mmmm nn mmmmmm nnn mm nnnnn mmm mmm nn mmmmm nnnn mm n n mmmmm nnnn mm nnnnnn mmm nnn mmmm nn mmmmmm nnn mm nnnnn mmm mmm nn mmm mmmmm nnnn mm nnnnnn mmm nnn mmmm nn mmmmmm nnn mm nnnnn mmm mmm nn mmmmm mmm nn mmmmm nnnn mm nnnnnn mmm nnn mmmm nn mmmmmm nnn mm nnnnn mmm mmm nn mmmmm nnn mm nn mmmmm nnnn mm nnnnnn mmm nnn mmmm nn mmmmmm nnn mm nnnnn mmm mmm nn mmmmm nnnn m m nn mmmmm nnnn mm nnnnnn mmm nnn mmmm nn mmmmmm nnn mm nnnnn mmm mmm nn mmmmm nnnn mm n
EMBARKED FOR ENGLAND
mmm nn mmmmm nnnn mm nnnnnn mmm nnn mmmm nn mmmmmm nnn mm nnnnn mmm mmm nn mmm mm nn mmmmm nnnn mm nnnnnn mmm nnn mmmm nn mmmmmm nnn mm nnnnn mmm mmm nn mmmmm m nn mmmmm nnnn mm nnnnnn mmm nnn mmmm nn mmmmmm nnn mm nnnnn mmm mmm nn mmmmm nnn nn mmmmm nnnn mm nnnnnn mmm nnn mmmm nn mmmmmm nnn mm nnnnn mmm mmm nn mmmmm nnnn m nn mmmmm nnnn mm nnnnnn mmm nnn mmmm nn mmmmmm nnn mm nnnnn mmm mmm nn mmmmm nnnn mm n n mmmmm nnnn mm nnnnnn mmm nnn mmmm nn mmmmmm nnn mm nnnnn mmm mmm nn mmm mmmmm nnnn mm nnnnnn mmm nnn mmmm nn mmmmmm nnn mm nnnnn mmm mmm nn mmmmm mmm nn mmmmm nnnn mm nnnnnn mmm nnn mmmm nn mmmmmm nnn mm nnnnn mmm mmm nn mmmmm nnn mm nn mmmmm nnnn mm nnnnnn mmm nnn mmmm nn mmmmmm nnn mm nnnnn mmm mmm nn mmmmm nnnn m m nn mmmmm nnnn mm nnnnnn mmm nnn mmmm nn mmmmmm nnn mm nnnnn mmm mmm nn mmmmm nnnn mm n nn mmmmm nnnn mm nnnnnn mmm nnn mmmm nn mmmmmm nnn mm nnnnn mmm mmm nn mmm nn mmmmm nnnn mm nnnnnn mmm nnn mmmm nn mmmmmm nnn mm nnnnn mmm mmm nn mmmmm n mmmmm nnnn mm nnnnnn mmm nnn mmmm nn mmmmmm nnn mm nnnnn mmm mmm nn mmmmm nnn mmmmm nnnn mm nnnnnn mmm nnn mmmm nn mmmmmm nnn mm nnnnn mmm mmm nn mmmmm nnnn m mmm nn mmmmm nnnn mm nnnnnn mmm nnn mmmm nn mmmmmm nnn mm nnnnn mmm mmm nn mmmmm nnnn mm n mm nn mmmmm nnnn mm nnnnnn mmm nnn mmmm nn mmmmmm nnn mm nnnnn mmm mmm nn mmm m nn mmmmm nnnn mm nnnnnn mmm nnn mmmm nn mmmmmm nnn mm nnnnn mmm mmm nn mmmmm nn mmmmm nnnn mm nnnnnn mmm nnn mmmm nn mmmmmm nnn mm nnnnn mmm mmm nn mmmmm nnn nn mmmmm nnnn mm nnnnnn mmm nnn mmmm nn mmmmmm nnn mm nnnnn mmm mmm nn mmmmm nnnn m n mmmmm nnnn mm nnnnnn mmm nnn mmmm nn mmmmmm nnn mm nnnnn mmm mmm nn mmmmm nnnn mm n mmmmm nnnn mm nnnnnn mmm nnn mmmm nn mmmmmm nnn mm nnnnn mmm mmm nn mmm mmm nn mmmmm nnnn mm nnnnnn mmm nnn mmmm nn mmmmmm nnn mm nnnnn mmm mmm nn mmmmm mm nn mmmmm nnnn mm nnnnnn mmm nnn mmmm nn mmmmmm nnn mm nnnnn mmm mmm nn mmmmm nnn m nn mmmmm nnnn mm nnnnnn mmm nnn mmmm nn mmmmmm nnn mm nnnnn mmm mmm nn mmmmm nnnn m nn mmmmm nnnn mm nnnnnn mmm nnn mmmm nn mmmmmm nnn mm nnnnn mmm mmm nn mmmmm nnnn mm n nn mmmmm nnnn mm nnnnnn mmm nnn mmmm nn mmmmmm nnn mm nnnnn mmm mmm nn mmm n mmmmm nnnn mm nnnnnn mmm nnn mmmm nn mmmmmm nnn mm nnnnn mmm mmm nn mmmmm mmmmm nnnn mm nnnnnn mmm nnn mmmm nn mmmmmm nnn mm nnnnn mmm mmm nn mmmmm nnn mmm nn mmmmm nnnn mm nnnnnn mmm nnn mmmm nn mmmmmm nnn mm nnnnn mmm mmm nn mmmmm nnnn m mm nn mmmmm nnnn mm nnnnnn mmm nnn mmmm nn mmmmmm nnn mm nnnnn mmm mmm nn mmmmm nnnn mm n m nn mmmmm nnnn mm nnnnnn mmm nnn mmmm nn mmmmmm nnn mm nnnnn mmm mmm nn mmm nn mmmmm nnnn mm nnnnnn mmm nnn mmmm nn mmmmmm nnn mm nnnnn mmm mmm nn mmmmm nn mmmmm nnnn mm nnnnnn mmm nnn mmmm nn mmmmmm nnn mm nnnnn mmm mmm nn mmmmm nnn n mmmmm nnnn mm nnnnnn mmm nnn mmmm nn mmmmmm nnn mm nnnnn mmm mmm nn mmmmm nnnn m
ADMITTED TO HOSPITAL
mmm nn mmmmm nnnn mm nnnnnn mmm nnn mmmm nn mmmmmm nnn mm nnnnn mmm mmm nn mmm mm nn mmmmm nnnn mm nnnnnn mmm nnn mmmm nn mmmmmm nnn mm nnnnn mmm mmm nn mmmmm m nn mmmmm nnnn mm nnnnnn mmm nnn mmmm nn mmmmmm nnn mm nnnnn mmm mmm nn mmmmm nnn nn mmmmm nnnn mm nnnnnn mmm nnn mmmm nn mmmmmm nnn mm nnnnn mmm mmm nn mmmmm nnnn m nn mmmmm nnnn mm nnnnnn mmm nnn mmmm nn mmmmmm nnn mm nnnnn mmm mmm nn mmmmm nnnn mm n n mmmmm nnnn mm nnnnnn mmm nnn mmmm nn mmmmmm nnn mm nnnnn mmm mmm nn mmm mmmmm nnnn mm nnnnnn mmm nnn mmmm nn mmmmmm nnn mm nnnnn mmm mmm nn mmmmm mmm nn mmmmm nnnn mm nnnnnn mmm nnn mmmm nn mmmmmm nnn mm nnnnn mmm mmm nn mmmmm nnn mm nn mmmmm nnnn mm nnnnnn mmm nnn mmmm nn mmmmmm nnn mm nnnnn mmm mmm nn mmmmm nnnn m m nn mmmmm nnnn mm nnnnnn mmm nnn mmmm nn mmmmmm nnn mm nnnnn mmm mmm nn mmmmm nnnn mm n nn mmmmm nnnn mm nnnnnn mmm nnn mmmm nn mmmmmm nnn mm nnnnn mmm mmm nn mmm nn mmmmm nnnn mm nnnnnn mmm nnn mmmm nn mmmmmm nnn mm nnnnn mmm mmm nn mmmmm n mmmmm nnnn mm nnnnnn mmm nnn mmmm nn mmmmmm nnn mm nnnnn mmm mmm nn mmmmm nnn mmmmm nnnn mm nnnnnn mmm nnn mmmm nn mmmmmm nnn mm nnnnn mmm mmm nn mmmmm nnnn m
mmm nn mmmmm nnnn mm nnnnnn mmm nnn mmmm nn mmmmmm nnn mm nnnnn mmm mmm nn mmm mm nn mmmmm nnnn mm nnnnnn mmm nnn mmmm nn mmmmmm nnn mm nnnnn mmm mmm nn mmmmm m nn mmmmm nnnn mm nnnnnn mmm nnn mmmm nn mmmmmm nnn mm nnnnn mmm mmm nn mmmmm nnn nn mmmmm nnnn mm nnnnnn mmm nnn mmmm nn mmmmmm nnn mm nnnnn mmm mmm nn mmmmm nnnn m nn mmmmm nnnn mm nnnnnn mmm nnn mmmm nn mmmmmm nnn mm nnnnn mmm mmm nn mmmmm nnnn mm n n mmmmm nnnn mm nnnnnn mmm nnn mmmm nn mmmmmm nnn mm nnnnn mmm mmm nn mmm mmmmm nnnn mm nnnnnn mmm nnn mmmm nn mmmmmm nnn mm nnnnn mmm mmm nn mmmmm mmm nn mmmmm nnnn mm nnnnnn mmm nnn mmmm nn mmmmmm nnn mm nnnnn mmm mmm nn mmmmm nnn mm nn mmmmm nnnn mm nnnnnn mmm nnn mmmm nn mmmmmm nnn mm nnnnn mmm mmm nn mmmmm nnnn m m nn mmmmm nnnn mm nnnnnn mmm nnn mmmm nn mmmmmm nnn mm nnnnn mmm mmm nn mmmmm nnnn mm n nn mmmmm nnnn mm nnnnnn mmm nnn mmmm nn mmmmmm nnn mm nnnnn mmm mmm nn mmm nn mmmmm nnnn mm nnnnnn mmm nnn mmmm nn mmmmmm nnn mm nnnnn mmm mmm nn mmmmm n mmmmm nnnn mm nnnnnn mmm nnn mmmm nn mmmmmm nnn mm nnnnn mmm mmm nn mmmmm nnn mmmmm nnnn mm nnnnnn mmm nnn mmmm nn mmmmmm nnn mm nnnnn mmm mmm nn mmmmm nnnn m mmm nn mmmmm nnnn mm nnnnnn mmm nnn mmmm nn mmmmmm nnn mm nnnnn mmm mmm nn mmmmm nnnn mm n mm nn mmmmm nnnn mm nnnnnn mmm nnn mmmm nn mmmmmm nnn mm nnnnn mmm mmm nn mmm m nn mmmmm nnnn mm nnnnnn mmm nnn mmmm nn mmmmmm nnn mm nnnnn mmm mmm nn mmmmm nn mmmmm nnnn mm nnnnnn mmm nnn mmmm nn mmmmmm nnn mm nnnnn mmm mmm nn mmmmm nnn nn mmmmm nnnn mm nnnnnn mmm nnn mmmm nn mmmmmm nnn mm nnnnn mmm mmm nn mmmmm nnnn m n mmmmm nnnn mm nnnnnn mmm nnn mmmm nn mmmmmm nnn mm nnnnn mmm mmm nn mmmmm nnnn mm n mmmmm nnnn mm nnnnnn mmm nnn mmmm nn mmmmmm nnn mm nnnnn mmm mmm nn mmm mmm nn mmmmm nnnn mm nnnnnn mmm nnn mmmm nn mmmmmm nnn mm nnnnn mmm mmm nn mmmmm mm nn mmmmm nnnn mm nnnnnn mmm nnn mmmm nn mmmmmm nnn mm nnnnn mmm mmm nn mmmmm nnn m nn mmmmm nnnn mm nnnnnn mmm nnn mmmm nn mmmmmm nnn mm nnnnn mmm mmm nn mmmmm nnnn m nn mmmmm nnnn mm nnnnnn mmm nnn mmmm nn mmmmmm nnn mm nnnnn mmm mmm nn mmmmm nnnn mm n nn mmmmm nnnn mm nnnnnn mmm nnn mmmm nn mmmmmm nnn mm nnnnn mmm mmm nn mmm n mmmmm nnnn mm nnnnnn mmm nnn mmmm nn mmmmmm nnn mm nnnnn mmm mmm nn mmmmm mmmmm nnnn mm nnnnnn mmm nnn mmmm nn mmmmmm nnn mm nnnnn mmm mmm nn mmmmm nnn mmm nn mmmmm nnnn mm nnnnnn mmm nnn mmmm nn mmmmmm nnn mm nnnnn mmm mmm nn mmmmm nnnn m mm nn mmmmm nnnn mm nnnnnn mmm nnn mmmm nn mmmmmm nnn mm nnnnn mmm mmm nn mmmmm nnnn mm n m nn mmmmm nnnn mm nnnnnn mmm nnn mmmm nn mmmmmm nnn mm nnnnn mmm mmm nn mmm nn mmmmm nnnn mm nnnnnn mmm nnn mmmm nn mmmmmm nnn mm nnnnn mmm mmm nn mmmmm nn mmmmm nnnn mm nnnnnn mmm nnn mmmm nn mmmmmm nnn mm nnnnn mmm mmm nn mmmmm nnn n mmmmm nnnn mm nnnnnn mmm nnn mmmm nn mmmmmm nnn mm nnnnn mmm mmm nn mmmmm nnnn m mmmmm nnnn mm nnnnnn mmm nnn mmmm nn mmmmmm nnn mm nnnnn mmm mmm nn mmmmm nnnn mm n mmm nn mmmmm nnnn mm nnnnnn mmm nnn mmmm nn mmmmmm nnn mm nnnnn mmm mmm nn mmm mm nn mmmmm nnnn mm nnnnnn mmm nnn mmmm nn mmmmmm nnn mm nnnnn mmm mmm nn mmmmm m nn mmmmm nnnn mm nnnnnn mmm nnn mmmm nn mmmmmm nnn mm nnnnn mmm mmm nn mmmmm nnn nn mmmmm nnnn mm nnnnnn mmm nnn mmmm nn mmmmmm nnn mm nnnnn mmm mmm nn mmmmm nnnn m nn mmmmm nnnn mm nnnnnn mmm nnn mmmm nn mmmmmm nnn mm nnnnn mmm mmm nn mmmmm nnnn mm n n mmmmm nnnn mm nnnnnn mmm nnn mmmm nn mmmmmm nnn mm nnnnn mmm mmm nn mmm mmmmm nnnn mm nnnnnn mmm nnn mmmm nn mmmmmm nnn mm nnnnn mmm mmm nn mmmmm mmm nn mmmmm nnnn mm nnnnnn mmm nnn mmmm nn mmmmmm nnn mm nnnnn mmm mmm nn mmmmm nnn mm nn mmmmm nnnn mm nnnnnn mmm nnn mmmm nn mmmmmm nnn mm nnnnn mmm mmm nn mmmmm nnnn m m nn mmmmm nnnn mm nnnnnn mmm nnn mmmm nn mmmmmm nnn mm nnnnn mmm mmm nn mmmmm nnnn mm n nn mmmmm nnnn mm nnnnnn mmm nnn mmmm nn mmmmmm nnn mm nnnnn mmm mmm nn mmm nn mmmmm nnnn mm nnnnnn mmm nnn mmmm nn mmmmmm nnn mm nnnnn mmm mmm nn mmmmm n mmmmm nnnn mm nnnnnn mmm nnn mmmm nn mmmmmm nnn mm nnnnn mmm mmm nn mmmmm nnn mmmmm nnnn mm nnnnnn mmm nnn mmmm nn mmmmmm nnn mm nnnnn mmm mmm nn mmmmm nnnn m mmm nn mmmmm nnnn mm nnnnnn mmm nnn mmmm nn mmmmmm nnn mm nnnnn mmm mmm nn mmmmm nnnn mm n mm nn mmmmm nnnn mm nnnnnn mmm nnn mmmm nn mmmmmm nnn mm nnnnn mmm mmm nn mmm m nn mmmmm nnnn mm nnnnnn mmm nnn mmmm nn mmmmmm nnn mm nnnnn mmm mmm nn mmmmm
SLIGHTLY WOUNDED
REMAINING WITH UNIT
mmm nn mmmmm nnnn mm nnnnnn mmm nnn mmmm nn mmmmmm nnn mm nnnnn mmm mmm nn mmm mm nn mmmmm nnnn mm nnnnnn mmm nnn mmmm nn mmmmmm nnn mm nnnnn mmm mmm nn mmmmm m nn mmmmm nnnn mm nnnnnn mmm nnn mmmm nn mmmmmm nnn mm nnnnn mmm mmm nn mmmmm nnn nn mmmmm nnnn mm nnnnnn mmm nnn mmmm nn mmmmmm nnn mm nnnnn mmm mmm nn mmmmm nnnn m nn mmmmm nnnn mm nnnnnn mmm nnn mmmm nn mmmmmm nnn mm nnnnn mmm mmm nn mmmmm nnnn mm n n mmmmm nnnn mm nnnnnn mmm nnn mmmm nn mmmmmm nnn mm nnnnn mmm mmm nn mmm mmmmm nnnn mm nnnnnn mmm nnn mmmm nn mmmmmm nnn mm nnnnn mmm mmm nn mmmmm mmm nn mmmmm nnnn mm nnnnnn mmm nnn mmmm nn mmmmmm nnn mm nnnnn mmm mmm nn mmmmm nnn mm nn mmmmm nnnn mm nnnnnn mmm nnn mmmm nn mmmmmm nnn mm nnnnn mmm mmm nn mmmmm nnnn m m nn mmmmm nnnn mm nnnnnn mmm nnn mmmm nn mmmmmm nnn mm nnnnn mmm mmm nn mmmmm nnnn mm n nn mmmmm nnnn mm nnnnnn mmm nnn mmmm nn mmmmmm nnn mm nnnnn mmm mmm nn mmm nn mmmmm nnnn mm nnnnnn mmm nnn mmmm nn mmmmmm nnn mm nnnnn mmm mmm nn mmmmm n mmmmm nnnn mm nnnnnn mmm nnn mmmm nn mmmmmm nnn mm nnnnn mmm mmm nn mmmmm nnn mmmmm nnnn mm nnnnnn mmm nnn mmmm nn mmmmmm nnn mm nnnnn mmm mmm nn mmmmm nnnn m mmm nn mmmmm nnnn mm nnnnnn mmm nnn mmmm nn mmmmmm nnn mm nnnnn mmm mmm nn mmmmm nnnn mm n mm nn mmmmm nnnn mm nnnnnn mmm nnn mmmm nn mmmmmm nnn mm nnnnn mmm mmm nn mmm m nn mmmmm nnnn mm nnnnnn mmm nnn mmmm nn mmmmmm nnn mm nnnnn mmm mmm nn mmmmm nn mmmmm nnnn mm nnnnnn mmm nnn mmmm nn mmmmmm nnn mm nnnnn mmm mmm nn mmmmm nnn nn mmmmm nnnn mm nnnnnn mmm nnn mmmm nn mmmmmm nnn mm nnnnn mmm mmm nn mmmmm nnnn m n mmmmm nnnn mm nnnnnn mmm nnn mmmm nn mmmmmm nnn mm nnnnn mmm mmm nn mmmmm nnnn mm n mmmmm nnnn mm nnnnnn mmm nnn mmmm nn mmmmmm nnn mm nnnnn mmm mmm nn mmm mmm nn mmmmm nnnn mm nnnnnn mmm nnn mmmm nn mmmmmm nnn mm nnnnn mmm mmm nn mmmmm
REJOINED REGIMENT
mmm nn mmmmm nnnn mm nnnnnn mmm nnn mmmm nn mmmmmm nnn mm nnnnn mmm mmm nn mmm mm nn mmmmm nnnn mm nnnnnn mmm nnn mmmm nn mmmmmm nnn mm nnnnn mmm mmm nn mmmmm m nn mmmmm nnnn mm nnnnnn mmm nnn mmmm nn mmmmmm nnn mm nnnnn mmm mmm nn mmmmm nnn nn mmmmm nnnn mm nnnnnn mmm nnn mmmm nn mmmmmm nnn mm nnnnn mmm mmm nn mmmmm nnnn m nn mmmmm nnnn mm nnnnnn mmm nnn mmmm nn mmmmmm nnn mm nnnnn mmm mmm nn mmmmm nnnn mm n n mmmmm nnnn mm nnnnnn mmm nnn mmmm nn mmmmmm nnn mm nnnnn mmm mmm nn mmm mmmmm nnnn mm nnnnnn mmm nnn mmmm nn mmmmmm nnn mm nnnnn mmm mmm nn mmmmm mmm nn mmmmm nnnn mm nnnnnn mmm nnn mmmm nn mmmmmm nnn mm nnnnn mmm mmm nn mmmmm nnn mm nn mmmmm nnnn mm nnnnnn mmm nnn mmmm nn mmmmmm nnn mm nnnnn mmm mmm nn mmmmm nnnn m m nn mmmmm nnnn mm nnnnnn mmm nnn mmmm nn mmmmmm nnn mm nnnnn mmm mmm nn mmmmm nnnn mm n nn mmmmm nnnn mm nnnnnn mmm nnn mmmm nn mmmmmm nnn mm nnnnn mmm mmm nn mmm nn mmmmm nnnn mm nnnnnn mmm nnn mmmm nn mmmmmm nnn mm nnnnn mmm mmm nn mmmmm
PREVIOUSLY REPORTED WOUNDED, NOT REPORTED NOT WOUNDED
mmm nn mmmmm nnnn mm nnnnnn mmm nnn mmmm nn mmmmmm nnn mm nnnnn mmm mmm nn mmm mm nn mmmmm nnnn mm nnnnnn mmm nnn mmmm nn mmmmmm nnn mm nnnnn mmm mmm nn mmmmm m nn mmmmm nnnn mm nnnnnn mmm nnn mmmm nn mmmmmm nnn mm nnnnn mmm mmm nn mmmmm nnn nn mmmmm nnnn mm nnnnnn mmm nnn mmmm nn mmmmmm nnn mm nnnnn mmm mmm nn mmmmm nnnn m nn mmmmm nnnn mm nnnnnn mmm nnn mmmm nn mmmmmm nnn mm nnnnn mmm mmm nn mmmmm nnnn mm n n mmmmm nnnn mm nnnnnn mmm nnn mmmm nn mmmmmm nnn mm nnnnn mmm mmm nn mmm mmmmm nnnn mm nnnnnn mmm nnn mmmm nn mmmmmm nnn mm nnnnn mmm mmm nn mmmmm mmm nn mmmmm nnnn mm nnnnnn mmm nnn mmmm nn mmmmmm nnn mm nnnnn mmm mmm nn mmmmm nnn
HOSPITAL AND PROGRESS REPORT
mmm nn mmmmm nnnn mm nnnnnn mmm nnn mmmm nn mmmmmm nnn mm nnnnn mmm mmm nn mmm mm nn mmmmm nnnn mm nnnnnn mmm nnn mmmm nn mmmmmm nnn mm nnnnn mmm mmm nn mmmmm m nn mmmmm nnnn mm nnnnnn mmm nnn mmmm nn mmmmmm nnn mm nnnnn mmm mmm nn mmmmm nnn nn mmmmm nnnn mm nnnnnn mmm nnn mmmm nn mmmmmm nnn mm nnnnn mmm mmm nn mmmmm nnnn m nn mmmmm nnnn mm nnnnnn mmm nnn mmmm nn mmmmmm nnn mm nnnnn mmm mmm nn mmmmm nnnn mm n n mmmmm nnnn mm nnnnnn mmm nnn mmmm nn mmmmmm nnn mm nnnnn mmm mmm nn mmm mmmmm nnnn mm nnnnnn mmm nnn mmmm nn mmmmmm nnn mm nnnnn mmm mmm nn mmmmm mmm nn mmmmm nnnn mm nnnnnn mmm nnn mmmm nn mmmmmm nnn mm nnnnn mmm mmm nn mmmmm nnn mm nn mmmmm nnnn mm nnnnnn mmm nnn mmmm nn mmmmmm nnn mm nnnnn mmm mmm nn mmmmm nnnn m m nn mmmmm nnnn mm nnnnnn mmm nnn mmmm nn mmmmmm nnn mm nnnnn mmm mmm nn mmmmm nnnn mm n nn mmmmm nnnn mm nnnnnn mmm nnn mmmm nn mmmmmm nnn mm nnnnn mmm mmm nn mmm nn mmmmm nnnn mm nnnnnn mmm nnn mmmm nn mmmmmm nnn mm nnnnn mmm mmm nn mmmmm n mmmmm nnnn mm nnnnnn mmm nnn mmmm nn mmmmmm nnn mm nnnnn mmm mmm nn mmmmm nnn mmmmm nnnn mm nnnnnn mmm nnn mmmm nn mmmmmm nnn mm nnnnn mmm mmm nn mmmmm nnnn m mmm nn mmmmm nnnn mm nnnnnn mmm nnn mmmm nn mmmmmm nnn mm nnnnn mmm mmm nn mmmmm nnnn mm n mm nn mmmmm nnnn mm nnnnnn mmm nnn mmmm nn mmmmmm nnn mm nnnnn mmm mmm nn mmm m nn mmmmm nnnn mm nnnnnn mmm nnn mmmm nn mmmmmm nnn mm nnnnn mmm mmm nn mmmmm nn mmmmm nnnn mm nnnnnn mmm nnn mmmm nn mmmmmm nnn mm nnnnn mmm mmm nn mmmmm nnn nn mmmmm nnnn mm nnnnnn mmm nnn mmmm nn mmmmmm nnn mm nnnnn mmm mmm nn mmmmm nnnn m n mmmmm nnnn mm nnnnnn mmm nnn mmmm nn mmmmmm nnn mm nnnnn mmm mmm nn mmmmm nnnn mm n mmmmm nnnn mm nnnnnn mmm nnn mmmm nn mmmmmm nnn mm nnnnn mmm mmm nn mmm mmm nn mmmmm nnnn mm nnnnnn mmm nnn mmmm nn mmmmmm nnn mm nnnnn mmm mmm nn mmmmm mm nn mmmmm nnnn mm nnnnnn mmm nnn mmmm nn mmmmmm nnn mm nnnnn mmm mmm nn mmmmm nnn m nn mmmmm nnnn mm nnnnnn mmm nnn mmmm nn mmmmmm nnn mm nnnnn mmm mmm nn mmmmm nnnn m nn mmmmm nnnn mm nnnnnn mmm nnn mmmm nn mmmmmm nnn mm nnnnn mmm mmm nn mmmmm nnnn mm n nn mmmmm nnnn mm nnnnnn mmm nnn mmmm nn mmmmmm nnn mm nnnnn mmm mmm nn mmm n mmmmm nnnn mm nnnnnn mmm nnn mmmm nn mmmmmm nnn mm nnnnn mmm mmm nn mmmmm mmmmm nnnn mm nnnnnn mmm nnn mmmm nn mmmmmm nnn mm nnnnn mmm mmm nn mmmmm nnn mmm nn mmmmm nnnn mm nnnnnn mmm nnn mmmm nn mmmmmm nnn mm nnnnn mmm mmm nn mmmmm nnnn m mm nn mmmmm nnnn mm nnnnnn mmm nnn mmmm nn mmmmmm nnn mm nnnnn mmm mmm nn mmmmm nnnn mm n m nn mmmmm nnnn mm nnnnnn mmm nnn mmmm nn mmmmmm nnn mm nnnnn mmm mmm nn mmm nn mmmmm nnnn mm nnnnnn mmm nnn mmmm nn mmmmmm nnn mm nnnnn mmm mmm nn mmmmm nn mmmmm nnnn mm nnnnnn mmm nnn mmmm nn mmmmmm nnn mm nnnnn mmm mmm nn mmmmm nnn n mmmmm nnnn mm nnnnnn mmm nnn mmmm nn mmmmmm nnn mm nnnnn mmm mmm nn mmmmm nnnn m mmmmm nnnn mm nnnnnn mmm nnn mmmm nn mmmmmm nnn mm nnnnn mmm mmm nn mmmmm nnnn mm n mmm nn mmmmm nnnn mm nnnnnn mmm nnn mmmm nn mmmmmm nnn mm nnnnn mmm mmm nn mmm mm nn mmmmm nnnn mm nnnnnn mmm nnn mmmm nn mmmmmm nnn mm nnnnn mmm mmm nn mmmmm m nn mmmmm nnnn mm nnnnnn mmm nnn mmmm nn mmmmmm nnn mm nnnnn mmm mmm nn mmmmm nnn nn mmmmm nnnn mm nnnnnn mmm nnn mmmm nn mmmmmm nnn mm nnnnn mmm mmm nn mmmmm nnnn m nn mmmmm nnnn mm nnnnnn mmm nnn mmmm nn mmmmmm nnn mm nnnnn mmm mmm nn mmmmm nnnn mm n n mmmmm nnnn mm nnnnnn mmm nnn mmmm nn mmmmmm nnn mm nnnnn mmm mmm nn mmm mmmmm nnnn mm nnnnnn mmm nnn mmmm nn mmmmmm nnn mm nnnnn mmm mmm nn mmmmm mmm nn mmmmm nnnn mm nnnnnn mmm nnn mmmm nn mmmmmm nnn mm nnnnn mmm mmm nn mmmmm nnn mm nn mmmmm nnnn mm nnnnnn mmm nnn mmmm nn mmmmmm nnn mm nnnnn mmm mmm nn mmmmm nnnn m m nn mmmmm nnnn mm nnnnnn mmm nnn mmmm nn mmmmmm nnn mm nnnnn mmm mmm nn mmmmm nnnn mm n nn mmmmm nnnn mm nnnnnn mmm nnn mmmm nn mmmmmm nnn mm nnnnn mmm mmm nn mmm nn mmmmm nnnn mm nnnnnn mmm nnn mmmm nn mmmmmm nnn mm nnnnn mmm mmm nn mmmmm n mmmmm nnnn mm nnnnnn mmm nnn mmmm nn mmmmmm nnn mm nnnnn mmm mmm nn mmmmm nnn mmmmm nnnn mm nnnnnn mmm nnn mmmm nn mmmmmm nnn mm nnnnn mmm mmm nn mmmmm nnnn m mmm nn mmmmm nnnn mm nnnnnn mmm nnn mmmm nn mmmmmm nnn mm nnnnn mmm mmm nn mmmmm nnnn mm n mm nn mmmmm nnnn mm nnnnnn mmm nnn mmmm nn mmmmmm nnn mm nnnnn mmm mmm nn mmm m nn mmmmm nnnn mm nnnnnn mmm nnn mmmm nn mmmmmm nnn mm nnnnn mmm mmm nn mmmmm nn mmmmm nnnn mm nnnnnn mmm nnn mmmm nn mmmmmm nnn mm nnnnn mmm mmm nn mmmmm nnn nn mmmmm nnnn mm nnnnnn mmm nnn mmmm nn mmmmmm nnn mm nnnnn mmm mmm nn mmmmm nnnn m n mmmmm nnnn mm nnnnnn mmm nnn mmmm nn mmmmmm nnn mm nnnnn mmm mmm nn mmmmm nnnn mm n mmmmm nnnn mm nnnnnn mmm nnn mmmm nn mmmmmm nnn mm nnnnn mmm mmm nn mmm mmm nn mmmmm nnnn mm nnnnnn mmm nnn mmmm nn mmmmmm nnn mm nnnnn mmm mmm nn mmmmm mm nn mmmmm nnnn mm nnnnnn mmm nnn mmmm nn mmmmmm nnn mm nnnnn mmm mmm nn mmmmm nnn m nn mmmmm nnnn mm nnnnnn mmm nnn mmmm nn mmmmmm nnn mm nnnnn mmm mmm nn mmmmm nnnn m nn mmmmm nnnn mm nnnnnn mmm nnn mmmm nn mmmmmm nnn mm nnnnn mmm mmm nn mmmmm nnnn mm n nn mmmmm nnnn mm nnnnnn mmm nnn mmmm nn mmmmmm nnn mm nnnnn mmm mmm nn mmm n mmmmm nnnn mm nnnnnn mmm nnn mmmm nn mmmmmm nnn mm nnnnn mmm mmm nn mmmmm mmmmm nnnn mm nnnnnn mmm nnn mmmm nn mmmmmm nnn mm nnnnn mmm mmm nn mmmmm nnn mmm nn mmmmm nnnn mm nnnnnn mmm nnn mmmm nn mmmmmm nnn mm nnnnn mmm mmm nn mmmmm nnnn m mm nn mmmmm nnnn mm nnnnnn mmm nnn mmmm nn mmmmmm nnn mm nnnnn mmm mmm nn mmmmm nnnn mm n m nn mmmmm nnnn mm nnnnnn mmm nnn mmmm nn mmmmmm nnn mm nnnnn mmm mmm nn mmm nn mmmmm nnnn mm nnnnnn mmm nnn mmmm nn mmmmmm nnn mm nnnnn mmm mmm nn mmmmm nn mmmmm nnnn mm nnnnnn mmm nnn mmmm nn mmmmmm nnn mm nnnnn mmm mmm nn mmmmm nnn n mmmmm nnnn mm nnnnnn mmm nnn mmmm nn mmmmmm nnn mm nnnnn mmm mmm nn mmmmm nnnn m mmmmm nnnn mm nnnnnn mmm nnn mmmm nn mmmmmm nnn mm nnnnn mmm mmm nn mmmmm nnnn mm n
MAORI CONTINGENT
WOUNDED
mmm nn mmmmm nnnn mm nnnnnn mmm nnn mmmm nn mmmmmm nnn mm nnnnn mmm mmm nn mmm mm nn mmmmm nnnn mm nnnnnn mmm nnn mmmm nn mmmmmm nnn mm nnnnn mmm mmm nn mmmmm m nn mmmmm nnnn mm nnnnnn mmm nnn mmmm nn mmmmmm nnn mm nnnnn mmm mmm nn mmmmm nnn nn mmmmm nnnn mm nnnnnn mmm nnn mmmm nn mmmmmm nnn mm nnnnn mmm mmm nn mmmmm nnnn m nn mmmmm nnnn mm nnnnnn mmm nnn mmmm nn mmmmmm nnn mm nnnnn mmm mmm nn mmmmm nnnn mm n n mmmmm nnnn mm nnnnnn mmm nnn mmmm nn mmmmmm nnn mm nnnnn mmm mmm nn mmm mmmmm nnnn mm nnnnnn mmm nnn mmmm nn mmmmmm nnn mm nnnnn mmm mmm nn mmmmm mmm nn mmmmm nnnn mm nnnnnn mmm nnn mmmm nn mmmmmm nnn mm nnnnn mmm mmm nn mmmmm nnn
CAMP APPOINTMENTS
mmm nn mmmmm nnnn mm nnnnnn mmm nnn mmmm nn mmmmmm nnn mm nnnnn mmm mmm nn mmm mm nn mmmmm nnnn mm nnnnnn mmm nnn mmmm nn mmmmmm nnn mm nnnnn mmm mmm nn mmmmm m nn mmmmm nnnn mm nnnnnn mmm nnn mmmm nn mmmmmm nnn mm nnnnn mmm mmm nn mmmmm nnn nn mmmmm nnnn mm nnnnnn mmm nnn mmmm nn mmmmmm nnn mm nnnnn mmm mmm nn mmmmm nnnn m nn mmmmm nnnn mm nnnnnn mmm nnn mmmm nn mmmmmm nnn mm nnnnn mmm mmm nn mmmmm nnnn mm n n mmmmm nnnn mm nnnnnn mmm nnn mmmm nn mmmmmm nnn mm nnnnn mmm mmm nn mmm mmmmm nnnn mm nnnnnn mmm nnn mmmm nn mmmmmm nnn mm nnnnn mmm mmm nn mmmmm mmm nn mmmmm nnnn mm nnnnnn mmm nnn mmmm nn mmmmmm nnn mm nnnnn mmm mmm nn mmmmm nnn mm nn mmmmm nnnn mm nnnnnn mmm nnn mmmm nn mmmmmm nnn mm nnnnn mmm mmm nn mmmmm nnnn m m nn mmmmm nnnn mm nnnnnn mmm nnn mmmm nn mmmmmm nnn mm nnnnn mmm mmm nn mmmmm nnnn mm n nn mmmmm nnnn mm nnnnnn mmm nnn mmmm nn mmmmmm nnn mm nnnnn mmm mmm nn mmm nn mmmmm nnnn mm nnnnnn mmm nnn mmmm nn mmmmmm nnn mm nnnnn mmm mmm nn mmmmm n mmmmm nnnn mm nnnnnn mmm nnn mmmm nn mmmmmm nnn mm nnnnn mmm mmm nn mmmmm nnn mmmmm nnnn mm nnnnnn mmm nnn mmmm nn mmmmmm nnn mm nnnnn mmm mmm nn mmmmm nnnn m mmm nn mmmmm nnnn mm nnnnnn mmm nnn mmmm nn mmmmmm nnn mm nnnnn mmm mmm nn mmmmm nnnn mm n mm nn mmmmm nnnn mm nnnnnn mmm nnn mmmm nn mmmmmm nnn mm nnnnn mmm mmm nn mmm m nn mmmmm nnnn mm nnnnnn mmm nnn mmmm nn mmmmmm nnn mm nnnnn mmm mmm nn mmmmm nn mmmmm nnnn mm nnnnnn mmm nnn mmmm nn mmmmmm nnn mm nnnnn mmm mmm nn mmmmm nnn nn mmmmm nnnn mm nnnnnn mmm nnn mmmm nn mmmmmm nnn mm nnnnn mmm mmm nn mmmmm nnnn m n mmmmm nnnn mm nnnnnn mmm nnn mmmm nn mmmmmm nnn mm nnnnn mmm mmm nn mmmmm nnnn mm n mmmmm nnnn mm nnnnnn mmm nnn mmmm nn mmmmmm nnn mm nnnnn mmm mmm nn mmm mmm nn mmmmm nnnn mm nnnnnn mmm nnn mmmm nn mmmmmm nnn mm nnnnn mmm mmm nn mmmmm mm nn mmmmm nnnn mm nnnnnn mmm nnn mmmm nn mmmmmm nnn mm nnnnn mmm mmm nn mmmmm nnn m nn mmmmm nnnn mm nnnnnn mmm nnn mmmm nn mmmmmm nnn mm nnnnn mmm mmm nn mmmmm nnnn m nn mmmmm nnnn mm nnnnnn mmm nnn mmmm nn mmmmmm nnn mm nnnnn mmm mmm nn mmmmm nnnn mm n nn mmmmm nnnn mm nnnnnn mmm nnn mmmm nn mmmmmm nnn mm nnnnn mmm mmm nn mmm n mmmmm nnnn mm nnnnnn mmm nnn mmmm nn mmmmmm nnn mm nnnnn mmm mmm nn mmmmm mmmmm nnnn mm nnnnnn mmm nnn mmmm nn mmmmmm nnn mm nnnnn mmm mmm nn mmmmm nnn
HOME ECONOMY
MAKING BEST COUGH SYRUP
mmm nn mmmmm nnnn mm nnnnnn mmm nnn mmmm nn mmmmmm nnn mm nnnnn mmm mmm nn mmm mm nn mmmmm nnnn mm nnnnnn mmm nnn mmmm nn mmmmmm nnn mm nnnnn mmm mmm nn mmmmm m nn mmmmm nnnn mm nnnnnn mmm nnn mmmm nn mmmmmm nnn mm nnnnn mmm mmm nn mmmmm nnn nn mmmmm nnnn mm nnnnnn mmm nnn mmmm nn mmmmmm nnn mm nnnnn mmm mmm nn mmmmm nnnn m nn mmmmm nnnn mm nnnnnn mmm nnn mmmm nn mmmmmm nnn mm nnnnn mmm mmm nn mmmmm nnnn mm n n mmmmm nnnn mm nnnnnn mmm nnn mmmm nn mmmmmm nnn mm nnnnn mmm mmm nn mmm mmmmm nnnn mm nnnnnn mmm nnn mmmm nn mmmmmm nnn mm nnnnn mmm mmm nn mmmmm mmm nn mmmmm nnnn mm nnnnnn mmm nnn mmmm nn mmmmmm nnn mm nnnnn mmm mmm nn mmmmm nnn mm nn mmmmm nnnn mm nnnnnn mmm nnn mmmm nn mmmmmm nnn mm nnnnn mmm mmm nn mmmmm nnnn m m nn mmmmm nnnn mm nnnnnn mmm nnn mmmm nn mmmmmm nnn mm nnnnn mmm mmm nn mmmmm nnnn mm n nn mmmmm nnnn mm nnnnnn mmm nnn mmmm nn mmmmmm nnn mm nnnnn mmm mmm nn mmm nn mmmmm nnnn mm nnnnnn mmm nnn mmmm nn mmmmmm nnn mm nnnnn mmm mmm nn mmmmm n mmmmm nnnn mm nnnnnn mmm nnn mmmm nn mmmmmm nnn mm nnnnn mmm mmm nn mmmmm nnn mmmmm nnnn mm nnnnnn mmm nnn mmmm nn mmmmmm nnn mm nnnnn mmm mmm nn mmmmm nnnn m mmm nn mmmmm nnnn mm nnnnnn mmm nnn mmmm nn mmmmmm nnn mm nnnnn mmm mmm nn mmmmm nnnn mm n mm nn mmmmm nnnn mm nnnnnn mmm nnn mmmm nn mmmmmm nnn mm nnnnn mmm mmm nn mmm m nn mmmmm nnnn mm nnnnnn mmm nnn mmmm nn mmmmmm nnn mm nnnnn mmm mmm nn mmmmm nn mmmmm nnnn mm nnnnnn mmm nnn mmmm nn mmmmmm nnn mm nnnnn mmm mmm nn mmmmm nnn nn mmmmm nnnn mm nnnnnn mmm nnn mmmm nn mmmmmm nnn mm nnnnn mmm mmm nn mmmmm nnnn m n mmmmm nnnn mm nnnnnn mmm nnn mmmm nn mmmmmm nnn mm nnnnn mmm mmm nn mmmmm nnnn mm n mmmmm nnnn mm nnnnnn mmm nnn mmmm nn mmmmmm nnn mm nnnnn mmm mmm nn mmm mmm nn mmmmm nnnn mm nnnnnn mmm nnn mmmm nn mmmmmm nnn mm nnnnn mmm mmm nn mmmmm mm nn mmmmm nnnn mm nnnnnn mmm nnn mmmm nn mmmmmm nnn mm nnnnn mmm mmm nn mmmmm nnn m nn mmmmm nnnn mm nnnnnn mmm nnn mmmm nn mmmmmm nnn mm nnnnn mmm mmm nn mmmmm nnnn m nn mmmmm nnnn mm nnnnnn mmm nnn mmmm nn mmmmmm nnn mm nnnnn mmm mmm nn mmmmm nnnn mm n nn mmmmm nnnn mm nnnnnn mmm nnn mmmm nn mmmmmm nnn mm nnnnn mmm mmm nn mmm n mmmmm nnnn mm nnnnnn mmm nnn mmmm nn mmmmmm nnn mm nnnnn mmm mmm nn mmmmm mmmmm nnnn mm nnnnnn mmm nnn mmmm nn mmmmmm nnn mm nnnnn mmm mmm nn mmmmm nnn mmm nn mmmmm nnnn mm nnnnnn mmm nnn mmmm nn mmmmmm nnn mm nnnnn mmm mmm nn mmmmm nnnn m mm nn mmmmm nnnn mm nnnnnn mmm nnn mmmm nn mmmmmm nnn mm nnnnn mmm mmm nn mmmmm nnnn mm n
A FAMOUS BATTERY
BIG REUNION
COMPLIMENT TO MAJOR PETHERICK
mmm nn mmmmm nnnn mm nnnnnn mmm nnn mmmm nn mmmmmm nnn mm nnnnn mmm mmm nn mmm mm nn mmmmm nnnn mm nnnnnn mmm nnn mmmm nn mmmmmm nnn mm nnnnn mmm mmm nn mmmmm m nn mmmmm nnnn mm nnnnnn mmm nnn mmmm nn mmmmmm nnn mm nnnnn mmm mmm nn mmmmm nnn nn mmmmm nnnn mm nnnnnn mmm nnn mmmm nn mmmmmm nnn mm nnnnn mmm mmm nn mmmmm nnnn m nn mmmmm nnnn mm nnnnnn mmm nnn mmmm nn mmmmmm nnn mm nnnnn mmm mmm nn mmmmm nnnn mm n n mmmmm nnnn mm nnnnnn mmm nnn mmmm nn mmmmmm nnn mm nnnnn mmm mmm nn mmm mmmmm nnnn mm nnnnnn mmm nnn mmmm nn mmmmmm nnn mm nnnnn mmm mmm nn mmmmm mmm nn mmmmm nnnn mm nnnnnn mmm nnn mmmm nn mmmmmm nnn mm nnnnn mmm mmm nn mmmmm nnn mm nn mmmmm nnnn mm nnnnnn mmm nnn mmmm nn mmmmmm nnn mm nnnnn mmm mmm nn mmmmm nnnn m m nn mmmmm nnnn mm nnnnnn mmm nnn mmmm nn mmmmmm nnn mm nnnnn mmm mmm nn mmmmm nnnn mm n nn mmmmm nnnn mm nnnnnn mmm nnn mmmm nn mmmmmm nnn mm nnnnn mmm mmm nn mmm nn mmmmm nnnn mm nnnnnn mmm nnn mmmm nn mmmmmm nnn mm nnnnn mmm mmm nn mmmmm n mmmmm nnnn mm nnnnnn mmm nnn mmmm nn mmmmmm nnn mm nnnnn mmm mmm nn mmmmm nnn mmmmm nnnn mm nnnnnn mmm nnn mmmm nn mmmmmm nnn mm nnnnn mmm mmm nn mmmmm nnnn m mmm nn mmmmm nnnn mm nnnnnn mmm nnn mmmm nn mmmmmm nnn mm nnnnn mmm mmm nn mmmmm nnnn mm n mm nn mmmmm nnnn mm nnnnnn mmm nnn mmmm nn mmmmmm nnn mm nnnnn mmm mmm nn mmm m nn mmmmm nnnn mm nnnnnn mmm nnn mmmm nn mmmmmm nnn mm nnnnn mmm mmm nn mmmmm nn mmmmm nnnn mm nnnnnn mmm nnn mmmm nn mmmmmm nnn mm nnnnn mmm mmm nn mmmmm nnn nn mmmmm nnnn mm nnnnnn mmm nnn mmmm nn mmmmmm nnn mm nnnnn mmm mmm nn mmmmm nnnn m n mmmmm nnnn mm nnnnnn mmm nnn mmmm nn mmmmmm nnn mm nnnnn mmm mmm nn mmmmm nnnn mm n mmmmm nnnn mm nnnnnn mmm nnn mmmm nn mmmmmm nnn mm nnnnn mmm mmm nn mmm mmm nn mmmmm nnnn mm nnnnnn mmm nnn mmmm nn mmmmmm nnn mm nnnnn mmm mmm nn mmmmm mm nn mmmmm nnnn mm nnnnnn mmm nnn mmmm nn mmmmmm nnn mm nnnnn mmm mmm nn mmmmm nnn m nn mmmmm nnnn mm nnnnnn mmm nnn mmmm nn mmmmmm nnn mm nnnnn mmm mmm nn mmmmm nnnn m nn mmmmm nnnn mm nnnnnn mmm nnn mmmm nn mmmmmm nnn mm nnnnn mmm mmm nn mmmmm nnnn mm n nn mmmmm nnnn mm nnnnnn mmm nnn mmmm nn mmmmmm nnn mm nnnnn mmm mmm nn mmm n mmmmm nnnn mm nnnnnn mmm nnn mmmm nn mmmmmm nnn mm nnnnn mmm mmm nn mmmmm mmmmm nnnn mm nnnnnn mmm nnn mmmm nn mmmmmm nnn mm nnnnn mmm mmm nn mmmmm nnn mmm nn mmmmm nnnn mm nnnnnn mmm nnn mmmm nn mmmmmm nnn mm nnnnn mmm mmm nn mmmmm nnnn m mm nn mmmmm nnnn mm nnnnnn mmm nnn mmmm nn mmmmmm nnn mm nnnnn mmm mmm nn mmmmm nnnn mm n m nn mmmmm nnnn mm nnnnnn mmm nnn mmmm nn mmmmmm nnn mm nnnnn mmm mmm nn mmm nn mmmmm nnnn mm nnnnnn mmm nnn mmmm nn mmmmmm nnn mm nnnnn mmm mmm nn mmmmm nn mmmmm nnnn mm nnnnnn mmm nnn mmmm nn mmmmmm nnn mm nnnnn mmm mmm nn mmmmm nnn n mmmmm nnnn mm nnnnnn mmm nnn mmmm nn mmmmmm nnn mm nnnnn mmm mmm nn mmmmm nnnn m mmmmm nnnn mm nnnnnn mmm nnn mmmm nn mmmmmm nnn mm nnnnn mmm mmm nn mmmmm nnnn mm n mmm nn mmmmm nnnn mm nnnnnn mmm nnn mmmm nn mmmmmm nnn mm nnnnn mmm mmm nn mmm mm nn mmmmm nnnn mm nnnnnn mmm nnn mmmm nn mmmmmm nnn mm nnnnn mmm mmm nn mmmmm m nn mmmmm nnnn mm nnnnnn mmm nnn mmmm nn mmmmmm nnn mm nnnnn mmm mmm nn mmmmm nnn nn mmmmm nnnn mm nnnnnn mmm nnn mmmm nn mmmmmm nnn mm nnnnn mmm mmm nn mmmmm nnnn m nn mmmmm nnnn mm nnnnnn mmm nnn mmmm nn mmmmmm nnn mm nnnnn mmm mmm nn mmmmm nnnn mm n n mmmmm nnnn mm nnnnnn mmm nnn mmmm nn mmmmmm nnn mm nnnnn mmm mmm nn mmm mmmmm nnnn mm nnnnnn mmm nnn mmmm nn mmmmmm nnn mm nnnnn mmm mmm nn mmmmm mmm nn mmmmm nnnn mm nnnnnn mmm nnn mmmm nn mmmmmm nnn mm nnnnn mmm mmm nn mmmmm nnn mm nn mmmmm nnnn mm nnnnnn mmm nnn mmmm nn mmmmmm nnn mm nnnnn mmm mmm nn mmmmm nnnn m m nn mmmmm nnnn mm nnnnnn mmm nnn mmmm nn mmmmmm nnn mm nnnnn mmm mmm nn mmmmm nnnn mm n nn mmmmm nnnn mm nnnnnn mmm nnn mmmm nn mmmmmm nnn mm nnnnn mmm mmm nn mmm nn mmmmm nnnn mm nnnnnn mmm nnn mmmm nn mmmmmm nnn mm nnnnn mmm mmm nn mmmmm n mmmmm nnnn mm nnnnnn mmm nnn mmmm nn mmmmmm nnn mm nnnnn mmm mmm nn mmmmm nnn mmmmm nnnn mm nnnnnn mmm nnn mmmm nn mmmmmm nnn mm nnnnn mmm mmm nn mmmmm nnnn m mmm nn mmmmm nnnn mm nnnnnn mmm nnn mmmm nn mmmmmm nnn mm nnnnn mmm mmm nn mmmmm nnnn mm n mm nn mmmmm nnnn mm nnnnnn mmm nnn mmmm nn mmmmmm nnn mm nnnnn mmm mmm nn mmm m nn mmmmm nnnn mm nnnnnn mmm nnn mmmm nn mmmmmm nnn mm nnnnn mmm mmm nn mmmmm nn mmmmm nnnn mm nnnnnn mmm nnn mmmm nn mmmmmm nnn mm nnnnn mmm mmm nn mmmmm nnn nn mmmmm nnnn mm nnnnnn mmm nnn mmmm nn mmmmmm nnn mm nnnnn mmm mmm nn mmmmm nnnn m n mmmmm nnnn mm nnnnnn mmm nnn mmmm nn mmmmmm nnn mm nnnnn mmm mmm nn mmmmm nnnn mm n mmmmm nnnn mm nnnnnn mmm nnn mmmm nn mmmmmm nnn mm nnnnn mmm mmm nn mmm mmm nn mmmmm nnnn mm nnnnnn mmm nnn mmmm nn mmmmmm nnn mm nnnnn mmm mmm nn mmmmm mm nn mmmmm nnnn mm nnnnnn mmm nnn mmmm nn mmmmmm nnn mm nnnnn mmm mmm nn mmmmm nnn m nn mmmmm nnnn mm nnnnnn mmm nnn mmmm nn mmmmmm nnn mm nnnnn mmm mmm nn mmmmm nnnn m nn mmmmm nnnn mm nnnnnn mmm nnn mmmm nn mmmmmm nnn mm nnnnn mmm mmm nn mmmmm nnnn mm n nn mmmmm nnnn mm nnnnnn mmm nnn mmmm nn mmmmmm nnn mm nnnnn mmm mmm nn mmm n mmmmm nnnn mm nnnnnn mmm nnn mmmm nn mmmmmm nnn mm nnnnn mmm mmm nn mmmmm mmmmm nnnn mm nnnnnn mmm nnn mmmm nn mmmmmm nnn mm nnnnn mmm mmm nn mmmmm nnn mmm nn mmmmm nnnn mm nnnnnn mmm nnn mmmm nn mmmmmm nnn mm nnnnn mmm mmm nn mmmmm nnnn m mm nn mmmmm nnnn mm nnnnnn mmm nnn mmmm nn mmmmmm nnn mm nnnnn mmm mmm nn mmmmm nnnn mm n m nn mmmmm nnnn mm nnnnnn mmm nnn mmmm nn mmmmmm nnn mm nnnnn mmm mmm nn mmm nn mmmmm nnnn mm nnnnnn mmm nnn mmmm nn mmmmmm nnn mm nnnnn mmm mmm nn mmmmm nn mmmmm nnnn mm nnnnnn mmm nnn mmmm nn mmmmmm nnn mm nnnnn mmm mmm nn mmmmm nnn n mmmmm nnnn mm nnnnnn mmm nnn mmmm nn mmmmmm nnn mm nnnnn mmm mmm nn mmmmm nnnn m mmmmm nnnn mm nnnnnn mmm nnn mmmm nn mmmmmm nnn mm nnnnn mmm mmm nn mmmmm nnnn mm n mmm nn mmmmm nnnn mm nnnnnn mmm nnn mmmm nn mmmmmm nnn mm nnnnn mmm mmm nn mmm mm nn mmmmm nnnn mm nnnnnn mmm nnn mmmm nn mmmmmm nnn mm nnnnn mmm mmm nn mmmmm m nn mmmmm nnnn mm nnnnnn mmm nnn mmmm nn mmmmmm nnn mm nnnnn mmm mmm nn mmmmm nnn nn mmmmm nnnn mm nnnnnn mmm nnn mmmm nn mmmmmm nnn mm nnnnn mmm mmm nn mmmmm nnnn m nn mmmmm nnnn mm nnnnnn mmm nnn mmmm nn mmmmmm nnn mm nnnnn mmm mmm nn mmmmm nnnn mm n n mmmmm nnnn mm nnnnnn mmm nnn mmmm nn mmmmmm nnn mm nnnnn mmm mmm nn mmm mmmmm nnnn mm nnnnnn mmm nnn mmmm nn mmmmmm nnn mm nnnnn mmm mmm nn mmmmm mmm nn mmmmm nnnn mm nnnnnn mmm nnn mmmm nn mmmmmm nnn mm nnnnn mmm mmm nn mmmmm nnn mm nn mmmmm nnnn mm nnnnnn mmm nnn mmmm nn mmmmmm nnn mm nnnnn mmm mmm nn mmmmm nnnn m m nn mmmmm nnnn mm nnnnnn mmm nnn mmmm nn mmmmmm nnn mm nnnnn mmm mmm nn mmmmm nnnn mm n nn mmmmm nnnn mm nnnnnn mmm nnn mmmm nn mmmmmm nnn mm nnnnn mmm mmm nn mmm nn mmmmm nnnn mm nnnnnn mmm nnn mmmm nn mmmmmm nnn mm nnnnn mmm mmm nn mmmmm n mmmmm nnnn mm nnnnnn mmm nnn mmmm nn mmmmmm nnn mm nnnnn mmm mmm nn mmmmm nnn mmmmm nnnn mm nnnnnn mmm nnn mmmm nn mmmmmm nnn mm nnnnn mmm mmm nn mmmmm nnnn m mmm nn mmmmm nnnn mm nnnnnn mmm nnn mmmm nn mmmmmm nnn mm nnnnn mmm mmm nn mmmmm nnnn mm n mm nn mmmmm nnnn mm nnnnnn mmm nnn mmmm nn mmmmmm nnn mm nnnnn mmm mmm nn mmm m nn mmmmm nnnn mm nnnnnn mmm nnn mmmm nn mmmmmm nnn mm nnnnn mmm mmm nn mmmmm nn mmmmm nnnn mm nnnnnn mmm nnn mmmm nn mmmmmm nnn mm nnnnn mmm mmm nn mmmmm nnn nn mmmmm nnnn mm nnnnnn mmm nnn mmmm nn mmmmmm nnn mm nnnnn mmm mmm nn mmmmm nnnn m n mmmmm nnnn mm nnnnnn mmm nnn mmmm nn mmmmmm nnn mm nnnnn mmm mmm nn mmmmm nnnn mm n mmmmm nnnn mm nnnnnn mmm nnn mmmm nn mmmmmm nnn mm nnnnn mmm mmm nn mmm mmm nn mmmmm nnnn mm nnnnnn mmm nnn mmmm nn mmmmmm nnn mm nnnnn mmm mmm nn mmmmm mm nn mmmmm nnnn mm nnnnnn mmm nnn mmmm nn mmmmmm nnn mm nnnnn mmm mmm nn mmmmm nnn m nn mmmmm nnnn mm nnnnnn mmm nnn mmmm nn mmmmmm nnn mm nnnnn mmm mmm nn mmmmm nnnn m nn mmmmm nnnn mm nnnnnn mmm nnn mmmm nn mmmmmm nnn mm nnnnn mmm mmm nn mmmmm nnnn mm n nn mmmmm nnnn mm nnnnnn mmm nnn mmmm nn mmmmmm nnn mm nnnnn mmm mmm nn mmm n mmmmm nnnn mm nnnnnn mmm nnn mmmm nn mmmmmm nnn mm nnnnn mmm mmm nn mmmmm mmmmm nnnn mm nnnnnn mmm nnn mmmm nn mmmmmm nnn mm nnnnn mmm mmm nn mmmmm nnn mmm nn mmmmm nnnn mm nnnnnn mmm nnn mmmm nn mmmmmm nnn mm nnnnn mmm mmm nn mmmmm nnnn m mm nn mmmmm nnnn mm nnnnnn mmm nnn mmmm nn mmmmmm nnn mm nnnnn mmm mmm nn mmmmm nnnn mm n m nn mmmmm nnnn mm nnnnnn mmm nnn mmmm nn mmmmmm nnn mm nnnnn mmm mmm nn mmm nn mmmmm nnnn mm nnnnnn mmm nnn mmmm nn mmmmmm nnn mm nnnnn mmm mmm nn mmmmm nn mmmmm nnnn mm nnnnnn mmm nnn mmmm nn mmmmmm nnn mm nnnnn mmm mmm nn mmmmm nnn n mmmmm nnnn mm nnnnnn mmm nnn mmmm nn mmmmmm nnn mm nnnnn mmm mmm nn mmmmm nnnn m mmmmm nnnn mm nnnnnn mmm nnn mmmm nn mmmmmm nnn mm nnnnn mmm mmm nn mmmmm nnnn mm n mmm nn mmmmm nnnn mm nnnnnn mmm nnn mmmm nn mmmmmm nnn mm nnnnn mmm mmm nn mmm mm nn mmmmm nnnn mm nnnnnn mmm nnn mmmm nn mmmmmm nnn mm nnnnn mmm mmm nn mmmmm m nn mmmmm nnnn mm nnnnnn mmm nnn mmmm nn mmmmmm nnn mm nnnnn mmm mmm nn mmmmm nnn nn mmmmm nnnn mm nnnnnn mmm nnn mmmm nn mmmmmm nnn mm nnnnn mmm mmm nn mmmmm nnnn m nn mmmmm nnnn mm nnnnnn mmm nnn mmmm nn mmmmmm nnn mm nnnnn mmm mmm nn mmmmm nnnn mm n n mmmmm nnnn mm nnnnnn mmm nnn mmmm nn mmmmmm nnn mm nnnnn mmm mmm nn mmm mmmmm nnnn mm nnnnnn mmm nnn mmmm nn mmmmmm nnn mm nnnnn mmm mmm nn mmmmm mmm nn mmmmm nnnn mm nnnnnn mmm nnn mmmm nn mmmmmm nnn mm nnnnn mmm mmm nn mmmmm nnn mm nn mmmmm nnnn mm nnnnnn mmm nnn mmmm nn mmmmmm nnn mm nnnnn mmm mmm nn mmmmm nnnn m m nn mmmmm nnnn mm nnnnnn mmm nnn mmmm nn mmmmmm nnn mm nnnnn mmm mmm nn mmmmm nnnn mm n nn mmmmm nnnn mm nnnnnn mmm nnn mmmm nn mmmmmm nnn mm nnnnn mmm mmm nn mmm nn mmmmm nnnn mm nnnnnn mmm nnn mmmm nn mmmmmm nnn mm nnnnn mmm mmm nn mmmmm n mmmmm nnnn mm nnnnnn mmm nnn mmmm nn mmmmmm nnn mm nnnnn mmm mmm nn mmmmm nnn mmmmm nnnn mm nnnnnn mmm nnn mmmm nn mmmmmm nnn mm nnnnn mmm mmm nn mmmmm nnnn m mmm nn mmmmm nnnn mm nnnnnn mmm nnn mmmm nn mmmmmm nnn mm nnnnn mmm mmm nn mmmmm nnnn mm n mm nn mmmmm nnnn mm nnnnnn mmm nnn mmmm nn mmmmmm nnn mm nnnnn mmm mmm nn mmm m nn mmmmm nnnn mm nnnnnn mmm nnn mmmm nn mmmmmm nnn mm nnnnn mmm mmm nn mmmmm nn mmmmm nnnn mm nnnnnn mmm nnn mmmm nn mmmmmm nnn mm nnnnn mmm mmm nn mmmmm nnn nn mmmmm nnnn mm nnnnnn mmm nnn mmmm nn mmmmmm nnn mm nnnnn mmm mmm nn mmmmm nnnn m n mmmmm nnnn mm nnnnnn mmm nnn mmmm nn mmmmmm nnn mm nnnnn mmm mmm nn mmmmm nnnn mm n mmmmm nnnn mm nnnnnn mmm nnn mmmm nn mmmmmm nnn mm nnnnn mmm mmm nn mmm mmm nn mmmmm nnnn mm nnnnnn mmm nnn mmmm nn mmmmmm nnn mm nnnnn mmm mmm nn mmmmm mm nn mmmmm nnnn mm nnnnnn mmm nnn mmmm nn mmmmmm nnn mm nnnnn mmm mmm nn mmmmm nnn m nn mmmmm nnnn mm nnnnnn mmm nnn mmmm nn mmmmmm nnn mm nnnnn mmm mmm nn mmmmm nnnn m nn mmmmm nnnn mm nnnnnn mmm nnn mmmm nn mmmmmm nnn mm nnnnn mmm mmm nn mmmmm nnnn mm n nn mmmmm nnnn mm nnnnnn mmm nnn mmmm nn mmmmmm nnn mm nnnnn mmm mmm nn mmm n mmmmm nnnn mm nnnnnn mmm nnn mmmm nn mmmmmm nnn mm nnnnn mmm mmm nn mmmmm mmmmm nnnn mm nnnnnn mmm nnn mmmm nn mmmmmm nnn mm nnnnn mmm mmm nn mmmmm nnn mmm nn mmmmm nnnn mm nnnnnn mmm nnn mmmm nn mmmmmm nnn mm nnnnn mmm mmm nn mmmmm nnnn m mm nn mmmmm nnnn mm nnnnnn mmm nnn mmmm nn mmmmmm nnn mm nnnnn mmm mmm nn mmmmm nnnn mm n m nn mmmmm nnnn mm nnnnnn mmm nnn mmmm nn mmmmmm nnn mm nnnnn mmm mmm nn mmm nn mmmmm nnnn mm nnnnnn mmm nnn mmmm nn mmmmmm nnn mm nnnnn mmm mmm nn mmmmm nn mmmmm nnnn mm nnnnnn mmm nnn mmmm nn mmmmmm nnn mm nnnnn mmm mmm nn mmmmm nnn n mmmmm nnnn mm nnnnnn mmm nnn mmmm nn mmmmmm nnn mm nnnnn mmm mmm nn mmmmm nnnn m mmmmm nnnn mm nnnnnn mmm nnn mmmm nn mmmmmm nnn mm nnnnn mmm mmm nn mmmmm nnnn mm n mmm nn mmmmm nnnn mm nnnnnn mmm nnn mmmm nn mmmmmm nnn mm nnnnn mmm mmm nn mmm mm nn mmmmm nnnn mm nnnnnn mmm nnn mmmm nn mmmmmm nnn mm nnnnn mmm mmm nn mmmmm m nn mmmmm nnnn mm nnnnnn mmm nnn mmmm nn mmmmmm nnn mm nnnnn mmm mmm nn mmmmm nnn nn mmmmm nnnn mm nnnnnn mmm nnn mmmm nn mmmmmm nnn mm nnnnn mmm mmm nn mmmmm nnnn m nn mmmmm nnnn mm nnnnnn mmm nnn mmmm nn mmmmmm nnn mm nnnnn mmm mmm nn mmmmm nnnn mm n n mmmmm nnnn mm nnnnnn mmm nnn mmmm nn mmmmmm nnn mm nnnnn mmm mmm nn mmm mmmmm nnnn mm nnnnnn mmm nnn mmmm nn mmmmmm nnn mm nnnnn mmm mmm nn mmmmm mmm nn mmmmm nnnn mm nnnnnn mmm nnn mmmm nn mmmmmm nnn mm nnnnn mmm mmm nn mmmmm nnn mm nn mmmmm nnnn mm nnnnnn mmm nnn mmmm nn mmmmmm nnn mm nnnnn mmm mmm nn mmmmm nnnn m m nn mmmmm nnnn mm nnnnnn mmm nnn mmmm nn mmmmmm nnn mm nnnnn mmm mmm nn mmmmm nnnn mm n
TRIAL OF RUA
RIVAL OF THE TICHBORNE CASE FOR LENGTH
mmm nn mmmmm nnnn mm nnnnnn mmm nnn mmmm nn mmmmmm nnn mm nnnnn mmm mmm nn mmm mm nn mmmmm nnnn mm nnnnnn mmm nnn mmmm nn mmmmmm nnn mm nnnnn mmm mmm nn mmmmm m nn mmmmm nnnn mm nnnnnn mmm nnn mmmm nn mmmmmm nnn mm nnnnn mmm mmm nn mmmmm nnn nn mmmmm nnnn mm nnnnnn mmm nnn mmmm nn mmmmmm nnn mm nnnnn mmm mmm nn mmmmm nnnn m nn mmmmm nnnn mm nnnnnn mmm nnn mmmm nn mmmmmm nnn mm nnnnn mmm mmm nn mmmmm nnnn mm n n mmmmm nnnn mm nnnnnn mmm nnn mmmm nn mmmmmm nnn mm nnnnn mmm mmm nn mmm mmmmm nnnn mm nnnnnn mmm nnn mmmm nn mmmmmm nnn mm nnnnn mmm mmm nn mmmmm mmm nn mmmmm nnnn mm nnnnnn mmm nnn mmmm nn mmmmmm nnn mm nnnnn mmm mmm nn mmmmm nnn mm nn mmmmm nnnn mm nnnnnn mmm nnn mmmm nn mmmmmm nnn mm nnnnn mmm mmm nn mmmmm nnnn m m nn mmmmm nnnn mm nnnnnn mmm nnn mmmm nn mmmmmm nnn mm nnnnn mmm mmm nn mmmmm nnnn mm n nn mmmmm nnnn mm nnnnnn mmm nnn mmmm nn mmmmmm nnn mm nnnnn mmm mmm nn mmm nn mmmmm nnnn mm nnnnnn mmm nnn mmmm nn mmmmmm nnn mm nnnnn mmm mmm nn mmmmm n mmmmm nnnn mm nnnnnn mmm nnn mmmm nn mmmmmm nnn mm nnnnn mmm mmm nn mmmmm nnn mmmmm nnnn mm nnnnnn mmm nnn mmmm nn mmmmmm nnn mm nnnnn mmm mmm nn mmmmm nnnn m mmm nn mmmmm nnnn mm nnnnnn mmm nnn mmmm nn mmmmmm nnn mm nnnnn mmm mmm nn mmmmm nnnn mm n mm nn mmmmm nnnn mm nnnnnn mmm nnn mmmm nn mmmmmm nnn mm nnnnn mmm mmm nn mmm m nn mmmmm nnnn mm nnnnnn mmm nnn mmmm nn mmmmmm nnn mm nnnnn mmm mmm nn mmmmm nn mmmmm nnnn mm nnnnnn mmm nnn mmmm nn mmmmmm nnn mm nnnnn mmm mmm nn mmmmm nnn nn mmmmm nnnn mm nnnnnn mmm nnn mmmm nn mmmmmm nnn mm nnnnn mmm mmm nn mmmmm nnnn m n mmmmm nnnn mm nnnnnn mmm nnn mmmm nn mmmmmm nnn mm nnnnn mmm mmm nn mmmmm nnnn mm n mmmmm nnnn mm nnnnnn mmm nnn mmmm nn mmmmmm nnn mm nnnnn mmm mmm nn mmm mmm nn mmmmm nnnn mm nnnnnn mmm nnn mmmm nn mmmmmm nnn mm nnnnn mmm mmm nn mmmmm mm nn mmmmm nnnn mm nnnnnn mmm nnn mmmm nn mmmmmm nnn mm nnnnn mmm mmm nn mmmmm nnn m nn mmmmm nnnn mm nnnnnn mmm nnn mmmm nn mmmmmm nnn mm nnnnn mmm mmm nn mmmmm nnnn m nn mmmmm nnnn mm nnnnnn mmm nnn mmmm nn mmmmmm nnn mm nnnnn mmm mmm nn mmmmm nnnn mm n nn mmmmm nnnn mm nnnnnn mmm nnn mmmm nn mmmmmm nnn mm nnnnn mmm mmm nn mmm n mmmmm nnnn mm nnnnnn mmm nnn mmmm nn mmmmmm nnn mm nnnnn mmm mmm nn mmmmm mmmmm nnnn mm nnnnnn mmm nnn mmmm nn mmmmmm nnn mm nnnnn mmm mmm nn mmmmm nnn mmm nn mmmmm nnnn mm nnnnnn mmm nnn mmmm nn mmmmmm nnn mm nnnnn mmm mmm nn mmmmm nnnn m mm nn mmmmm nnnn mm nnnnnn mmm nnn mmmm nn mmmmmm nnn mm nnnnn mmm mmm nn mmmmm nnnn mm n m nn mmmmm nnnn mm nnnnnn mmm nnn mmmm nn mmmmmm nnn mm nnnnn mmm mmm nn mmm nn mmmmm nnnn mm nnnnnn mmm nnn mmmm nn mmmmmm nnn mm nnnnn mmm mmm nn mmmmm nn mmmmm nnnn mm nnnnnn mmm nnn mmmm nn mmmmmm nnn mm nnnnn mmm mmm nn mmmmm nnn n mmmmm nnnn mm nnnnnn mmm nnn mmmm nn mmmmmm nnn mm nnnnn mmm mmm nn mmmmm nnnn m mmmmm nnnn mm nnnnnn mmm nnn mmmm nn mmmmmm nnn mm nnnnn mmm mmm nn mmmmm nnnn mm n mmm nn mmmmm nnnn mm nnnnnn mmm nnn mmmm nn mmmmmm nnn mm nnnnn mmm mmm nn mmm mm nn mmmmm nnnn mm nnnnnn mmm nnn mmmm nn mmmmmm nnn mm nnnnn mmm mmm nn mmmmm m nn mmmmm nnnn mm nnnnnn mmm nnn mmmm nn mmmmmm nnn mm nnnnn mmm mmm nn mmmmm nnn nn mmmmm nnnn mm nnnnnn mmm nnn mmmm nn mmmmmm nnn mm nnnnn mmm mmm nn mmmmm nnnn m nn mmmmm nnnn mm nnnnnn mmm nnn mmmm nn mmmmmm nnn mm nnnnn mmm mmm nn mmmmm nnnn mm n n mmmmm nnnn mm nnnnnn mmm nnn mmmm nn mmmmmm nnn mm nnnnn mmm mmm nn mmm mmmmm nnnn mm nnnnnn mmm nnn mmmm nn mmmmmm nnn mm nnnnn mmm mmm nn mmmmm mmm nn mmmmm nnnn mm nnnnnn mmm nnn mmmm nn mmmmmm nnn mm nnnnn mmm mmm nn mmmmm nnn mm nn mmmmm nnnn mm nnnnnn mmm nnn mmmm nn mmmmmm nnn mm nnnnn mmm mmm nn mmmmm nnnn m m nn mmmmm nnnn mm nnnnnn mmm nnn mmmm nn mmmmmm nnn mm nnnnn mmm mmm nn mmmmm nnnn mm n nn mmmmm nnnn mm nnnnnn mmm nnn mmmm nn mmmmmm nnn mm nnnnn mmm mmm nn mmm nn mmmmm nnnn mm nnnnnn mmm nnn mmmm nn mmmmmm nnn mm nnnnn mmm mmm nn mmmmm n mmmmm nnnn mm nnnnnn mmm nnn mmmm nn mmmmmm nnn mm nnnnn mmm mmm nn mmmmm nnn mmmmm nnnn mm nnnnnn mmm nnn mmmm nn mmmmmm nnn mm nnnnn mmm mmm nn mmmmm nnnn m mmm nn mmmmm nnnn mm nnnnnn mmm nnn mmmm nn mmmmmm nnn mm nnnnn mmm mmm nn mmmmm nnnn mm n mm nn mmmmm nnnn mm nnnnnn mmm nnn mmmm nn mmmmmm nnn mm nnnnn mmm mmm nn mmm m nn mmmmm nnnn mm nnnnnn mmm nnn mmmm nn mmmmmm nnn mm nnnnn mmm mmm nn mmmmm nn mmmmm nnnn mm nnnnnn mmm nnn mmmm nn mmmmmm nnn mm nnnnn mmm mmm nn mmmmm nnn nn mmmmm nnnn mm nnnnnn mmm nnn mmmm nn mmmmmm nnn mm nnnnn mmm mmm nn mmmmm nnnn m n mmmmm nnnn mm nnnnnn mmm nnn mmmm nn mmmmmm nnn mm nnnnn mmm mmm nn mmmmm nnnn mm n mmmmm nnnn mm nnnnnn mmm nnn mmmm nn mmmmmm nnn mm nnnnn mmm mmm nn mmm mmm nn mmmmm nnnn mm nnnnnn mmm nnn mmmm nn mmmmmm nnn mm nnnnn mmm mmm nn mmmmm mm nn mmmmm nnnn mm nnnnnn mmm nnn mmmm nn mmmmmm nnn mm nnnnn mmm mmm nn mmmmm nnn m nn mmmmm nnnn mm nnnnnn mmm nnn mmmm nn mmmmmm nnn mm nnnnn mmm mmm nn mmmmm nnnn m nn mmmmm nnnn mm nnnnnn mmm nnn mmmm nn mmmmmm nnn mm nnnnn mmm mmm nn mmmmm nnnn mm n
SIX O'CLOCK CLOSING
DUNEDIN PRESBYTERY'S REGRET
mmm nn mmmmm nnnn mm nnnnnn mmm nnn mmmm nn mmmmmm nnn mm nnnnn mmm mmm nn mmm mm nn mmmmm nnnn mm nnnnnn mmm nnn mmmm nn mmmmmm nnn mm nnnnn mmm mmm nn mmmmm m nn mmmmm nnnn mm nnnnnn mmm nnn mmmm nn mmmmmm nnn mm nnnnn mmm mmm nn mmmmm nnn nn mmmmm nnnn mm nnnnnn mmm nnn mmmm nn mmmmmm nnn mm nnnnn mmm mmm nn mmmmm nnnn m nn mmmmm nnnn mm nnnnnn mmm nnn mmmm nn mmmmmm nnn mm nnnnn mmm mmm nn mmmmm nnnn mm n n mmmmm nnnn mm nnnnnn mmm nnn mmmm nn mmmmmm nnn mm nnnnn mmm mmm nn mmm mmmmm nnnn mm nnnnnn mmm nnn mmmm nn mmmmmm nnn mm nnnnn mmm mmm nn mmmmm mmm nn mmmmm nnnn mm nnnnnn mmm nnn mmmm nn mmmmmm nnn mm nnnnn mmm mmm nn mmmmm nnn mm nn mmmmm nnnn mm nnnnnn mmm nnn mmmm nn mmmmmm nnn mm nnnnn mmm mmm nn mmmmm nnnn m m nn mmmmm nnnn mm nnnnnn mmm nnn mmmm nn mmmmmm nnn mm nnnnn mmm mmm nn mmmmm nnnn mm n nn mmmmm nnnn mm nnnnnn mmm nnn mmmm nn mmmmmm nnn mm nnnnn mmm mmm nn mmm nn mmmmm nnnn mm nnnnnn mmm nnn mmmm nn mmmmmm nnn mm nnnnn mmm mmm nn mmmmm n mmmmm nnnn mm nnnnnn mmm nnn mmmm nn mmmmmm nnn mm nnnnn mmm mmm nn mmmmm nnn mmmmm nnnn mm nnnnnn mmm nnn mmmm nn mmmmmm nnn mm nnnnn mmm mmm nn mmmmm nnnn m mmm nn mmmmm nnnn mm nnnnnn mmm nnn mmmm nn mmmmmm nnn mm nnnnn mmm mmm nn mmmmm nnnn mm n mm nn mmmmm nnnn mm nnnnnn mmm nnn mmmm nn mmmmmm nnn mm nnnnn mmm mmm nn mmm m nn mmmmm nnnn mm nnnnnn mmm nnn mmmm nn mmmmmm nnn mm nnnnn mmm mmm nn mmmmm nn mmmmm nnnn mm nnnnnn mmm nnn mmmm nn mmmmmm nnn mm nnnnn mmm mmm nn mmmmm nnn nn mmmmm nnnn mm nnnnnn mmm nnn mmmm nn mmmmmm nnn mm nnnnn mmm mmm nn mmmmm nnnn m n mmmmm nnnn mm nnnnnn mmm nnn mmmm nn mmmmmm nnn mm nnnnn mmm mmm nn mmmmm nnnn mm n mmmmm nnnn mm nnnnnn mmm nnn mmmm nn mmmmmm nnn mm nnnnn mmm mmm nn mmm mmm nn mmmmm nnnn mm nnnnnn mmm nnn mmmm nn mmmmmm nnn mm nnnnn mmm mmm nn mmmmm mm nn mmmmm nnnn mm nnnnnn mmm nnn mmmm nn mmmmmm nnn mm nnnnn mmm mmm nn mmmmm nnn m nn mmmmm nnnn mm nnnnnn mmm nnn mmmm nn mmmmmm nnn mm nnnnn mmm mmm nn mmmmm nnnn m
AN OAMARU RESOLUTION
mmm nn mmmmm nnnn mm nnnnnn mmm nnn mmmm nn mmmmmm nnn mm nnnnn mmm mmm nn mmm mm nn mmmmm nnnn mm nnnnnn mmm nnn mmmm nn mmmmmm nnn mm nnnnn mmm mmm nn mmmmm m nn mmmmm nnnn mm nnnnnn mmm nnn mmmm nn mmmmmm nnn mm nnnnn mmm mmm nn mmmmm nnn nn mmmmm nnnn mm nnnnnn mmm nnn mmmm nn mmmmmm nnn mm nnnnn mmm mmm nn mmmmm nnnn m nn mmmmm nnnn mm nnnnnn mmm nnn mmmm nn mmmmmm nnn mm nnnnn mmm mmm nn mmmmm nnnn mm n n mmmmm nnnn mm nnnnnn mmm nnn mmmm nn mmmmmm nnn mm nnnnn mmm mmm nn mmm mmmmm nnnn mm nnnnnn mmm nnn mmmm nn mmmmmm nnn mm nnnnn mmm mmm nn mmmmm mmm nn mmmmm nnnn mm nnnnnn mmm nnn mmmm nn mmmmmm nnn mm nnnnn mmm mmm nn mmmmm nnn mm nn mmmmm nnnn mm nnnnnn mmm nnn mmmm nn mmmmmm nnn mm nnnnn mmm mmm nn mmmmm nnnn m m nn mmmmm nnnn mm nnnnnn mmm nnn mmmm nn mmmmmm nnn mm nnnnn mmm mmm nn mmmmm nnnn mm n nn mmmmm nnnn mm nnnnnn mmm nnn mmmm nn mmmmmm nnn mm nnnnn mmm mmm nn mmm nn mmmmm nnnn mm nnnnnn mmm nnn mmmm nn mmmmmm nnn mm nnnnn mmm mmm nn mmmmm n mmmmm nnnn mm nnnnnn mmm nnn mmmm nn mmmmmm nnn mm nnnnn mmm mmm nn mmmmm nnn mmmmm nnnn mm nnnnnn mmm nnn mmmm nn mmmmmm nnn mm nnnnn mmm mmm nn mmmmm nnnn m mmm nn mmmmm nnnn mm nnnnnn mmm nnn mmmm nn mmmmmm nnn mm nnnnn mmm mmm nn mmmmm nnnn mm n mm nn mmmmm nnnn mm nnnnnn mmm nnn mmmm nn mmmmmm nnn mm nnnnn mmm mmm nn mmm m nn mmmmm nnnn mm nnnnnn mmm nnn mmmm nn mmmmmm nnn mm nnnnn mmm mmm nn mmmmm nn mmmmm nnnn mm nnnnnn mmm nnn mmmm nn mmmmmm nnn mm nnnnn mmm mmm nn mmmmm nnn
ALLEGED SEDITIOUS CIRCULAR
TRADE UNION SECRETARY FINED
mmm nn mmmmm nnnn mm nnnnnn mmm nnn mmmm nn mmmmmm nnn mm nnnnn mmm mmm nn mmm mm nn mmmmm nnnn mm nnnnnn mmm nnn mmmm nn mmmmmm nnn mm nnnnn mmm mmm nn mmmmm m nn mmmmm nnnn mm nnnnnn mmm nnn mmmm nn mmmmmm nnn mm nnnnn mmm mmm nn mmmmm nnn nn mmmmm nnnn mm nnnnnn mmm nnn mmmm nn mmmmmm nnn mm nnnnn mmm mmm nn mmmmm nnnn m nn mmmmm nnnn mm nnnnnn mmm nnn mmmm nn mmmmmm nnn mm nnnnn mmm mmm nn mmmmm nnnn mm n n mmmmm nnnn mm nnnnnn mmm nnn mmmm nn mmmmmm nnn mm nnnnn mmm mmm nn mmm mmmmm nnnn mm nnnnnn mmm nnn mmmm nn mmmmmm nnn mm nnnnn mmm mmm nn mmmmm mmm nn mmmmm nnnn mm nnnnnn mmm nnn mmmm nn mmmmmm nnn mm nnnnn mmm mmm nn mmmmm nnn mm nn mmmmm nnnn mm nnnnnn mmm nnn mmmm nn mmmmmm nnn mm nnnnn mmm mmm nn mmmmm nnnn m m nn mmmmm nnnn mm nnnnnn mmm nnn mmmm nn mmmmmm nnn mm nnnnn mmm mmm nn mmmmm nnnn mm n nn mmmmm nnnn mm nnnnnn mmm nnn mmmm nn mmmmmm nnn mm nnnnn mmm mmm nn mmm nn mmmmm nnnn mm nnnnnn mmm nnn mmmm nn mmmmmm nnn mm nnnnn mmm mmm nn mmmmm n mmmmm nnnn mm nnnnnn mmm nnn mmmm nn mmmmmm nnn mm nnnnn mmm mmm nn mmmmm nnn mmmmm nnnn mm nnnnnn mmm nnn mmmm nn mmmmmm nnn mm nnnnn mmm mmm nn mmmmm nnnn m mmm nn mmmmm nnnn mm nnnnnn mmm nnn mmmm nn mmmmmm nnn mm nnnnn mmm mmm nn mmmmm nnnn mm n mm nn mmmmm nnnn mm nnnnnn mmm nnn mmmm nn mmmmmm nnn mm nnnnn mmm mmm nn mmm
KILLED BY A MAIL CAR
mmm nn mmmmm nnnn mm nnnnnn mmm nnn mmmm nn mmmmmm nnn mm nnnnn mmm mmm nn mmm mm nn mmmmm nnnn mm nnnnnn mmm nnn mmmm nn mmmmmm nnn mm nnnnn mmm mmm nn mmmmm m nn mmmmm nnnn mm nnnnnn mmm nnn mmmm nn mmmmmm nnn mm nnnnn mmm mmm nn mmmmm nnn nn mmmmm nnnn mm nnnnnn mmm nnn mmmm nn mmmmmm nnn mm nnnnn mmm mmm nn mmmmm nnnn m nn mmmmm nnnn mm nnnnnn mmm nnn mmmm nn mmmmmm nnn mm nnnnn mmm mmm nn mmmmm nnnn mm n n mmmmm nnnn mm nnnnnn mmm nnn mmmm nn mmmmmm nnn mm nnnnn mmm mmm nn mmm mmmmm nnnn mm nnnnnn mmm nnn mmmm nn mmmmmm nnn mm nnnnn mmm mmm nn mmmmm mmm nn mmmmm nnnn mm nnnnnn mmm nnn mmmm nn mmmmmm nnn mm nnnnn mmm mmm nn mmmmm nnn mm nn mmmmm nnnn mm nnnnnn mmm nnn mmmm nn mmmmmm nnn mm nnnnn mmm mmm nn mmmmm nnnn m m nn mmmmm nnnn mm nnnnnn mmm nnn mmmm nn mmmmmm nnn mm nnnnn mmm mmm nn mmmmm nnnn mm n nn mmmmm nnnn mm nnnnnn mmm nnn mmmm nn mmmmmm nnn mm nnnnn mmm mmm nn mmm nn mmmmm nnnn mm nnnnnn mmm nnn mmmm nn mmmmmm nnn mm nnnnn mmm mmm nn mmmmm n mmmmm nnnn mm nnnnnn mmm nnn mmmm nn mmmmmm nnn mm nnnnn mmm mmm nn mmmmm nnn mmmmm nnnn mm nnnnnn mmm nnn mmmm nn mmmmmm nnn mm nnnnn mmm mmm nn mmmmm nnnn m
SHOOTING FATALITY
mmm nn mmmmm nnnn mm nnnnnn mmm nnn mmmm nn mmmmmm nnn mm nnnnn mmm mmm nn mmm mm nn mmmmm nnnn mm nnnnnn mmm nnn mmmm nn mmmmmm nnn mm nnnnn mmm mmm nn mmmmm m nn mmmmm nnnn mm nnnnnn mmm nnn mmmm nn mmmmmm nnn mm nnnnn mmm mmm nn mmmmm nnn nn mmmmm nnnn mm nnnnnn mmm nnn mmmm nn mmmmmm nnn mm nnnnn mmm mmm nn mmmmm nnnn m nn mmmmm nnnn mm nnnnnn mmm nnn mmmm nn mmmmmm nnn mm nnnnn mmm mmm nn mmmmm nnnn mm n n mmmmm nnnn mm nnnnnn mmm nnn mmmm nn mmmmmm nnn mm nnnnn mmm mmm nn mmm mmmmm nnnn mm nnnnnn mmm nnn mmmm nn mmmmmm nnn mm nnnnn mmm mmm nn mmmmm mmm nn mmmmm nnnn mm nnnnnn mmm nnn mmmm nn mmmmmm nnn mm nnnnn mmm mmm nn mmmmm nnn mm nn mmmmm nnnn mm nnnnnn mmm nnn mmmm nn mmmmmm nnn mm nnnnn mmm mmm nn mmmmm nnnn m m nn mmmmm nnnn mm nnnnnn mmm nnn mmmm nn mmmmmm nnn mm nnnnn mmm mmm nn mmmmm nnnn mm n nn mmmmm nnnn mm nnnnnn mmm nnn mmmm nn mmmmmm nnn mm nnnnn mmm mmm nn mmm nn mmmmm nnnn mm nnnnnn mmm nnn mmmm nn mmmmmm nnn mm nnnnn mmm mmm nn mmmmm n mmmmm nnnn mm nnnnnn mmm nnn mmmm nn mmmmmm nnn mm nnnnn mmm mmm nn mmmmm nnn mmmmm nnnn mm nnnnnn mmm nnn mmmm nn mmmmmm nnn mm nnnnn mmm mmm nn mmmmm nnnn m
A NEWSPAPER EDITOR FINED
BREACH OF WAR REGULATIONS
mmm nn mmmmm nnnn mm nnnnnn mmm nnn mmmm nn mmmmmm nnn mm nnnnn mmm mmm nn mmm mm nn mmmmm nnnn mm nnnnnn mmm nnn mmmm nn mmmmmm nnn mm nnnnn mmm mmm nn mmmmm m nn mmmmm nnnn mm nnnnnn mmm nnn mmmm nn mmmmmm nnn mm nnnnn mmm mmm nn mmmmm nnn nn mmmmm nnnn mm nnnnnn mmm nnn mmmm nn mmmmmm nnn mm nnnnn mmm mmm nn mmmmm nnnn m nn mmmmm nnnn mm nnnnnn mmm nnn mmmm nn mmmmmm nnn mm nnnnn mmm mmm nn mmmmm nnnn mm n n mmmmm nnnn mm nnnnnn mmm nnn mmmm nn mmmmmm nnn mm nnnnn mmm mmm nn mmm mmmmm nnnn mm nnnnnn mmm nnn mmmm nn mmmmmm nnn mm nnnnn mmm mmm nn mmmmm mmm nn mmmmm nnnn mm nnnnnn mmm nnn mmmm nn mmmmmm nnn mm nnnnn mmm mmm nn mmmmm nnn mm nn mmmmm nnnn mm nnnnnn mmm nnn mmmm nn mmmmmm nnn mm nnnnn mmm mmm nn mmmmm nnnn m m nn mmmmm nnnn mm nnnnnn mmm nnn mmmm nn mmmmmm nnn mm nnnnn mmm mmm nn mmmmm nnnn mm n nn mmmmm nnnn mm nnnnnn mmm nnn mmmm nn mmmmmm nnn mm nnnnn mmm mmm nn mmm nn mmmmm nnnn mm nnnnnn mmm nnn mmmm nn mmmmmm nnn mm nnnnn mmm mmm nn mmmmm n mmmmm nnnn mm nnnnnn mmm nnn mmmm nn mmmmmm nnn mm nnnnn mmm mmm nn mmmmm nnn mmmmm nnnn mm nnnnnn mmm nnn mmmm nn mmmmmm nnn mm nnnnn mmm mmm nn mmmmm nnnn m mmm nn mmmmm nnnn mm nnnnnn mmm nnn mmmm nn mmmmmm nnn mm nnnnn mmm mmm nn mmmmm nnnn mm n mm nn mmmmm nnnn mm nnnnnn mmm nnn mmmm nn mmmmmm nnn mm nnnnn mmm mmm nn mmm m nn mmmmm nnnn mm nnnnnn mmm nnn mmmm nn mmmmmm nnn mm nnnnn mmm mmm nn mmmmm nn mmmmm nnnn mm nnnnnn mmm nnn mmmm nn mmmmmm nnn mm nnnnn mmm mmm nn mmmmm nnn
"WITH OUR SOLDIERS IN EGYPT"
mmm nn mmmmm nnnn mm nnnnnn mmm nnn mmmm nn mmmmmm nnn mm nnnnn mmm mmm nn mmm mm nn mmmmm nnnn mm nnnnnn mmm nnn mmmm nn mmmmmm nnn mm nnnnn mmm mmm nn mmmmm m nn mmmmm nnnn mm nnnnnn mmm nnn mmmm nn mmmmmm nnn mm nnnnn mmm mmm nn mmmmm nnn nn mmmmm nnnn mm nnnnnn mmm nnn mmmm nn mmmmmm nnn mm nnnnn mmm mmm nn mmmmm nnnn m nn mmmmm nnnn mm nnnnnn mmm nnn mmmm nn mmmmmm nnn mm nnnnn mmm mmm nn mmmmm nnnn mm n n mmmmm nnnn mm nnnnnn mmm nnn mmmm nn mmmmmm nnn mm nnnnn mmm mmm nn mmm mmmmm nnnn mm nnnnnn mmm nnn mmmm nn mmmmmm nnn mm nnnnn mmm mmm nn mmmmm mmm nn mmmmm nnnn mm nnnnnn mmm nnn mmmm nn mmmmmm nnn mm nnnnn mmm mmm nn mmmmm nnn mm nn mmmmm nnnn mm nnnnnn mmm nnn mmmm nn mmmmmm nnn mm nnnnn mmm mmm nn mmmmm nnnn m m nn mmmmm nnnn mm nnnnnn mmm nnn mmmm nn mmmmmm nnn mm nnnnn mmm mmm nn mmmmm nnnn mm n nn mmmmm nnnn mm nnnnnn mmm nnn mmmm nn mmmmmm nnn mm nnnnn mmm mmm nn mmm nn mmmmm nnnn mm nnnnnn mmm nnn mmmm nn mmmmmm nnn mm nnnnn mmm mmm nn mmmmm n mmmmm nnnn mm nnnnnn mmm nnn mmmm nn mmmmmm nnn mm nnnnn mmm mmm nn mmmmm nnn mmmmm nnnn mm nnnnnn mmm nnn mmmm nn mmmmmm nnn mm nnnnn mmm mmm nn mmmmm nnnn m mmm nn mmmmm nnnn mm nnnnnn mmm nnn mmmm nn mmmmmm nnn mm nnnnn mmm mmm nn mmmmm nnnn mm n mm nn mmmmm nnnn mm nnnnnn mmm nnn mmmm nn mmmmmm nnn mm nnnnn mmm mmm nn mmm m nn mmmmm nnnn mm nnnnnn mmm nnn mmmm nn mmmmmm nnn mm nnnnn mmm mmm nn mmmmm nn mmmmm nnnn mm nnnnnn mmm nnn mmmm nn mmmmmm nnn mm nnnnn mmm mmm nn mmmmm nnn nn mmmmm nnnn mm nnnnnn mmm nnn mmmm nn mmmmmm nnn mm nnnnn mmm mmm nn mmmmm nnnn m n mmmmm nnnn mm nnnnnn mmm nnn mmmm nn mmmmmm nnn mm nnnnn mmm mmm nn mmmmm nnnn mm n mmmmm nnnn mm nnnnnn mmm nnn mmmm nn mmmmmm nnn mm nnnnn mmm mmm nn mmm mmm nn mmmmm nnnn mm nnnnnn mmm nnn mmmm nn mmmmmm nnn mm nnnnn mmm mmm nn mmmmm mm nn mmmmm nnnn mm nnnnnn mmm nnn mmmm nn mmmmmm nnn mm nnnnn mmm mmm nn mmmmm nnn m nn mmmmm nnnn mm nnnnnn mmm nnn mmmm nn mmmmmm nnn mm nnnnn mmm mmm nn mmmmm nnnn m nn mmmmm nnnn mm nnnnnn mmm nnn mmmm nn mmmmmm nnn mm nnnnn mmm mmm nn mmmmm nnnn mm n nn mmmmm nnnn mm nnnnnn mmm nnn mmmm nn mmmmmm nnn mm nnnnn mmm mmm nn mmm n mmmmm nnnn mm nnnnnn mmm nnn mmmm nn mmmmmm nnn mm nnnnn mmm mmm nn mmmmm mmmmm nnnn mm nnnnnn mmm nnn mmmm nn mmmmmm nnn mm nnnnn mmm mmm nn mmmmm nnn mmm nn mmmmm nnnn mm nnnnnn mmm nnn mmmm nn mmmmmm nnn mm nnnnn mmm mmm nn mmmmm nnnn m mm nn mmmmm nnnn mm nnnnnn mmm nnn mmmm nn mmmmmm nnn mm nnnnn mmm mmm nn mmmmm nnnn mm n m nn mmmmm nnnn mm nnnnnn mmm nnn mmmm nn mmmmmm nnn mm nnnnn mmm mmm nn mmm nn mmmmm nnnn mm nnnnnn mmm nnn mmmm nn mmmmmm nnn mm nnnnn mmm mmm nn mmmmm nn mmmmm nnnn mm nnnnnn mmm nnn mmmm nn mmmmmm nnn mm nnnnn mmm mmm nn mmmmm nnn n mmmmm nnnn mm nnnnnn mmm nnn mmmm nn mmmmmm nnn mm nnnnn mmm mmm nn mmmmm nnnn m mmmmm nnnn mm nnnnnn mmm nnn mmmm nn mmmmmm nnn mm nnnnn mmm mmm nn mmmmm nnnn mm n mmm nn mmmmm nnnn mm nnnnnn mmm nnn mmmm nn mmmmmm nnn mm nnnnn mmm mmm nn mmm mm nn mmmmm nnnn mm nnnnnn mmm nnn mmmm nn mmmmmm nnn mm nnnnn mmm mmm nn mmmmm m nn mmmmm nnnn mm nnnnnn mmm nnn mmmm nn mmmmmm nnn mm nnnnn mmm mmm nn mmmmm nnn nn mmmmm nnnn mm nnnnnn mmm nnn mmmm nn mmmmmm nnn mm nnnnn mmm mmm nn mmmmm nnnn m nn mmmmm nnnn mm nnnnnn mmm nnn mmmm nn mmmmmm nnn mm nnnnn mmm mmm nn mmmmm nnnn mm n n mmmmm nnnn mm nnnnnn mmm nnn mmmm nn mmmmmm nnn mm nnnnn mmm mmm nn mmm mmmmm nnnn mm nnnnnn mmm nnn mmmm nn mmmmmm nnn mm nnnnn mmm mmm nn mmmmm mmm nn mmmmm nnnn mm nnnnnn mmm nnn mmmm nn mmmmmm nnn mm nnnnn mmm mmm nn mmmmm nnn mm nn mmmmm nnnn mm nnnnnn mmm nnn mmmm nn mmmmmm nnn mm nnnnn mmm mmm nn mmmmm nnnn m m nn mmmmm nnnn mm nnnnnn mmm nnn mmmm nn mmmmmm nnn mm nnnnn mmm mmm nn mmmmm nnnn mm n nn mmmmm nnnn mm nnnnnn mmm nnn mmmm nn mmmmmm nnn mm nnnnn mmm mmm nn mmm nn mmmmm nnnn mm nnnnnn mmm nnn mmmm nn mmmmmm nnn mm nnnnn mmm mmm nn mmmmm n mmmmm nnnn mm nnnnnn mmm nnn mmmm nn mmmmmm nnn mm nnnnn mmm mmm nn mmmmm nnn
IT IS THE DISTINCTIVE QUALITY OF SANDER'S EUCALYPTI EXTRACT
mmm nn mmmmm nnnn mm nnnnnn mmm nnn mmmm nn mmmmmm nnn mm nnnnn mmm mmm nn mmm mm nn mmmmm nnnn mm nnnnnn mmm nnn mmmm nn mmmmmm nnn mm nnnnn mmm mmm nn mmmmm m nn mmmmm nnnn mm nnnnnn mmm nnn mmmm nn mmmmmm nnn mm nnnnn mmm mmm nn mmmmm nnn nn mmmmm nnnn mm nnnnnn mmm nnn mmmm nn mmmmmm nnn mm nnnnn mmm mmm nn mmmmm nnnn m nn mmmmm nnnn mm nnnnnn mmm nnn mmmm nn mmmmmm nnn mm nnnnn mmm mmm nn mmmmm nnnn mm n n mmmmm nnnn mm nnnnnn mmm nnn mmmm nn mmmmmm nnn mm nnnnn mmm mmm nn mmm mmmmm nnnn mm nnnnnn mmm nnn mmmm nn mmmmmm nnn mm nnnnn mmm mmm nn mmmmm mmm nn mmmmm nnnn mm nnnnnn mmm nnn mmmm nn mmmmmm nnn mm nnnnn mmm mmm nn mmmmm nnn mm nn mmmmm nnnn mm nnnnnn mmm nnn mmmm nn mmmmmm nnn mm nnnnn mmm mmm nn mmmmm nnnn m m nn mmmmm nnnn mm nnnnnn mmm nnn mmmm nn mmmmmm nnn mm nnnnn mmm mmm nn mmmmm nnnn mm n nn mmmmm nnnn mm nnnnnn mmm nnn mmmm nn mmmmmm nnn mm nnnnn mmm mmm nn mmm nn mmmmm nnnn mm nnnnnn mmm nnn mmmm nn mmmmmm nnn mm nnnnn mmm mmm nn mmmmm n mmmmm nnnn mm nnnnnn mmm nnn mmmm nn mmmmmm nnn mm nnnnn mmm mmm nn mmmmm nnn mmmmm nnnn mm nnnnnn mmm nnn mmmm nn mmmmmm nnn mm nnnnn mmm mmm nn mmmmm nnnn m mmm nn mmmmm nnnn mm nnnnnn mmm nnn mmmm nn mmmmmm nnn mm nnnnn mmm mmm nn mmmmm nnnn mm n mm nn mmmmm nnnn mm nnnnnn mmm nnn mmmm nn mmmmmm nnn mm nnnnn mmm mmm nn mmm m nn mmmmm nnnn mm nnnnnn mmm nnn mmmm nn mmmmmm nnn mm nnnnn mmm mmm nn mmmmm nn mmmmm nnnn mm nnnnnn mmm nnn mmmm nn mmmmmm nnn mm nnnnn mmm mmm nn mmmmm nnn nn mmmmm nnnn mm nnnnnn mmm nnn mmmm nn mmmmmm nnn mm nnnnn mmm mmm nn mmmmm nnnn m n mmmmm nnnn mm nnnnnn mmm nnn mmmm nn mmmmmm nnn mm nnnnn mmm mmm nn mmmmm nnnn mm n mmmmm nnnn mm nnnnnn mmm nnn mmmm nn mmmmmm nnn mm nnnnn mmm mmm nn mmm mmm nn mmmmm nnnn mm nnnnnn mmm nnn mmmm nn mmmmmm nnn mm nnnnn mmm mmm nn mmmmm mm nn mmmmm nnnn mm nnnnnn mmm nnn mmmm nn mmmmmm nnn mm nnnnn mmm mmm nn mmmmm nnn m nn mmmmm nnnn mm nnnnnn mmm nnn mmmm nn mmmmmm nnn mm nnnnn mmm mmm nn mmmmm nnnn m nn mmmmm nnnn mm nnnnnn mmm nnn mmmm nn mmmmmm nnn mm nnnnn mmm mmm nn mmmmm nnnn mm n nn mmmmm nnnn mm nnnnnn mmm nnn mmmm nn mmmmmm nnn mm nnnnn mmm mmm nn mmm
H. P. AUSTIN.
For immediate delivery, has just been
completely overhauled and painted.
Equipment includes new hood, five
lamps, screen, detachable wheels. Particulars from
SCOTT MOTOR AGENCY,
17 Lower Cuba Street,
WELLINGTON.
Woods' Great Peppermint Cure For Coughs and Colds, never fails.
